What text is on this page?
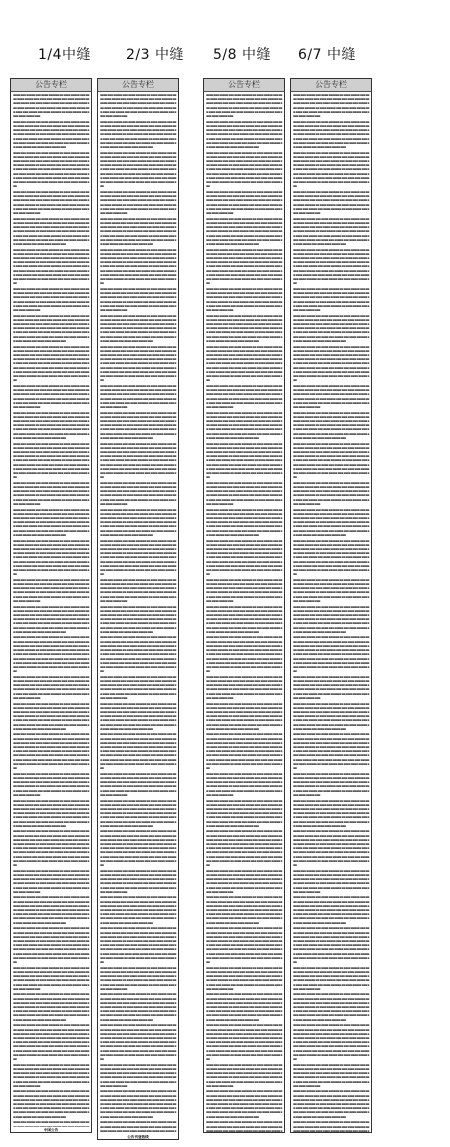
1/4中缝 2/3 中缝 5/8 中缝 6/7 中缝
公告专栏
▪▪▪▪ ▪▪▪ ▪▪▪▪▪ ▪▪▪ ▪▪▪▪ ▪▪▪▪▪▪ ▪▪ ▪▪▪▪ ▪▪▪▪▪ ▪▪▪ ▪▪▪▪ ▪▪▪▪ ▪▪▪▪▪ ▪▪▪ ▪▪▪▪ ▪▪▪ ▪▪▪▪▪ ▪▪▪ ▪▪▪▪ ▪▪▪▪▪▪ ▪▪ ▪▪▪▪ ▪▪▪▪▪ ▪▪▪ ▪▪▪▪ ▪▪▪▪ ▪▪▪▪▪ ▪▪▪ ▪▪▪▪ ▪▪▪ ▪▪▪▪▪ ▪▪▪ ▪▪▪▪ ▪▪▪▪▪▪ ▪▪ ▪▪▪▪ ▪▪▪▪▪ ▪▪▪ ▪▪▪▪ ▪▪▪▪ ▪▪▪▪▪ ▪▪▪ ▪▪▪▪ ▪▪▪ ▪▪▪▪▪ ▪▪▪ ▪▪▪▪ ▪▪▪▪▪▪ ▪▪ ▪▪▪▪ ▪▪▪▪▪ ▪▪▪ ▪▪▪▪ ▪▪▪▪ ▪▪▪▪▪ ▪▪▪
▪▪▪▪ ▪▪▪ ▪▪▪▪▪ ▪▪▪ ▪▪▪▪ ▪▪▪▪▪▪ ▪▪ ▪▪▪▪ ▪▪▪▪▪ ▪▪▪ ▪▪▪▪ ▪▪▪▪ ▪▪▪▪▪ ▪▪▪ ▪▪▪▪ ▪▪▪ ▪▪▪▪▪ ▪▪▪ ▪▪▪▪ ▪▪▪▪▪▪ ▪▪ ▪▪▪▪ ▪▪▪▪▪ ▪▪▪ ▪▪▪▪ ▪▪▪▪ ▪▪▪▪▪ ▪▪▪ ▪▪▪▪ ▪▪▪ ▪▪▪▪▪ ▪▪▪ ▪▪▪▪ ▪▪▪▪▪▪ ▪▪ ▪▪▪▪ ▪▪▪▪▪ ▪▪▪ ▪▪▪▪ ▪▪▪▪ ▪▪▪▪▪ ▪▪▪ ▪▪▪▪ ▪▪▪ ▪▪▪▪▪ ▪▪▪ ▪▪▪▪ ▪▪▪▪▪▪ ▪▪ ▪▪▪▪ ▪▪▪▪▪ ▪▪▪ ▪▪▪▪ ▪▪▪▪ ▪▪▪▪▪ ▪▪▪ ▪▪▪▪ ▪▪▪ ▪▪▪▪▪ ▪▪▪ ▪▪▪▪ ▪▪▪▪▪▪ ▪▪ ▪▪▪▪ ▪▪▪▪▪ ▪▪▪ ▪▪▪▪ ▪▪▪▪ ▪▪▪▪▪ ▪▪▪
▪▪▪▪ ▪▪▪ ▪▪▪▪▪ ▪▪▪ ▪▪▪▪ ▪▪▪▪▪▪ ▪▪ ▪▪▪▪ ▪▪▪▪▪ ▪▪▪ ▪▪▪▪ ▪▪▪▪ ▪▪▪▪▪ ▪▪▪ ▪▪▪▪ ▪▪▪ ▪▪▪▪▪ ▪▪▪ ▪▪▪▪ ▪▪▪▪▪▪ ▪▪ ▪▪▪▪ ▪▪▪▪▪ ▪▪▪ ▪▪▪▪ ▪▪▪▪ ▪▪▪▪▪ ▪▪▪ ▪▪▪▪ ▪▪▪ ▪▪▪▪▪ ▪▪▪ ▪▪▪▪ ▪▪▪▪▪▪ ▪▪ ▪▪▪▪ ▪▪▪▪▪ ▪▪▪ ▪▪▪▪ ▪▪▪▪ ▪▪▪▪▪ ▪▪▪ ▪▪▪▪ ▪▪▪ ▪▪▪▪▪ ▪▪▪ ▪▪▪▪ ▪▪▪▪▪▪ ▪▪ ▪▪▪▪ ▪▪▪▪▪ ▪▪▪ ▪▪▪▪ ▪▪▪▪ ▪▪▪▪▪ ▪▪▪ ▪▪▪▪ ▪▪▪ ▪▪▪▪▪ ▪▪▪ ▪▪▪▪ ▪▪▪▪▪▪ ▪▪ ▪▪▪▪ ▪▪▪▪▪ ▪▪▪ ▪▪▪▪ ▪▪▪▪ ▪▪▪▪▪ ▪▪▪ ▪▪▪▪ ▪▪▪ ▪▪▪▪▪ ▪▪▪ ▪▪▪▪ ▪▪▪▪▪▪ ▪▪ ▪▪▪▪ ▪▪▪▪▪ ▪▪▪ ▪▪▪▪ ▪▪▪▪ ▪▪▪▪▪ ▪▪▪
▪▪▪▪ ▪▪▪ ▪▪▪▪▪ ▪▪▪ ▪▪▪▪ ▪▪▪▪▪▪ ▪▪ ▪▪▪▪ ▪▪▪▪▪ ▪▪▪ ▪▪▪▪ ▪▪▪▪ ▪▪▪▪▪ ▪▪▪ ▪▪▪▪ ▪▪▪ ▪▪▪▪▪ ▪▪▪ ▪▪▪▪ ▪▪▪▪▪▪ ▪▪ ▪▪▪▪ ▪▪▪▪▪ ▪▪▪ ▪▪▪▪ ▪▪▪▪ ▪▪▪▪▪ ▪▪▪ ▪▪▪▪ ▪▪▪ ▪▪▪▪▪ ▪▪▪ ▪▪▪▪ ▪▪▪▪▪▪ ▪▪ ▪▪▪▪ ▪▪▪▪▪ ▪▪▪ ▪▪▪▪ ▪▪▪▪ ▪▪▪▪▪ ▪▪▪ ▪▪▪▪ ▪▪▪ ▪▪▪▪▪ ▪▪▪ ▪▪▪▪ ▪▪▪▪▪▪ ▪▪ ▪▪▪▪ ▪▪▪▪▪ ▪▪▪ ▪▪▪▪ ▪▪▪▪ ▪▪▪▪▪ ▪▪▪
▪▪▪▪ ▪▪▪ ▪▪▪▪▪ ▪▪▪ ▪▪▪▪ ▪▪▪▪▪▪ ▪▪ ▪▪▪▪ ▪▪▪▪▪ ▪▪▪ ▪▪▪▪ ▪▪▪▪ ▪▪▪▪▪ ▪▪▪ ▪▪▪▪ ▪▪▪ ▪▪▪▪▪ ▪▪▪ ▪▪▪▪ ▪▪▪▪▪▪ ▪▪ ▪▪▪▪ ▪▪▪▪▪ ▪▪▪ ▪▪▪▪ ▪▪▪▪ ▪▪▪▪▪ ▪▪▪ ▪▪▪▪ ▪▪▪ ▪▪▪▪▪ ▪▪▪ ▪▪▪▪ ▪▪▪▪▪▪ ▪▪ ▪▪▪▪ ▪▪▪▪▪ ▪▪▪ ▪▪▪▪ ▪▪▪▪ ▪▪▪▪▪ ▪▪▪ ▪▪▪▪ ▪▪▪ ▪▪▪▪▪ ▪▪▪ ▪▪▪▪ ▪▪▪▪▪▪ ▪▪ ▪▪▪▪ ▪▪▪▪▪ ▪▪▪ ▪▪▪▪ ▪▪▪▪ ▪▪▪▪▪ ▪▪▪ ▪▪▪▪ ▪▪▪ ▪▪▪▪▪ ▪▪▪ ▪▪▪▪ ▪▪▪▪▪▪ ▪▪ ▪▪▪▪ ▪▪▪▪▪ ▪▪▪ ▪▪▪▪ ▪▪▪▪ ▪▪▪▪▪ ▪▪▪
▪▪▪▪ ▪▪▪ ▪▪▪▪▪ ▪▪▪ ▪▪▪▪ ▪▪▪▪▪▪ ▪▪ ▪▪▪▪ ▪▪▪▪▪ ▪▪▪ ▪▪▪▪ ▪▪▪▪ ▪▪▪▪▪ ▪▪▪ ▪▪▪▪ ▪▪▪ ▪▪▪▪▪ ▪▪▪ ▪▪▪▪ ▪▪▪▪▪▪ ▪▪ ▪▪▪▪ ▪▪▪▪▪ ▪▪▪ ▪▪▪▪ ▪▪▪▪ ▪▪▪▪▪ ▪▪▪ ▪▪▪▪ ▪▪▪ ▪▪▪▪▪ ▪▪▪ ▪▪▪▪ ▪▪▪▪▪▪ ▪▪ ▪▪▪▪ ▪▪▪▪▪ ▪▪▪ ▪▪▪▪ ▪▪▪▪ ▪▪▪▪▪ ▪▪▪ ▪▪▪▪ ▪▪▪ ▪▪▪▪▪ ▪▪▪ ▪▪▪▪ ▪▪▪▪▪▪ ▪▪ ▪▪▪▪ ▪▪▪▪▪ ▪▪▪ ▪▪▪▪ ▪▪▪▪ ▪▪▪▪▪ ▪▪▪ ▪▪▪▪ ▪▪▪ ▪▪▪▪▪ ▪▪▪ ▪▪▪▪ ▪▪▪▪▪▪ ▪▪ ▪▪▪▪ ▪▪▪▪▪ ▪▪▪ ▪▪▪▪ ▪▪▪▪ ▪▪▪▪▪ ▪▪▪ ▪▪▪▪ ▪▪▪ ▪▪▪▪▪ ▪▪▪ ▪▪▪▪ ▪▪▪▪▪▪ ▪▪ ▪▪▪▪ ▪▪▪▪▪ ▪▪▪ ▪▪▪▪ ▪▪▪▪ ▪▪▪▪▪ ▪▪▪
▪▪▪▪ ▪▪▪ ▪▪▪▪▪ ▪▪▪ ▪▪▪▪ ▪▪▪▪▪▪ ▪▪ ▪▪▪▪ ▪▪▪▪▪ ▪▪▪ ▪▪▪▪ ▪▪▪▪ ▪▪▪▪▪ ▪▪▪ ▪▪▪▪ ▪▪▪ ▪▪▪▪▪ ▪▪▪ ▪▪▪▪ ▪▪▪▪▪▪ ▪▪ ▪▪▪▪ ▪▪▪▪▪ ▪▪▪ ▪▪▪▪ ▪▪▪▪ ▪▪▪▪▪ ▪▪▪ ▪▪▪▪ ▪▪▪ ▪▪▪▪▪ ▪▪▪ ▪▪▪▪ ▪▪▪▪▪▪ ▪▪ ▪▪▪▪ ▪▪▪▪▪ ▪▪▪ ▪▪▪▪ ▪▪▪▪ ▪▪▪▪▪ ▪▪▪ ▪▪▪▪ ▪▪▪ ▪▪▪▪▪ ▪▪▪ ▪▪▪▪ ▪▪▪▪▪▪ ▪▪ ▪▪▪▪ ▪▪▪▪▪ ▪▪▪ ▪▪▪▪ ▪▪▪▪ ▪▪▪▪▪ ▪▪▪
▪▪▪▪ ▪▪▪ ▪▪▪▪▪ ▪▪▪ ▪▪▪▪ ▪▪▪▪▪▪ ▪▪ ▪▪▪▪ ▪▪▪▪▪ ▪▪▪ ▪▪▪▪ ▪▪▪▪ ▪▪▪▪▪ ▪▪▪ ▪▪▪▪ ▪▪▪ ▪▪▪▪▪ ▪▪▪ ▪▪▪▪ ▪▪▪▪▪▪ ▪▪ ▪▪▪▪ ▪▪▪▪▪ ▪▪▪ ▪▪▪▪ ▪▪▪▪ ▪▪▪▪▪ ▪▪▪ ▪▪▪▪ ▪▪▪ ▪▪▪▪▪ ▪▪▪ ▪▪▪▪ ▪▪▪▪▪▪ ▪▪ ▪▪▪▪ ▪▪▪▪▪ ▪▪▪ ▪▪▪▪ ▪▪▪▪ ▪▪▪▪▪ ▪▪▪ ▪▪▪▪ ▪▪▪ ▪▪▪▪▪ ▪▪▪ ▪▪▪▪ ▪▪▪▪▪▪ ▪▪ ▪▪▪▪ ▪▪▪▪▪ ▪▪▪ ▪▪▪▪ ▪▪▪▪ ▪▪▪▪▪ ▪▪▪ ▪▪▪▪ ▪▪▪ ▪▪▪▪▪ ▪▪▪ ▪▪▪▪ ▪▪▪▪▪▪ ▪▪ ▪▪▪▪ ▪▪▪▪▪ ▪▪▪ ▪▪▪▪ ▪▪▪▪ ▪▪▪▪▪ ▪▪▪
▪▪▪▪ ▪▪▪ ▪▪▪▪▪ ▪▪▪ ▪▪▪▪ ▪▪▪▪▪▪ ▪▪ ▪▪▪▪ ▪▪▪▪▪ ▪▪▪ ▪▪▪▪ ▪▪▪▪ ▪▪▪▪▪ ▪▪▪ ▪▪▪▪ ▪▪▪ ▪▪▪▪▪ ▪▪▪ ▪▪▪▪ ▪▪▪▪▪▪ ▪▪ ▪▪▪▪ ▪▪▪▪▪ ▪▪▪ ▪▪▪▪ ▪▪▪▪ ▪▪▪▪▪ ▪▪▪ ▪▪▪▪ ▪▪▪ ▪▪▪▪▪ ▪▪▪ ▪▪▪▪ ▪▪▪▪▪▪ ▪▪ ▪▪▪▪ ▪▪▪▪▪ ▪▪▪ ▪▪▪▪ ▪▪▪▪ ▪▪▪▪▪ ▪▪▪ ▪▪▪▪ ▪▪▪ ▪▪▪▪▪ ▪▪▪ ▪▪▪▪ ▪▪▪▪▪▪ ▪▪ ▪▪▪▪ ▪▪▪▪▪ ▪▪▪ ▪▪▪▪ ▪▪▪▪ ▪▪▪▪▪ ▪▪▪ ▪▪▪▪ ▪▪▪ ▪▪▪▪▪ ▪▪▪ ▪▪▪▪ ▪▪▪▪▪▪ ▪▪ ▪▪▪▪ ▪▪▪▪▪ ▪▪▪ ▪▪▪▪ ▪▪▪▪ ▪▪▪▪▪ ▪▪▪ ▪▪▪▪ ▪▪▪ ▪▪▪▪▪ ▪▪▪ ▪▪▪▪ ▪▪▪▪▪▪ ▪▪ ▪▪▪▪ ▪▪▪▪▪ ▪▪▪ ▪▪▪▪ ▪▪▪▪ ▪▪▪▪▪ ▪▪▪
▪▪▪▪ ▪▪▪ ▪▪▪▪▪ ▪▪▪ ▪▪▪▪ ▪▪▪▪▪▪ ▪▪ ▪▪▪▪ ▪▪▪▪▪ ▪▪▪ ▪▪▪▪ ▪▪▪▪ ▪▪▪▪▪ ▪▪▪ ▪▪▪▪ ▪▪▪ ▪▪▪▪▪ ▪▪▪ ▪▪▪▪ ▪▪▪▪▪▪ ▪▪ ▪▪▪▪ ▪▪▪▪▪ ▪▪▪ ▪▪▪▪ ▪▪▪▪ ▪▪▪▪▪ ▪▪▪ ▪▪▪▪ ▪▪▪ ▪▪▪▪▪ ▪▪▪ ▪▪▪▪ ▪▪▪▪▪▪ ▪▪ ▪▪▪▪ ▪▪▪▪▪ ▪▪▪ ▪▪▪▪ ▪▪▪▪ ▪▪▪▪▪ ▪▪▪ ▪▪▪▪ ▪▪▪ ▪▪▪▪▪ ▪▪▪ ▪▪▪▪ ▪▪▪▪▪▪ ▪▪ ▪▪▪▪ ▪▪▪▪▪ ▪▪▪ ▪▪▪▪ ▪▪▪▪ ▪▪▪▪▪ ▪▪▪
▪▪▪▪ ▪▪▪ ▪▪▪▪▪ ▪▪▪ ▪▪▪▪ ▪▪▪▪▪▪ ▪▪ ▪▪▪▪ ▪▪▪▪▪ ▪▪▪ ▪▪▪▪ ▪▪▪▪ ▪▪▪▪▪ ▪▪▪ ▪▪▪▪ ▪▪▪ ▪▪▪▪▪ ▪▪▪ ▪▪▪▪ ▪▪▪▪▪▪ ▪▪ ▪▪▪▪ ▪▪▪▪▪ ▪▪▪ ▪▪▪▪ ▪▪▪▪ ▪▪▪▪▪ ▪▪▪ ▪▪▪▪ ▪▪▪ ▪▪▪▪▪ ▪▪▪ ▪▪▪▪ ▪▪▪▪▪▪ ▪▪ ▪▪▪▪ ▪▪▪▪▪ ▪▪▪ ▪▪▪▪ ▪▪▪▪ ▪▪▪▪▪ ▪▪▪ ▪▪▪▪ ▪▪▪ ▪▪▪▪▪ ▪▪▪ ▪▪▪▪ ▪▪▪▪▪▪ ▪▪ ▪▪▪▪ ▪▪▪▪▪ ▪▪▪ ▪▪▪▪ ▪▪▪▪ ▪▪▪▪▪ ▪▪▪ ▪▪▪▪ ▪▪▪ ▪▪▪▪▪ ▪▪▪ ▪▪▪▪ ▪▪▪▪▪▪ ▪▪ ▪▪▪▪ ▪▪▪▪▪ ▪▪▪ ▪▪▪▪ ▪▪▪▪ ▪▪▪▪▪ ▪▪▪
▪▪▪▪ ▪▪▪ ▪▪▪▪▪ ▪▪▪ ▪▪▪▪ ▪▪▪▪▪▪ ▪▪ ▪▪▪▪ ▪▪▪▪▪ ▪▪▪ ▪▪▪▪ ▪▪▪▪ ▪▪▪▪▪ ▪▪▪ ▪▪▪▪ ▪▪▪ ▪▪▪▪▪ ▪▪▪ ▪▪▪▪ ▪▪▪▪▪▪ ▪▪ ▪▪▪▪ ▪▪▪▪▪ ▪▪▪ ▪▪▪▪ ▪▪▪▪ ▪▪▪▪▪ ▪▪▪ ▪▪▪▪ ▪▪▪ ▪▪▪▪▪ ▪▪▪ ▪▪▪▪ ▪▪▪▪▪▪ ▪▪ ▪▪▪▪ ▪▪▪▪▪ ▪▪▪ ▪▪▪▪ ▪▪▪▪ ▪▪▪▪▪ ▪▪▪ ▪▪▪▪ ▪▪▪ ▪▪▪▪▪ ▪▪▪ ▪▪▪▪ ▪▪▪▪▪▪ ▪▪ ▪▪▪▪ ▪▪▪▪▪ ▪▪▪ ▪▪▪▪ ▪▪▪▪ ▪▪▪▪▪ ▪▪▪ ▪▪▪▪ ▪▪▪ ▪▪▪▪▪ ▪▪▪ ▪▪▪▪ ▪▪▪▪▪▪ ▪▪ ▪▪▪▪ ▪▪▪▪▪ ▪▪▪ ▪▪▪▪ ▪▪▪▪ ▪▪▪▪▪ ▪▪▪ ▪▪▪▪ ▪▪▪ ▪▪▪▪▪ ▪▪▪ ▪▪▪▪ ▪▪▪▪▪▪ ▪▪ ▪▪▪▪ ▪▪▪▪▪ ▪▪▪ ▪▪▪▪ ▪▪▪▪ ▪▪▪▪▪ ▪▪▪
▪▪▪▪ ▪▪▪ ▪▪▪▪▪ ▪▪▪ ▪▪▪▪ ▪▪▪▪▪▪ ▪▪ ▪▪▪▪ ▪▪▪▪▪ ▪▪▪ ▪▪▪▪ ▪▪▪▪ ▪▪▪▪▪ ▪▪▪ ▪▪▪▪ ▪▪▪ ▪▪▪▪▪ ▪▪▪ ▪▪▪▪ ▪▪▪▪▪▪ ▪▪ ▪▪▪▪ ▪▪▪▪▪ ▪▪▪ ▪▪▪▪ ▪▪▪▪ ▪▪▪▪▪ ▪▪▪ ▪▪▪▪ ▪▪▪ ▪▪▪▪▪ ▪▪▪ ▪▪▪▪ ▪▪▪▪▪▪ ▪▪ ▪▪▪▪ ▪▪▪▪▪ ▪▪▪ ▪▪▪▪ ▪▪▪▪ ▪▪▪▪▪ ▪▪▪ ▪▪▪▪ ▪▪▪ ▪▪▪▪▪ ▪▪▪ ▪▪▪▪ ▪▪▪▪▪▪ ▪▪ ▪▪▪▪ ▪▪▪▪▪ ▪▪▪ ▪▪▪▪ ▪▪▪▪ ▪▪▪▪▪ ▪▪▪
▪▪▪▪ ▪▪▪ ▪▪▪▪▪ ▪▪▪ ▪▪▪▪ ▪▪▪▪▪▪ ▪▪ ▪▪▪▪ ▪▪▪▪▪ ▪▪▪ ▪▪▪▪ ▪▪▪▪ ▪▪▪▪▪ ▪▪▪ ▪▪▪▪ ▪▪▪ ▪▪▪▪▪ ▪▪▪ ▪▪▪▪ ▪▪▪▪▪▪ ▪▪ ▪▪▪▪ ▪▪▪▪▪ ▪▪▪ ▪▪▪▪ ▪▪▪▪ ▪▪▪▪▪ ▪▪▪ ▪▪▪▪ ▪▪▪ ▪▪▪▪▪ ▪▪▪ ▪▪▪▪ ▪▪▪▪▪▪ ▪▪ ▪▪▪▪ ▪▪▪▪▪ ▪▪▪ ▪▪▪▪ ▪▪▪▪ ▪▪▪▪▪ ▪▪▪ ▪▪▪▪ ▪▪▪ ▪▪▪▪▪ ▪▪▪ ▪▪▪▪ ▪▪▪▪▪▪ ▪▪ ▪▪▪▪ ▪▪▪▪▪ ▪▪▪ ▪▪▪▪ ▪▪▪▪ ▪▪▪▪▪ ▪▪▪ ▪▪▪▪ ▪▪▪ ▪▪▪▪▪ ▪▪▪ ▪▪▪▪ ▪▪▪▪▪▪ ▪▪ ▪▪▪▪ ▪▪▪▪▪ ▪▪▪ ▪▪▪▪ ▪▪▪▪ ▪▪▪▪▪ ▪▪▪
▪▪▪▪ ▪▪▪ ▪▪▪▪▪ ▪▪▪ ▪▪▪▪ ▪▪▪▪▪▪ ▪▪ ▪▪▪▪ ▪▪▪▪▪ ▪▪▪ ▪▪▪▪ ▪▪▪▪ ▪▪▪▪▪ ▪▪▪ ▪▪▪▪ ▪▪▪ ▪▪▪▪▪ ▪▪▪ ▪▪▪▪ ▪▪▪▪▪▪ ▪▪ ▪▪▪▪ ▪▪▪▪▪ ▪▪▪ ▪▪▪▪ ▪▪▪▪ ▪▪▪▪▪ ▪▪▪ ▪▪▪▪ ▪▪▪ ▪▪▪▪▪ ▪▪▪ ▪▪▪▪ ▪▪▪▪▪▪ ▪▪ ▪▪▪▪ ▪▪▪▪▪ ▪▪▪ ▪▪▪▪ ▪▪▪▪ ▪▪▪▪▪ ▪▪▪ ▪▪▪▪ ▪▪▪ ▪▪▪▪▪ ▪▪▪ ▪▪▪▪ ▪▪▪▪▪▪ ▪▪ ▪▪▪▪ ▪▪▪▪▪ ▪▪▪ ▪▪▪▪ ▪▪▪▪ ▪▪▪▪▪ ▪▪▪ ▪▪▪▪ ▪▪▪ ▪▪▪▪▪ ▪▪▪ ▪▪▪▪ ▪▪▪▪▪▪ ▪▪ ▪▪▪▪ ▪▪▪▪▪ ▪▪▪ ▪▪▪▪ ▪▪▪▪ ▪▪▪▪▪ ▪▪▪ ▪▪▪▪ ▪▪▪ ▪▪▪▪▪ ▪▪▪ ▪▪▪▪ ▪▪▪▪▪▪ ▪▪ ▪▪▪▪ ▪▪▪▪▪ ▪▪▪ ▪▪▪▪ ▪▪▪▪ ▪▪▪▪▪ ▪▪▪
▪▪▪▪ ▪▪▪ ▪▪▪▪▪ ▪▪▪ ▪▪▪▪ ▪▪▪▪▪▪ ▪▪ ▪▪▪▪ ▪▪▪▪▪ ▪▪▪ ▪▪▪▪ ▪▪▪▪ ▪▪▪▪▪ ▪▪▪ ▪▪▪▪ ▪▪▪ ▪▪▪▪▪ ▪▪▪ ▪▪▪▪ ▪▪▪▪▪▪ ▪▪ ▪▪▪▪ ▪▪▪▪▪ ▪▪▪ ▪▪▪▪ ▪▪▪▪ ▪▪▪▪▪ ▪▪▪ ▪▪▪▪ ▪▪▪ ▪▪▪▪▪ ▪▪▪ ▪▪▪▪ ▪▪▪▪▪▪ ▪▪ ▪▪▪▪ ▪▪▪▪▪ ▪▪▪ ▪▪▪▪ ▪▪▪▪ ▪▪▪▪▪ ▪▪▪ ▪▪▪▪ ▪▪▪ ▪▪▪▪▪ ▪▪▪ ▪▪▪▪ ▪▪▪▪▪▪ ▪▪ ▪▪▪▪ ▪▪▪▪▪ ▪▪▪ ▪▪▪▪ ▪▪▪▪ ▪▪▪▪▪ ▪▪▪
▪▪▪▪ ▪▪▪ ▪▪▪▪▪ ▪▪▪ ▪▪▪▪ ▪▪▪▪▪▪ ▪▪ ▪▪▪▪ ▪▪▪▪▪ ▪▪▪ ▪▪▪▪ ▪▪▪▪ ▪▪▪▪▪ ▪▪▪ ▪▪▪▪ ▪▪▪ ▪▪▪▪▪ ▪▪▪ ▪▪▪▪ ▪▪▪▪▪▪ ▪▪ ▪▪▪▪ ▪▪▪▪▪ ▪▪▪ ▪▪▪▪ ▪▪▪▪ ▪▪▪▪▪ ▪▪▪ ▪▪▪▪ ▪▪▪ ▪▪▪▪▪ ▪▪▪ ▪▪▪▪ ▪▪▪▪▪▪ ▪▪ ▪▪▪▪ ▪▪▪▪▪ ▪▪▪ ▪▪▪▪ ▪▪▪▪ ▪▪▪▪▪ ▪▪▪ ▪▪▪▪ ▪▪▪ ▪▪▪▪▪ ▪▪▪ ▪▪▪▪ ▪▪▪▪▪▪ ▪▪ ▪▪▪▪ ▪▪▪▪▪ ▪▪▪ ▪▪▪▪ ▪▪▪▪ ▪▪▪▪▪ ▪▪▪ ▪▪▪▪ ▪▪▪ ▪▪▪▪▪ ▪▪▪ ▪▪▪▪ ▪▪▪▪▪▪ ▪▪ ▪▪▪▪ ▪▪▪▪▪ ▪▪▪ ▪▪▪▪ ▪▪▪▪ ▪▪▪▪▪ ▪▪▪
▪▪▪▪ ▪▪▪ ▪▪▪▪▪ ▪▪▪ ▪▪▪▪ ▪▪▪▪▪▪ ▪▪ ▪▪▪▪ ▪▪▪▪▪ ▪▪▪ ▪▪▪▪ ▪▪▪▪ ▪▪▪▪▪ ▪▪▪ ▪▪▪▪ ▪▪▪ ▪▪▪▪▪ ▪▪▪ ▪▪▪▪ ▪▪▪▪▪▪ ▪▪ ▪▪▪▪ ▪▪▪▪▪ ▪▪▪ ▪▪▪▪ ▪▪▪▪ ▪▪▪▪▪ ▪▪▪ ▪▪▪▪ ▪▪▪ ▪▪▪▪▪ ▪▪▪ ▪▪▪▪ ▪▪▪▪▪▪ ▪▪ ▪▪▪▪ ▪▪▪▪▪ ▪▪▪ ▪▪▪▪ ▪▪▪▪ ▪▪▪▪▪ ▪▪▪ ▪▪▪▪ ▪▪▪ ▪▪▪▪▪ ▪▪▪ ▪▪▪▪ ▪▪▪▪▪▪ ▪▪ ▪▪▪▪ ▪▪▪▪▪ ▪▪▪ ▪▪▪▪ ▪▪▪▪ ▪▪▪▪▪ ▪▪▪ ▪▪▪▪ ▪▪▪ ▪▪▪▪▪ ▪▪▪ ▪▪▪▪ ▪▪▪▪▪▪ ▪▪ ▪▪▪▪ ▪▪▪▪▪ ▪▪▪ ▪▪▪▪ ▪▪▪▪ ▪▪▪▪▪ ▪▪▪ ▪▪▪▪ ▪▪▪ ▪▪▪▪▪ ▪▪▪ ▪▪▪▪ ▪▪▪▪▪▪ ▪▪ ▪▪▪▪ ▪▪▪▪▪ ▪▪▪ ▪▪▪▪ ▪▪▪▪ ▪▪▪▪▪ ▪▪▪
▪▪▪▪ ▪▪▪ ▪▪▪▪▪ ▪▪▪ ▪▪▪▪ ▪▪▪▪▪▪ ▪▪ ▪▪▪▪ ▪▪▪▪▪ ▪▪▪ ▪▪▪▪ ▪▪▪▪ ▪▪▪▪▪ ▪▪▪ ▪▪▪▪ ▪▪▪ ▪▪▪▪▪ ▪▪▪ ▪▪▪▪ ▪▪▪▪▪▪ ▪▪ ▪▪▪▪ ▪▪▪▪▪ ▪▪▪ ▪▪▪▪ ▪▪▪▪ ▪▪▪▪▪ ▪▪▪ ▪▪▪▪ ▪▪▪ ▪▪▪▪▪ ▪▪▪ ▪▪▪▪ ▪▪▪▪▪▪ ▪▪ ▪▪▪▪ ▪▪▪▪▪ ▪▪▪ ▪▪▪▪ ▪▪▪▪ ▪▪▪▪▪ ▪▪▪ ▪▪▪▪ ▪▪▪ ▪▪▪▪▪ ▪▪▪ ▪▪▪▪ ▪▪▪▪▪▪ ▪▪ ▪▪▪▪ ▪▪▪▪▪ ▪▪▪ ▪▪▪▪ ▪▪▪▪ ▪▪▪▪▪ ▪▪▪
▪▪▪▪ ▪▪▪ ▪▪▪▪▪ ▪▪▪ ▪▪▪▪ ▪▪▪▪▪▪ ▪▪ ▪▪▪▪ ▪▪▪▪▪ ▪▪▪ ▪▪▪▪ ▪▪▪▪ ▪▪▪▪▪ ▪▪▪ ▪▪▪▪ ▪▪▪ ▪▪▪▪▪ ▪▪▪ ▪▪▪▪ ▪▪▪▪▪▪ ▪▪ ▪▪▪▪ ▪▪▪▪▪ ▪▪▪ ▪▪▪▪ ▪▪▪▪ ▪▪▪▪▪ ▪▪▪ ▪▪▪▪ ▪▪▪ ▪▪▪▪▪ ▪▪▪ ▪▪▪▪ ▪▪▪▪▪▪ ▪▪ ▪▪▪▪ ▪▪▪▪▪ ▪▪▪ ▪▪▪▪ ▪▪▪▪ ▪▪▪▪▪ ▪▪▪ ▪▪▪▪ ▪▪▪ ▪▪▪▪▪ ▪▪▪ ▪▪▪▪ ▪▪▪▪▪▪ ▪▪ ▪▪▪▪ ▪▪▪▪▪ ▪▪▪ ▪▪▪▪ ▪▪▪▪ ▪▪▪▪▪ ▪▪▪ ▪▪▪▪ ▪▪▪ ▪▪▪▪▪ ▪▪▪ ▪▪▪▪ ▪▪▪▪▪▪ ▪▪ ▪▪▪▪ ▪▪▪▪▪ ▪▪▪ ▪▪▪▪ ▪▪▪▪ ▪▪▪▪▪ ▪▪▪
▪▪▪▪ ▪▪▪ ▪▪▪▪▪ ▪▪▪ ▪▪▪▪ ▪▪▪▪▪▪ ▪▪ ▪▪▪▪ ▪▪▪▪▪ ▪▪▪ ▪▪▪▪ ▪▪▪▪ ▪▪▪▪▪ ▪▪▪ ▪▪▪▪ ▪▪▪ ▪▪▪▪▪ ▪▪▪ ▪▪▪▪ ▪▪▪▪▪▪ ▪▪ ▪▪▪▪ ▪▪▪▪▪ ▪▪▪ ▪▪▪▪ ▪▪▪▪ ▪▪▪▪▪ ▪▪▪ ▪▪▪▪ ▪▪▪ ▪▪▪▪▪ ▪▪▪ ▪▪▪▪ ▪▪▪▪▪▪ ▪▪ ▪▪▪▪ ▪▪▪▪▪ ▪▪▪ ▪▪▪▪ ▪▪▪▪ ▪▪▪▪▪ ▪▪▪ ▪▪▪▪ ▪▪▪ ▪▪▪▪▪ ▪▪▪ ▪▪▪▪ ▪▪▪▪▪▪ ▪▪ ▪▪▪▪ ▪▪▪▪▪ ▪▪▪ ▪▪▪▪ ▪▪▪▪ ▪▪▪▪▪ ▪▪▪ ▪▪▪▪ ▪▪▪ ▪▪▪▪▪ ▪▪▪ ▪▪▪▪ ▪▪▪▪▪▪ ▪▪ ▪▪▪▪ ▪▪▪▪▪ ▪▪▪ ▪▪▪▪ ▪▪▪▪ ▪▪▪▪▪ ▪▪▪ ▪▪▪▪ ▪▪▪ ▪▪▪▪▪ ▪▪▪ ▪▪▪▪ ▪▪▪▪▪▪ ▪▪ ▪▪▪▪ ▪▪▪▪▪ ▪▪▪ ▪▪▪▪ ▪▪▪▪ ▪▪▪▪▪ ▪▪▪
▪▪▪▪ ▪▪▪ ▪▪▪▪▪ ▪▪▪ ▪▪▪▪ ▪▪▪▪▪▪ ▪▪ ▪▪▪▪ ▪▪▪▪▪ ▪▪▪ ▪▪▪▪ ▪▪▪▪ ▪▪▪▪▪ ▪▪▪ ▪▪▪▪ ▪▪▪ ▪▪▪▪▪ ▪▪▪ ▪▪▪▪ ▪▪▪▪▪▪ ▪▪ ▪▪▪▪ ▪▪▪▪▪ ▪▪▪ ▪▪▪▪ ▪▪▪▪ ▪▪▪▪▪ ▪▪▪ ▪▪▪▪ ▪▪▪ ▪▪▪▪▪ ▪▪▪ ▪▪▪▪ ▪▪▪▪▪▪ ▪▪ ▪▪▪▪ ▪▪▪▪▪ ▪▪▪ ▪▪▪▪ ▪▪▪▪ ▪▪▪▪▪ ▪▪▪ ▪▪▪▪ ▪▪▪ ▪▪▪▪▪ ▪▪▪ ▪▪▪▪ ▪▪▪▪▪▪ ▪▪ ▪▪▪▪ ▪▪▪▪▪ ▪▪▪ ▪▪▪▪ ▪▪▪▪ ▪▪▪▪▪ ▪▪▪
▪▪▪▪ ▪▪▪ ▪▪▪▪▪ ▪▪▪ ▪▪▪▪ ▪▪▪▪▪▪ ▪▪ ▪▪▪▪ ▪▪▪▪▪ ▪▪▪ ▪▪▪▪ ▪▪▪▪ ▪▪▪▪▪ ▪▪▪ ▪▪▪▪ ▪▪▪ ▪▪▪▪▪ ▪▪▪ ▪▪▪▪ ▪▪▪▪▪▪ ▪▪ ▪▪▪▪ ▪▪▪▪▪ ▪▪▪ ▪▪▪▪ ▪▪▪▪ ▪▪▪▪▪ ▪▪▪ ▪▪▪▪ ▪▪▪ ▪▪▪▪▪ ▪▪▪ ▪▪▪▪ ▪▪▪▪▪▪ ▪▪ ▪▪▪▪ ▪▪▪▪▪ ▪▪▪ ▪▪▪▪ ▪▪▪▪ ▪▪▪▪▪ ▪▪▪ ▪▪▪▪ ▪▪▪ ▪▪▪▪▪ ▪▪▪ ▪▪▪▪ ▪▪▪▪▪▪ ▪▪ ▪▪▪▪ ▪▪▪▪▪ ▪▪▪ ▪▪▪▪ ▪▪▪▪ ▪▪▪▪▪ ▪▪▪ ▪▪▪▪ ▪▪▪ ▪▪▪▪▪ ▪▪▪ ▪▪▪▪ ▪▪▪▪▪▪ ▪▪ ▪▪▪▪ ▪▪▪▪▪ ▪▪▪ ▪▪▪▪ ▪▪▪▪ ▪▪▪▪▪ ▪▪▪
▪▪▪▪ ▪▪▪ ▪▪▪▪▪ ▪▪▪ ▪▪▪▪ ▪▪▪▪▪▪ ▪▪ ▪▪▪▪ ▪▪▪▪▪ ▪▪▪ ▪▪▪▪ ▪▪▪▪ ▪▪▪▪▪ ▪▪▪ ▪▪▪▪ ▪▪▪ ▪▪▪▪▪ ▪▪▪ ▪▪▪▪ ▪▪▪▪▪▪ ▪▪ ▪▪▪▪ ▪▪▪▪▪ ▪▪▪ ▪▪▪▪ ▪▪▪▪ ▪▪▪▪▪ ▪▪▪ ▪▪▪▪ ▪▪▪ ▪▪▪▪▪ ▪▪▪ ▪▪▪▪ ▪▪▪▪▪▪ ▪▪ ▪▪▪▪ ▪▪▪▪▪ ▪▪▪ ▪▪▪▪ ▪▪▪▪ ▪▪▪▪▪ ▪▪▪ ▪▪▪▪ ▪▪▪ ▪▪▪▪▪ ▪▪▪ ▪▪▪▪ ▪▪▪▪▪▪ ▪▪ ▪▪▪▪ ▪▪▪▪▪ ▪▪▪ ▪▪▪▪ ▪▪▪▪ ▪▪▪▪▪ ▪▪▪ ▪▪▪▪ ▪▪▪ ▪▪▪▪▪ ▪▪▪ ▪▪▪▪ ▪▪▪▪▪▪ ▪▪ ▪▪▪▪ ▪▪▪▪▪ ▪▪▪ ▪▪▪▪ ▪▪▪▪ ▪▪▪▪▪ ▪▪▪ ▪▪▪▪ ▪▪▪ ▪▪▪▪▪ ▪▪▪ ▪▪▪▪ ▪▪▪▪▪▪ ▪▪ ▪▪▪▪ ▪▪▪▪▪ ▪▪▪ ▪▪▪▪ ▪▪▪▪ ▪▪▪▪▪ ▪▪▪
▪▪▪▪ ▪▪▪ ▪▪▪▪▪ ▪▪▪ ▪▪▪▪ ▪▪▪▪▪▪ ▪▪ ▪▪▪▪ ▪▪▪▪▪ ▪▪▪ ▪▪▪▪ ▪▪▪▪ ▪▪▪▪▪ ▪▪▪ ▪▪▪▪ ▪▪▪ ▪▪▪▪▪ ▪▪▪ ▪▪▪▪ ▪▪▪▪▪▪ ▪▪ ▪▪▪▪ ▪▪▪▪▪ ▪▪▪ ▪▪▪▪ ▪▪▪▪ ▪▪▪▪▪ ▪▪▪ ▪▪▪▪ ▪▪▪ ▪▪▪▪▪ ▪▪▪ ▪▪▪▪ ▪▪▪▪▪▪ ▪▪ ▪▪▪▪ ▪▪▪▪▪ ▪▪▪ ▪▪▪▪ ▪▪▪▪ ▪▪▪▪▪ ▪▪▪ ▪▪▪▪ ▪▪▪ ▪▪▪▪▪ ▪▪▪ ▪▪▪▪ ▪▪▪▪▪▪ ▪▪ ▪▪▪▪ ▪▪▪▪▪ ▪▪▪ ▪▪▪▪ ▪▪▪▪ ▪▪▪▪▪ ▪▪▪
▪▪▪▪ ▪▪▪ ▪▪▪▪▪ ▪▪▪ ▪▪▪▪ ▪▪▪▪▪▪ ▪▪ ▪▪▪▪ ▪▪▪▪▪ ▪▪▪ ▪▪▪▪ ▪▪▪▪ ▪▪▪▪▪ ▪▪▪ ▪▪▪▪ ▪▪▪ ▪▪▪▪▪ ▪▪▪ ▪▪▪▪ ▪▪▪▪▪▪ ▪▪ ▪▪▪▪ ▪▪▪▪▪ ▪▪▪ ▪▪▪▪ ▪▪▪▪ ▪▪▪▪▪ ▪▪▪ ▪▪▪▪ ▪▪▪ ▪▪▪▪▪ ▪▪▪ ▪▪▪▪ ▪▪▪▪▪▪ ▪▪ ▪▪▪▪ ▪▪▪▪▪ ▪▪▪ ▪▪▪▪ ▪▪▪▪ ▪▪▪▪▪ ▪▪▪ ▪▪▪▪ ▪▪▪ ▪▪▪▪▪ ▪▪▪ ▪▪▪▪ ▪▪▪▪▪▪ ▪▪ ▪▪▪▪ ▪▪▪▪▪ ▪▪▪ ▪▪▪▪ ▪▪▪▪ ▪▪▪▪▪ ▪▪▪ ▪▪▪▪ ▪▪▪ ▪▪▪▪▪ ▪▪▪ ▪▪▪▪ ▪▪▪▪▪▪ ▪▪ ▪▪▪▪ ▪▪▪▪▪ ▪▪▪ ▪▪▪▪ ▪▪▪▪ ▪▪▪▪▪ ▪▪▪
▪▪▪▪ ▪▪▪ ▪▪▪▪▪ ▪▪▪ ▪▪▪▪ ▪▪▪▪▪▪ ▪▪ ▪▪▪▪ ▪▪▪▪▪ ▪▪▪ ▪▪▪▪ ▪▪▪▪ ▪▪▪▪▪ ▪▪▪ ▪▪▪▪ ▪▪▪ ▪▪▪▪▪ ▪▪▪ ▪▪▪▪ ▪▪▪▪▪▪ ▪▪ ▪▪▪▪ ▪▪▪▪▪ ▪▪▪ ▪▪▪▪ ▪▪▪▪ ▪▪▪▪▪ ▪▪▪ ▪▪▪▪ ▪▪▪ ▪▪▪▪▪ ▪▪▪ ▪▪▪▪ ▪▪▪▪▪▪ ▪▪ ▪▪▪▪ ▪▪▪▪▪ ▪▪▪ ▪▪▪▪ ▪▪▪▪ ▪▪▪▪▪ ▪▪▪ ▪▪▪▪ ▪▪▪ ▪▪▪▪▪ ▪▪▪ ▪▪▪▪ ▪▪▪▪▪▪ ▪▪ ▪▪▪▪ ▪▪▪▪▪ ▪▪▪ ▪▪▪▪ ▪▪▪▪ ▪▪▪▪▪ ▪▪▪ ▪▪▪▪ ▪▪▪ ▪▪▪▪▪ ▪▪▪ ▪▪▪▪ ▪▪▪▪▪▪ ▪▪ ▪▪▪▪ ▪▪▪▪▪ ▪▪▪ ▪▪▪▪ ▪▪▪▪ ▪▪▪▪▪ ▪▪▪ ▪▪▪▪ ▪▪▪ ▪▪▪▪▪ ▪▪▪ ▪▪▪▪ ▪▪▪▪▪▪ ▪▪ ▪▪▪▪ ▪▪▪▪▪ ▪▪▪ ▪▪▪▪ ▪▪▪▪ ▪▪▪▪▪ ▪▪▪
▪▪▪▪ ▪▪▪ ▪▪▪▪▪ ▪▪▪ ▪▪▪▪ ▪▪▪▪▪▪ ▪▪ ▪▪▪▪ ▪▪▪▪▪ ▪▪▪ ▪▪▪▪ ▪▪▪▪ ▪▪▪▪▪ ▪▪▪ ▪▪▪▪ ▪▪▪ ▪▪▪▪▪ ▪▪▪ ▪▪▪▪ ▪▪▪▪▪▪ ▪▪ ▪▪▪▪ ▪▪▪▪▪ ▪▪▪ ▪▪▪▪ ▪▪▪▪ ▪▪▪▪▪ ▪▪▪ ▪▪▪▪ ▪▪▪ ▪▪▪▪▪ ▪▪▪ ▪▪▪▪ ▪▪▪▪▪▪ ▪▪ ▪▪▪▪ ▪▪▪▪▪ ▪▪▪ ▪▪▪▪ ▪▪▪▪ ▪▪▪▪▪ ▪▪▪ ▪▪▪▪ ▪▪▪ ▪▪▪▪▪ ▪▪▪ ▪▪▪▪ ▪▪▪▪▪▪ ▪▪ ▪▪▪▪ ▪▪▪▪▪ ▪▪▪ ▪▪▪▪ ▪▪▪▪ ▪▪▪▪▪ ▪▪▪
▪▪▪▪ ▪▪▪ ▪▪▪▪▪ ▪▪▪ ▪▪▪▪ ▪▪▪▪▪▪ ▪▪ ▪▪▪▪ ▪▪▪▪▪ ▪▪▪ ▪▪▪▪ ▪▪▪▪ ▪▪▪▪▪ ▪▪▪ ▪▪▪▪ ▪▪▪ ▪▪▪▪▪ ▪▪▪ ▪▪▪▪ ▪▪▪▪▪▪ ▪▪ ▪▪▪▪ ▪▪▪▪▪ ▪▪▪ ▪▪▪▪ ▪▪▪▪ ▪▪▪▪▪ ▪▪▪ ▪▪▪▪ ▪▪▪ ▪▪▪▪▪ ▪▪▪ ▪▪▪▪ ▪▪▪▪▪▪ ▪▪ ▪▪▪▪ ▪▪▪▪▪ ▪▪▪ ▪▪▪▪ ▪▪▪▪ ▪▪▪▪▪ ▪▪▪ ▪▪▪▪ ▪▪▪ ▪▪▪▪▪ ▪▪▪ ▪▪▪▪ ▪▪▪▪▪▪ ▪▪ ▪▪▪▪ ▪▪▪▪▪ ▪▪▪ ▪▪▪▪ ▪▪▪▪ ▪▪▪▪▪ ▪▪▪ ▪▪▪▪ ▪▪▪ ▪▪▪▪▪ ▪▪▪ ▪▪▪▪ ▪▪▪▪▪▪ ▪▪ ▪▪▪▪ ▪▪▪▪▪ ▪▪▪ ▪▪▪▪ ▪▪▪▪ ▪▪▪▪▪ ▪▪▪
▪▪▪▪ ▪▪▪ ▪▪▪▪▪ ▪▪▪ ▪▪▪▪ ▪▪▪▪▪▪ ▪▪ ▪▪▪▪ ▪▪▪▪▪ ▪▪▪ ▪▪▪▪ ▪▪▪▪ ▪▪▪▪▪ ▪▪▪ ▪▪▪▪ ▪▪▪ ▪▪▪▪▪ ▪▪▪ ▪▪▪▪ ▪▪▪▪▪▪ ▪▪ ▪▪▪▪ ▪▪▪▪▪ ▪▪▪ ▪▪▪▪ ▪▪▪▪ ▪▪▪▪▪ ▪▪▪ ▪▪▪▪ ▪▪▪ ▪▪▪▪▪ ▪▪▪ ▪▪▪▪ ▪▪▪▪▪▪ ▪▪ ▪▪▪▪ ▪▪▪▪▪ ▪▪▪ ▪▪▪▪ ▪▪▪▪ ▪▪▪▪▪ ▪▪▪ ▪▪▪▪ ▪▪▪ ▪▪▪▪▪ ▪▪▪ ▪▪▪▪ ▪▪▪▪▪▪ ▪▪ ▪▪▪▪ ▪▪▪▪▪ ▪▪▪ ▪▪▪▪ ▪▪▪▪ ▪▪▪▪▪ ▪▪▪ ▪▪▪▪ ▪▪▪ ▪▪▪▪▪ ▪▪▪ ▪▪▪▪ ▪▪▪▪▪▪ ▪▪ ▪▪▪▪ ▪▪▪▪▪ ▪▪▪ ▪▪▪▪ ▪▪▪▪ ▪▪▪▪▪ ▪▪▪ ▪▪▪▪ ▪▪▪ ▪▪▪▪▪ ▪▪▪ ▪▪▪▪ ▪▪▪▪▪▪ ▪▪ ▪▪▪▪ ▪▪▪▪▪ ▪▪▪ ▪▪▪▪ ▪▪▪▪ ▪▪▪▪▪ ▪▪▪
▪▪▪▪ ▪▪▪ ▪▪▪▪▪ ▪▪▪ ▪▪▪▪ ▪▪▪▪▪▪ ▪▪ ▪▪▪▪ ▪▪▪▪▪ ▪▪▪ ▪▪▪▪ ▪▪▪▪ ▪▪▪▪▪ ▪▪▪ ▪▪▪▪ ▪▪▪ ▪▪▪▪▪ ▪▪▪ ▪▪▪▪ ▪▪▪▪▪▪ ▪▪ ▪▪▪▪ ▪▪▪▪▪ ▪▪▪ ▪▪▪▪ ▪▪▪▪ ▪▪▪▪▪ ▪▪▪ ▪▪▪▪ ▪▪▪ ▪▪▪▪▪ ▪▪▪ ▪▪▪▪ ▪▪▪▪▪▪ ▪▪ ▪▪▪▪ ▪▪▪▪▪ ▪▪▪ ▪▪▪▪ ▪▪▪▪ ▪▪▪▪▪ ▪▪▪ ▪▪▪▪ ▪▪▪ ▪▪▪▪▪ ▪▪▪ ▪▪▪▪ ▪▪▪▪▪▪ ▪▪ ▪▪▪▪ ▪▪▪▪▪ ▪▪▪ ▪▪▪▪ ▪▪▪▪ ▪▪▪▪▪ ▪▪▪
▪▪▪▪ ▪▪▪ ▪▪▪▪▪ ▪▪▪ ▪▪▪▪ ▪▪▪▪▪▪ ▪▪ ▪▪▪▪ ▪▪▪▪▪ ▪▪▪ ▪▪▪▪ ▪▪▪▪ ▪▪▪▪▪ ▪▪▪ ▪▪▪▪ ▪▪▪ ▪▪▪▪▪ ▪▪▪ ▪▪▪▪ ▪▪▪▪▪▪ ▪▪ ▪▪▪▪ ▪▪▪▪▪ ▪▪▪ ▪▪▪▪ ▪▪▪▪ ▪▪▪▪▪ ▪▪▪ ▪▪▪▪ ▪▪▪ ▪▪▪▪▪ ▪▪▪ ▪▪▪▪ ▪▪▪▪▪▪ ▪▪ ▪▪▪▪ ▪▪▪▪▪ ▪▪▪ ▪▪▪▪ ▪▪▪▪ ▪▪▪▪▪ ▪▪▪ ▪▪▪▪ ▪▪▪ ▪▪▪▪▪ ▪▪▪ ▪▪▪▪ ▪▪▪▪▪▪ ▪▪ ▪▪▪▪ ▪▪▪▪▪ ▪▪▪ ▪▪▪▪ ▪▪▪▪ ▪▪▪▪▪ ▪▪▪ ▪▪▪▪ ▪▪▪ ▪▪▪▪▪ ▪▪▪ ▪▪▪▪ ▪▪▪▪▪▪ ▪▪ ▪▪▪▪ ▪▪▪▪▪ ▪▪▪ ▪▪▪▪ ▪▪▪▪ ▪▪▪▪▪ ▪▪▪
▪▪▪▪ ▪▪▪ ▪▪▪▪▪ ▪▪▪ ▪▪▪▪ ▪▪▪▪▪▪ ▪▪ ▪▪▪▪ ▪▪▪▪▪ ▪▪▪ ▪▪▪▪ ▪▪▪▪ ▪▪▪▪▪ ▪▪▪ ▪▪▪▪ ▪▪▪ ▪▪▪▪▪ ▪▪▪ ▪▪▪▪ ▪▪▪▪▪▪ ▪▪
中国公告
公告专栏
▪▪▪▪ ▪▪▪ ▪▪▪▪▪ ▪▪▪ ▪▪▪▪ ▪▪▪▪▪▪ ▪▪ ▪▪▪▪ ▪▪▪▪▪ ▪▪▪ ▪▪▪▪ ▪▪▪▪ ▪▪▪▪▪ ▪▪▪ ▪▪▪▪ ▪▪▪ ▪▪▪▪▪ ▪▪▪ ▪▪▪▪ ▪▪▪▪▪▪ ▪▪ ▪▪▪▪ ▪▪▪▪▪ ▪▪▪ ▪▪▪▪ ▪▪▪▪ ▪▪▪▪▪ ▪▪▪ ▪▪▪▪ ▪▪▪ ▪▪▪▪▪ ▪▪▪ ▪▪▪▪ ▪▪▪▪▪▪ ▪▪ ▪▪▪▪ ▪▪▪▪▪ ▪▪▪ ▪▪▪▪ ▪▪▪▪ ▪▪▪▪▪ ▪▪▪ ▪▪▪▪ ▪▪▪ ▪▪▪▪▪ ▪▪▪ ▪▪▪▪ ▪▪▪▪▪▪ ▪▪ ▪▪▪▪ ▪▪▪▪▪ ▪▪▪ ▪▪▪▪ ▪▪▪▪ ▪▪▪▪▪ ▪▪▪
▪▪▪▪ ▪▪▪ ▪▪▪▪▪ ▪▪▪ ▪▪▪▪ ▪▪▪▪▪▪ ▪▪ ▪▪▪▪ ▪▪▪▪▪ ▪▪▪ ▪▪▪▪ ▪▪▪▪ ▪▪▪▪▪ ▪▪▪ ▪▪▪▪ ▪▪▪ ▪▪▪▪▪ ▪▪▪ ▪▪▪▪ ▪▪▪▪▪▪ ▪▪ ▪▪▪▪ ▪▪▪▪▪ ▪▪▪ ▪▪▪▪ ▪▪▪▪ ▪▪▪▪▪ ▪▪▪ ▪▪▪▪ ▪▪▪ ▪▪▪▪▪ ▪▪▪ ▪▪▪▪ ▪▪▪▪▪▪ ▪▪ ▪▪▪▪ ▪▪▪▪▪ ▪▪▪ ▪▪▪▪ ▪▪▪▪ ▪▪▪▪▪ ▪▪▪ ▪▪▪▪ ▪▪▪ ▪▪▪▪▪ ▪▪▪ ▪▪▪▪ ▪▪▪▪▪▪ ▪▪ ▪▪▪▪ ▪▪▪▪▪ ▪▪▪ ▪▪▪▪ ▪▪▪▪ ▪▪▪▪▪ ▪▪▪ ▪▪▪▪ ▪▪▪ ▪▪▪▪▪ ▪▪▪ ▪▪▪▪ ▪▪▪▪▪▪ ▪▪ ▪▪▪▪ ▪▪▪▪▪ ▪▪▪ ▪▪▪▪ ▪▪▪▪ ▪▪▪▪▪ ▪▪▪
▪▪▪▪ ▪▪▪ ▪▪▪▪▪ ▪▪▪ ▪▪▪▪ ▪▪▪▪▪▪ ▪▪ ▪▪▪▪ ▪▪▪▪▪ ▪▪▪ ▪▪▪▪ ▪▪▪▪ ▪▪▪▪▪ ▪▪▪ ▪▪▪▪ ▪▪▪ ▪▪▪▪▪ ▪▪▪ ▪▪▪▪ ▪▪▪▪▪▪ ▪▪ ▪▪▪▪ ▪▪▪▪▪ ▪▪▪ ▪▪▪▪ ▪▪▪▪ ▪▪▪▪▪ ▪▪▪ ▪▪▪▪ ▪▪▪ ▪▪▪▪▪ ▪▪▪ ▪▪▪▪ ▪▪▪▪▪▪ ▪▪ ▪▪▪▪ ▪▪▪▪▪ ▪▪▪ ▪▪▪▪ ▪▪▪▪ ▪▪▪▪▪ ▪▪▪ ▪▪▪▪ ▪▪▪ ▪▪▪▪▪ ▪▪▪ ▪▪▪▪ ▪▪▪▪▪▪ ▪▪ ▪▪▪▪ ▪▪▪▪▪ ▪▪▪ ▪▪▪▪ ▪▪▪▪ ▪▪▪▪▪ ▪▪▪ ▪▪▪▪ ▪▪▪ ▪▪▪▪▪ ▪▪▪ ▪▪▪▪ ▪▪▪▪▪▪ ▪▪ ▪▪▪▪ ▪▪▪▪▪ ▪▪▪ ▪▪▪▪ ▪▪▪▪ ▪▪▪▪▪ ▪▪▪ ▪▪▪▪ ▪▪▪ ▪▪▪▪▪ ▪▪▪ ▪▪▪▪ ▪▪▪▪▪▪ ▪▪ ▪▪▪▪ ▪▪▪▪▪ ▪▪▪ ▪▪▪▪ ▪▪▪▪ ▪▪▪▪▪ ▪▪▪
▪▪▪▪ ▪▪▪ ▪▪▪▪▪ ▪▪▪ ▪▪▪▪ ▪▪▪▪▪▪ ▪▪ ▪▪▪▪ ▪▪▪▪▪ ▪▪▪ ▪▪▪▪ ▪▪▪▪ ▪▪▪▪▪ ▪▪▪ ▪▪▪▪ ▪▪▪ ▪▪▪▪▪ ▪▪▪ ▪▪▪▪ ▪▪▪▪▪▪ ▪▪ ▪▪▪▪ ▪▪▪▪▪ ▪▪▪ ▪▪▪▪ ▪▪▪▪ ▪▪▪▪▪ ▪▪▪ ▪▪▪▪ ▪▪▪ ▪▪▪▪▪ ▪▪▪ ▪▪▪▪ ▪▪▪▪▪▪ ▪▪ ▪▪▪▪ ▪▪▪▪▪ ▪▪▪ ▪▪▪▪ ▪▪▪▪ ▪▪▪▪▪ ▪▪▪ ▪▪▪▪ ▪▪▪ ▪▪▪▪▪ ▪▪▪ ▪▪▪▪ ▪▪▪▪▪▪ ▪▪ ▪▪▪▪ ▪▪▪▪▪ ▪▪▪ ▪▪▪▪ ▪▪▪▪ ▪▪▪▪▪ ▪▪▪
▪▪▪▪ ▪▪▪ ▪▪▪▪▪ ▪▪▪ ▪▪▪▪ ▪▪▪▪▪▪ ▪▪ ▪▪▪▪ ▪▪▪▪▪ ▪▪▪ ▪▪▪▪ ▪▪▪▪ ▪▪▪▪▪ ▪▪▪ ▪▪▪▪ ▪▪▪ ▪▪▪▪▪ ▪▪▪ ▪▪▪▪ ▪▪▪▪▪▪ ▪▪ ▪▪▪▪ ▪▪▪▪▪ ▪▪▪ ▪▪▪▪ ▪▪▪▪ ▪▪▪▪▪ ▪▪▪ ▪▪▪▪ ▪▪▪ ▪▪▪▪▪ ▪▪▪ ▪▪▪▪ ▪▪▪▪▪▪ ▪▪ ▪▪▪▪ ▪▪▪▪▪ ▪▪▪ ▪▪▪▪ ▪▪▪▪ ▪▪▪▪▪ ▪▪▪ ▪▪▪▪ ▪▪▪ ▪▪▪▪▪ ▪▪▪ ▪▪▪▪ ▪▪▪▪▪▪ ▪▪ ▪▪▪▪ ▪▪▪▪▪ ▪▪▪ ▪▪▪▪ ▪▪▪▪ ▪▪▪▪▪ ▪▪▪ ▪▪▪▪ ▪▪▪ ▪▪▪▪▪ ▪▪▪ ▪▪▪▪ ▪▪▪▪▪▪ ▪▪ ▪▪▪▪ ▪▪▪▪▪ ▪▪▪ ▪▪▪▪ ▪▪▪▪ ▪▪▪▪▪ ▪▪▪
▪▪▪▪ ▪▪▪ ▪▪▪▪▪ ▪▪▪ ▪▪▪▪ ▪▪▪▪▪▪ ▪▪ ▪▪▪▪ ▪▪▪▪▪ ▪▪▪ ▪▪▪▪ ▪▪▪▪ ▪▪▪▪▪ ▪▪▪ ▪▪▪▪ ▪▪▪ ▪▪▪▪▪ ▪▪▪ ▪▪▪▪ ▪▪▪▪▪▪ ▪▪ ▪▪▪▪ ▪▪▪▪▪ ▪▪▪ ▪▪▪▪ ▪▪▪▪ ▪▪▪▪▪ ▪▪▪ ▪▪▪▪ ▪▪▪ ▪▪▪▪▪ ▪▪▪ ▪▪▪▪ ▪▪▪▪▪▪ ▪▪ ▪▪▪▪ ▪▪▪▪▪ ▪▪▪ ▪▪▪▪ ▪▪▪▪ ▪▪▪▪▪ ▪▪▪ ▪▪▪▪ ▪▪▪ ▪▪▪▪▪ ▪▪▪ ▪▪▪▪ ▪▪▪▪▪▪ ▪▪ ▪▪▪▪ ▪▪▪▪▪ ▪▪▪ ▪▪▪▪ ▪▪▪▪ ▪▪▪▪▪ ▪▪▪ ▪▪▪▪ ▪▪▪ ▪▪▪▪▪ ▪▪▪ ▪▪▪▪ ▪▪▪▪▪▪ ▪▪ ▪▪▪▪ ▪▪▪▪▪ ▪▪▪ ▪▪▪▪ ▪▪▪▪ ▪▪▪▪▪ ▪▪▪ ▪▪▪▪ ▪▪▪ ▪▪▪▪▪ ▪▪▪ ▪▪▪▪ ▪▪▪▪▪▪ ▪▪ ▪▪▪▪ ▪▪▪▪▪ ▪▪▪ ▪▪▪▪ ▪▪▪▪ ▪▪▪▪▪ ▪▪▪
▪▪▪▪ ▪▪▪ ▪▪▪▪▪ ▪▪▪ ▪▪▪▪ ▪▪▪▪▪▪ ▪▪ ▪▪▪▪ ▪▪▪▪▪ ▪▪▪ ▪▪▪▪ ▪▪▪▪ ▪▪▪▪▪ ▪▪▪ ▪▪▪▪ ▪▪▪ ▪▪▪▪▪ ▪▪▪ ▪▪▪▪ ▪▪▪▪▪▪ ▪▪ ▪▪▪▪ ▪▪▪▪▪ ▪▪▪ ▪▪▪▪ ▪▪▪▪ ▪▪▪▪▪ ▪▪▪ ▪▪▪▪ ▪▪▪ ▪▪▪▪▪ ▪▪▪ ▪▪▪▪ ▪▪▪▪▪▪ ▪▪ ▪▪▪▪ ▪▪▪▪▪ ▪▪▪ ▪▪▪▪ ▪▪▪▪ ▪▪▪▪▪ ▪▪▪ ▪▪▪▪ ▪▪▪ ▪▪▪▪▪ ▪▪▪ ▪▪▪▪ ▪▪▪▪▪▪ ▪▪ ▪▪▪▪ ▪▪▪▪▪ ▪▪▪ ▪▪▪▪ ▪▪▪▪ ▪▪▪▪▪ ▪▪▪
▪▪▪▪ ▪▪▪ ▪▪▪▪▪ ▪▪▪ ▪▪▪▪ ▪▪▪▪▪▪ ▪▪ ▪▪▪▪ ▪▪▪▪▪ ▪▪▪ ▪▪▪▪ ▪▪▪▪ ▪▪▪▪▪ ▪▪▪ ▪▪▪▪ ▪▪▪ ▪▪▪▪▪ ▪▪▪ ▪▪▪▪ ▪▪▪▪▪▪ ▪▪ ▪▪▪▪ ▪▪▪▪▪ ▪▪▪ ▪▪▪▪ ▪▪▪▪ ▪▪▪▪▪ ▪▪▪ ▪▪▪▪ ▪▪▪ ▪▪▪▪▪ ▪▪▪ ▪▪▪▪ ▪▪▪▪▪▪ ▪▪ ▪▪▪▪ ▪▪▪▪▪ ▪▪▪ ▪▪▪▪ ▪▪▪▪ ▪▪▪▪▪ ▪▪▪ ▪▪▪▪ ▪▪▪ ▪▪▪▪▪ ▪▪▪ ▪▪▪▪ ▪▪▪▪▪▪ ▪▪ ▪▪▪▪ ▪▪▪▪▪ ▪▪▪ ▪▪▪▪ ▪▪▪▪ ▪▪▪▪▪ ▪▪▪ ▪▪▪▪ ▪▪▪ ▪▪▪▪▪ ▪▪▪ ▪▪▪▪ ▪▪▪▪▪▪ ▪▪ ▪▪▪▪ ▪▪▪▪▪ ▪▪▪ ▪▪▪▪ ▪▪▪▪ ▪▪▪▪▪ ▪▪▪
▪▪▪▪ ▪▪▪ ▪▪▪▪▪ ▪▪▪ ▪▪▪▪ ▪▪▪▪▪▪ ▪▪ ▪▪▪▪ ▪▪▪▪▪ ▪▪▪ ▪▪▪▪ ▪▪▪▪ ▪▪▪▪▪ ▪▪▪ ▪▪▪▪ ▪▪▪ ▪▪▪▪▪ ▪▪▪ ▪▪▪▪ ▪▪▪▪▪▪ ▪▪ ▪▪▪▪ ▪▪▪▪▪ ▪▪▪ ▪▪▪▪ ▪▪▪▪ ▪▪▪▪▪ ▪▪▪ ▪▪▪▪ ▪▪▪ ▪▪▪▪▪ ▪▪▪ ▪▪▪▪ ▪▪▪▪▪▪ ▪▪ ▪▪▪▪ ▪▪▪▪▪ ▪▪▪ ▪▪▪▪ ▪▪▪▪ ▪▪▪▪▪ ▪▪▪ ▪▪▪▪ ▪▪▪ ▪▪▪▪▪ ▪▪▪ ▪▪▪▪ ▪▪▪▪▪▪ ▪▪ ▪▪▪▪ ▪▪▪▪▪ ▪▪▪ ▪▪▪▪ ▪▪▪▪ ▪▪▪▪▪ ▪▪▪ ▪▪▪▪ ▪▪▪ ▪▪▪▪▪ ▪▪▪ ▪▪▪▪ ▪▪▪▪▪▪ ▪▪ ▪▪▪▪ ▪▪▪▪▪ ▪▪▪ ▪▪▪▪ ▪▪▪▪ ▪▪▪▪▪ ▪▪▪ ▪▪▪▪ ▪▪▪ ▪▪▪▪▪ ▪▪▪ ▪▪▪▪ ▪▪▪▪▪▪ ▪▪ ▪▪▪▪ ▪▪▪▪▪ ▪▪▪ ▪▪▪▪ ▪▪▪▪ ▪▪▪▪▪ ▪▪▪
▪▪▪▪ ▪▪▪ ▪▪▪▪▪ ▪▪▪ ▪▪▪▪ ▪▪▪▪▪▪ ▪▪ ▪▪▪▪ ▪▪▪▪▪ ▪▪▪ ▪▪▪▪ ▪▪▪▪ ▪▪▪▪▪ ▪▪▪ ▪▪▪▪ ▪▪▪ ▪▪▪▪▪ ▪▪▪ ▪▪▪▪ ▪▪▪▪▪▪ ▪▪ ▪▪▪▪ ▪▪▪▪▪ ▪▪▪ ▪▪▪▪ ▪▪▪▪ ▪▪▪▪▪ ▪▪▪ ▪▪▪▪ ▪▪▪ ▪▪▪▪▪ ▪▪▪ ▪▪▪▪ ▪▪▪▪▪▪ ▪▪ ▪▪▪▪ ▪▪▪▪▪ ▪▪▪ ▪▪▪▪ ▪▪▪▪ ▪▪▪▪▪ ▪▪▪ ▪▪▪▪ ▪▪▪ ▪▪▪▪▪ ▪▪▪ ▪▪▪▪ ▪▪▪▪▪▪ ▪▪ ▪▪▪▪ ▪▪▪▪▪ ▪▪▪ ▪▪▪▪ ▪▪▪▪ ▪▪▪▪▪ ▪▪▪
▪▪▪▪ ▪▪▪ ▪▪▪▪▪ ▪▪▪ ▪▪▪▪ ▪▪▪▪▪▪ ▪▪ ▪▪▪▪ ▪▪▪▪▪ ▪▪▪ ▪▪▪▪ ▪▪▪▪ ▪▪▪▪▪ ▪▪▪ ▪▪▪▪ ▪▪▪ ▪▪▪▪▪ ▪▪▪ ▪▪▪▪ ▪▪▪▪▪▪ ▪▪ ▪▪▪▪ ▪▪▪▪▪ ▪▪▪ ▪▪▪▪ ▪▪▪▪ ▪▪▪▪▪ ▪▪▪ ▪▪▪▪ ▪▪▪ ▪▪▪▪▪ ▪▪▪ ▪▪▪▪ ▪▪▪▪▪▪ ▪▪ ▪▪▪▪ ▪▪▪▪▪ ▪▪▪ ▪▪▪▪ ▪▪▪▪ ▪▪▪▪▪ ▪▪▪ ▪▪▪▪ ▪▪▪ ▪▪▪▪▪ ▪▪▪ ▪▪▪▪ ▪▪▪▪▪▪ ▪▪ ▪▪▪▪ ▪▪▪▪▪ ▪▪▪ ▪▪▪▪ ▪▪▪▪ ▪▪▪▪▪ ▪▪▪ ▪▪▪▪ ▪▪▪ ▪▪▪▪▪ ▪▪▪ ▪▪▪▪ ▪▪▪▪▪▪ ▪▪ ▪▪▪▪ ▪▪▪▪▪ ▪▪▪ ▪▪▪▪ ▪▪▪▪ ▪▪▪▪▪ ▪▪▪
▪▪▪▪ ▪▪▪ ▪▪▪▪▪ ▪▪▪ ▪▪▪▪ ▪▪▪▪▪▪ ▪▪ ▪▪▪▪ ▪▪▪▪▪ ▪▪▪ ▪▪▪▪ ▪▪▪▪ ▪▪▪▪▪ ▪▪▪ ▪▪▪▪ ▪▪▪ ▪▪▪▪▪ ▪▪▪ ▪▪▪▪ ▪▪▪▪▪▪ ▪▪ ▪▪▪▪ ▪▪▪▪▪ ▪▪▪ ▪▪▪▪ ▪▪▪▪ ▪▪▪▪▪ ▪▪▪ ▪▪▪▪ ▪▪▪ ▪▪▪▪▪ ▪▪▪ ▪▪▪▪ ▪▪▪▪▪▪ ▪▪ ▪▪▪▪ ▪▪▪▪▪ ▪▪▪ ▪▪▪▪ ▪▪▪▪ ▪▪▪▪▪ ▪▪▪ ▪▪▪▪ ▪▪▪ ▪▪▪▪▪ ▪▪▪ ▪▪▪▪ ▪▪▪▪▪▪ ▪▪ ▪▪▪▪ ▪▪▪▪▪ ▪▪▪ ▪▪▪▪ ▪▪▪▪ ▪▪▪▪▪ ▪▪▪ ▪▪▪▪ ▪▪▪ ▪▪▪▪▪ ▪▪▪ ▪▪▪▪ ▪▪▪▪▪▪ ▪▪ ▪▪▪▪ ▪▪▪▪▪ ▪▪▪ ▪▪▪▪ ▪▪▪▪ ▪▪▪▪▪ ▪▪▪ ▪▪▪▪ ▪▪▪ ▪▪▪▪▪ ▪▪▪ ▪▪▪▪ ▪▪▪▪▪▪ ▪▪ ▪▪▪▪ ▪▪▪▪▪ ▪▪▪ ▪▪▪▪ ▪▪▪▪ ▪▪▪▪▪ ▪▪▪
▪▪▪▪ ▪▪▪ ▪▪▪▪▪ ▪▪▪ ▪▪▪▪ ▪▪▪▪▪▪ ▪▪ ▪▪▪▪ ▪▪▪▪▪ ▪▪▪ ▪▪▪▪ ▪▪▪▪ ▪▪▪▪▪ ▪▪▪ ▪▪▪▪ ▪▪▪ ▪▪▪▪▪ ▪▪▪ ▪▪▪▪ ▪▪▪▪▪▪ ▪▪ ▪▪▪▪ ▪▪▪▪▪ ▪▪▪ ▪▪▪▪ ▪▪▪▪ ▪▪▪▪▪ ▪▪▪ ▪▪▪▪ ▪▪▪ ▪▪▪▪▪ ▪▪▪ ▪▪▪▪ ▪▪▪▪▪▪ ▪▪ ▪▪▪▪ ▪▪▪▪▪ ▪▪▪ ▪▪▪▪ ▪▪▪▪ ▪▪▪▪▪ ▪▪▪ ▪▪▪▪ ▪▪▪ ▪▪▪▪▪ ▪▪▪ ▪▪▪▪ ▪▪▪▪▪▪ ▪▪ ▪▪▪▪ ▪▪▪▪▪ ▪▪▪ ▪▪▪▪ ▪▪▪▪ ▪▪▪▪▪ ▪▪▪
▪▪▪▪ ▪▪▪ ▪▪▪▪▪ ▪▪▪ ▪▪▪▪ ▪▪▪▪▪▪ ▪▪ ▪▪▪▪ ▪▪▪▪▪ ▪▪▪ ▪▪▪▪ ▪▪▪▪ ▪▪▪▪▪ ▪▪▪ ▪▪▪▪ ▪▪▪ ▪▪▪▪▪ ▪▪▪ ▪▪▪▪ ▪▪▪▪▪▪ ▪▪ ▪▪▪▪ ▪▪▪▪▪ ▪▪▪ ▪▪▪▪ ▪▪▪▪ ▪▪▪▪▪ ▪▪▪ ▪▪▪▪ ▪▪▪ ▪▪▪▪▪ ▪▪▪ ▪▪▪▪ ▪▪▪▪▪▪ ▪▪ ▪▪▪▪ ▪▪▪▪▪ ▪▪▪ ▪▪▪▪ ▪▪▪▪ ▪▪▪▪▪ ▪▪▪ ▪▪▪▪ ▪▪▪ ▪▪▪▪▪ ▪▪▪ ▪▪▪▪ ▪▪▪▪▪▪ ▪▪ ▪▪▪▪ ▪▪▪▪▪ ▪▪▪ ▪▪▪▪ ▪▪▪▪ ▪▪▪▪▪ ▪▪▪ ▪▪▪▪ ▪▪▪ ▪▪▪▪▪ ▪▪▪ ▪▪▪▪ ▪▪▪▪▪▪ ▪▪ ▪▪▪▪ ▪▪▪▪▪ ▪▪▪ ▪▪▪▪ ▪▪▪▪ ▪▪▪▪▪ ▪▪▪
▪▪▪▪ ▪▪▪ ▪▪▪▪▪ ▪▪▪ ▪▪▪▪ ▪▪▪▪▪▪ ▪▪ ▪▪▪▪ ▪▪▪▪▪ ▪▪▪ ▪▪▪▪ ▪▪▪▪ ▪▪▪▪▪ ▪▪▪ ▪▪▪▪ ▪▪▪ ▪▪▪▪▪ ▪▪▪ ▪▪▪▪ ▪▪▪▪▪▪ ▪▪ ▪▪▪▪ ▪▪▪▪▪ ▪▪▪ ▪▪▪▪ ▪▪▪▪ ▪▪▪▪▪ ▪▪▪ ▪▪▪▪ ▪▪▪ ▪▪▪▪▪ ▪▪▪ ▪▪▪▪ ▪▪▪▪▪▪ ▪▪ ▪▪▪▪ ▪▪▪▪▪ ▪▪▪ ▪▪▪▪ ▪▪▪▪ ▪▪▪▪▪ ▪▪▪ ▪▪▪▪ ▪▪▪ ▪▪▪▪▪ ▪▪▪ ▪▪▪▪ ▪▪▪▪▪▪ ▪▪ ▪▪▪▪ ▪▪▪▪▪ ▪▪▪ ▪▪▪▪ ▪▪▪▪ ▪▪▪▪▪ ▪▪▪ ▪▪▪▪ ▪▪▪ ▪▪▪▪▪ ▪▪▪ ▪▪▪▪ ▪▪▪▪▪▪ ▪▪ ▪▪▪▪ ▪▪▪▪▪ ▪▪▪ ▪▪▪▪ ▪▪▪▪ ▪▪▪▪▪ ▪▪▪ ▪▪▪▪ ▪▪▪ ▪▪▪▪▪ ▪▪▪ ▪▪▪▪ ▪▪▪▪▪▪ ▪▪ ▪▪▪▪ ▪▪▪▪▪ ▪▪▪ ▪▪▪▪ ▪▪▪▪ ▪▪▪▪▪ ▪▪▪
▪▪▪▪ ▪▪▪ ▪▪▪▪▪ ▪▪▪ ▪▪▪▪ ▪▪▪▪▪▪ ▪▪ ▪▪▪▪ ▪▪▪▪▪ ▪▪▪ ▪▪▪▪ ▪▪▪▪ ▪▪▪▪▪ ▪▪▪ ▪▪▪▪ ▪▪▪ ▪▪▪▪▪ ▪▪▪ ▪▪▪▪ ▪▪▪▪▪▪ ▪▪ ▪▪▪▪ ▪▪▪▪▪ ▪▪▪ ▪▪▪▪ ▪▪▪▪ ▪▪▪▪▪ ▪▪▪ ▪▪▪▪ ▪▪▪ ▪▪▪▪▪ ▪▪▪ ▪▪▪▪ ▪▪▪▪▪▪ ▪▪ ▪▪▪▪ ▪▪▪▪▪ ▪▪▪ ▪▪▪▪ ▪▪▪▪ ▪▪▪▪▪ ▪▪▪ ▪▪▪▪ ▪▪▪ ▪▪▪▪▪ ▪▪▪ ▪▪▪▪ ▪▪▪▪▪▪ ▪▪ ▪▪▪▪ ▪▪▪▪▪ ▪▪▪ ▪▪▪▪ ▪▪▪▪ ▪▪▪▪▪ ▪▪▪
▪▪▪▪ ▪▪▪ ▪▪▪▪▪ ▪▪▪ ▪▪▪▪ ▪▪▪▪▪▪ ▪▪ ▪▪▪▪ ▪▪▪▪▪ ▪▪▪ ▪▪▪▪ ▪▪▪▪ ▪▪▪▪▪ ▪▪▪ ▪▪▪▪ ▪▪▪ ▪▪▪▪▪ ▪▪▪ ▪▪▪▪ ▪▪▪▪▪▪ ▪▪ ▪▪▪▪ ▪▪▪▪▪ ▪▪▪ ▪▪▪▪ ▪▪▪▪ ▪▪▪▪▪ ▪▪▪ ▪▪▪▪ ▪▪▪ ▪▪▪▪▪ ▪▪▪ ▪▪▪▪ ▪▪▪▪▪▪ ▪▪ ▪▪▪▪ ▪▪▪▪▪ ▪▪▪ ▪▪▪▪ ▪▪▪▪ ▪▪▪▪▪ ▪▪▪ ▪▪▪▪ ▪▪▪ ▪▪▪▪▪ ▪▪▪ ▪▪▪▪ ▪▪▪▪▪▪ ▪▪ ▪▪▪▪ ▪▪▪▪▪ ▪▪▪ ▪▪▪▪ ▪▪▪▪ ▪▪▪▪▪ ▪▪▪ ▪▪▪▪ ▪▪▪ ▪▪▪▪▪ ▪▪▪ ▪▪▪▪ ▪▪▪▪▪▪ ▪▪ ▪▪▪▪ ▪▪▪▪▪ ▪▪▪ ▪▪▪▪ ▪▪▪▪ ▪▪▪▪▪ ▪▪▪
▪▪▪▪ ▪▪▪ ▪▪▪▪▪ ▪▪▪ ▪▪▪▪ ▪▪▪▪▪▪ ▪▪ ▪▪▪▪ ▪▪▪▪▪ ▪▪▪ ▪▪▪▪ ▪▪▪▪ ▪▪▪▪▪ ▪▪▪ ▪▪▪▪ ▪▪▪ ▪▪▪▪▪ ▪▪▪ ▪▪▪▪ ▪▪▪▪▪▪ ▪▪ ▪▪▪▪ ▪▪▪▪▪ ▪▪▪ ▪▪▪▪ ▪▪▪▪ ▪▪▪▪▪ ▪▪▪ ▪▪▪▪ ▪▪▪ ▪▪▪▪▪ ▪▪▪ ▪▪▪▪ ▪▪▪▪▪▪ ▪▪ ▪▪▪▪ ▪▪▪▪▪ ▪▪▪ ▪▪▪▪ ▪▪▪▪ ▪▪▪▪▪ ▪▪▪ ▪▪▪▪ ▪▪▪ ▪▪▪▪▪ ▪▪▪ ▪▪▪▪ ▪▪▪▪▪▪ ▪▪ ▪▪▪▪ ▪▪▪▪▪ ▪▪▪ ▪▪▪▪ ▪▪▪▪ ▪▪▪▪▪ ▪▪▪ ▪▪▪▪ ▪▪▪ ▪▪▪▪▪ ▪▪▪ ▪▪▪▪ ▪▪▪▪▪▪ ▪▪ ▪▪▪▪ ▪▪▪▪▪ ▪▪▪ ▪▪▪▪ ▪▪▪▪ ▪▪▪▪▪ ▪▪▪ ▪▪▪▪ ▪▪▪ ▪▪▪▪▪ ▪▪▪ ▪▪▪▪ ▪▪▪▪▪▪ ▪▪ ▪▪▪▪ ▪▪▪▪▪ ▪▪▪ ▪▪▪▪ ▪▪▪▪ ▪▪▪▪▪ ▪▪▪
▪▪▪▪ ▪▪▪ ▪▪▪▪▪ ▪▪▪ ▪▪▪▪ ▪▪▪▪▪▪ ▪▪ ▪▪▪▪ ▪▪▪▪▪ ▪▪▪ ▪▪▪▪ ▪▪▪▪ ▪▪▪▪▪ ▪▪▪ ▪▪▪▪ ▪▪▪ ▪▪▪▪▪ ▪▪▪ ▪▪▪▪ ▪▪▪▪▪▪ ▪▪ ▪▪▪▪ ▪▪▪▪▪ ▪▪▪ ▪▪▪▪ ▪▪▪▪ ▪▪▪▪▪ ▪▪▪ ▪▪▪▪ ▪▪▪ ▪▪▪▪▪ ▪▪▪ ▪▪▪▪ ▪▪▪▪▪▪ ▪▪ ▪▪▪▪ ▪▪▪▪▪ ▪▪▪ ▪▪▪▪ ▪▪▪▪ ▪▪▪▪▪ ▪▪▪ ▪▪▪▪ ▪▪▪ ▪▪▪▪▪ ▪▪▪ ▪▪▪▪ ▪▪▪▪▪▪ ▪▪ ▪▪▪▪ ▪▪▪▪▪ ▪▪▪ ▪▪▪▪ ▪▪▪▪ ▪▪▪▪▪ ▪▪▪
▪▪▪▪ ▪▪▪ ▪▪▪▪▪ ▪▪▪ ▪▪▪▪ ▪▪▪▪▪▪ ▪▪ ▪▪▪▪ ▪▪▪▪▪ ▪▪▪ ▪▪▪▪ ▪▪▪▪ ▪▪▪▪▪ ▪▪▪ ▪▪▪▪ ▪▪▪ ▪▪▪▪▪ ▪▪▪ ▪▪▪▪ ▪▪▪▪▪▪ ▪▪ ▪▪▪▪ ▪▪▪▪▪ ▪▪▪ ▪▪▪▪ ▪▪▪▪ ▪▪▪▪▪ ▪▪▪ ▪▪▪▪ ▪▪▪ ▪▪▪▪▪ ▪▪▪ ▪▪▪▪ ▪▪▪▪▪▪ ▪▪ ▪▪▪▪ ▪▪▪▪▪ ▪▪▪ ▪▪▪▪ ▪▪▪▪ ▪▪▪▪▪ ▪▪▪ ▪▪▪▪ ▪▪▪ ▪▪▪▪▪ ▪▪▪ ▪▪▪▪ ▪▪▪▪▪▪ ▪▪ ▪▪▪▪ ▪▪▪▪▪ ▪▪▪ ▪▪▪▪ ▪▪▪▪ ▪▪▪▪▪ ▪▪▪ ▪▪▪▪ ▪▪▪ ▪▪▪▪▪ ▪▪▪ ▪▪▪▪ ▪▪▪▪▪▪ ▪▪ ▪▪▪▪ ▪▪▪▪▪ ▪▪▪ ▪▪▪▪ ▪▪▪▪ ▪▪▪▪▪ ▪▪▪
▪▪▪▪ ▪▪▪ ▪▪▪▪▪ ▪▪▪ ▪▪▪▪ ▪▪▪▪▪▪ ▪▪ ▪▪▪▪ ▪▪▪▪▪ ▪▪▪ ▪▪▪▪ ▪▪▪▪ ▪▪▪▪▪ ▪▪▪ ▪▪▪▪ ▪▪▪ ▪▪▪▪▪ ▪▪▪ ▪▪▪▪ ▪▪▪▪▪▪ ▪▪ ▪▪▪▪ ▪▪▪▪▪ ▪▪▪ ▪▪▪▪ ▪▪▪▪ ▪▪▪▪▪ ▪▪▪ ▪▪▪▪ ▪▪▪ ▪▪▪▪▪ ▪▪▪ ▪▪▪▪ ▪▪▪▪▪▪ ▪▪ ▪▪▪▪ ▪▪▪▪▪ ▪▪▪ ▪▪▪▪ ▪▪▪▪ ▪▪▪▪▪ ▪▪▪ ▪▪▪▪ ▪▪▪ ▪▪▪▪▪ ▪▪▪ ▪▪▪▪ ▪▪▪▪▪▪ ▪▪ ▪▪▪▪ ▪▪▪▪▪ ▪▪▪ ▪▪▪▪ ▪▪▪▪ ▪▪▪▪▪ ▪▪▪ ▪▪▪▪ ▪▪▪ ▪▪▪▪▪ ▪▪▪ ▪▪▪▪ ▪▪▪▪▪▪ ▪▪ ▪▪▪▪ ▪▪▪▪▪ ▪▪▪ ▪▪▪▪ ▪▪▪▪ ▪▪▪▪▪ ▪▪▪ ▪▪▪▪ ▪▪▪ ▪▪▪▪▪ ▪▪▪ ▪▪▪▪ ▪▪▪▪▪▪ ▪▪ ▪▪▪▪ ▪▪▪▪▪ ▪▪▪ ▪▪▪▪ ▪▪▪▪ ▪▪▪▪▪ ▪▪▪
▪▪▪▪ ▪▪▪ ▪▪▪▪▪ ▪▪▪ ▪▪▪▪ ▪▪▪▪▪▪ ▪▪ ▪▪▪▪ ▪▪▪▪▪ ▪▪▪ ▪▪▪▪ ▪▪▪▪ ▪▪▪▪▪ ▪▪▪ ▪▪▪▪ ▪▪▪ ▪▪▪▪▪ ▪▪▪ ▪▪▪▪ ▪▪▪▪▪▪ ▪▪ ▪▪▪▪ ▪▪▪▪▪ ▪▪▪ ▪▪▪▪ ▪▪▪▪ ▪▪▪▪▪ ▪▪▪ ▪▪▪▪ ▪▪▪ ▪▪▪▪▪ ▪▪▪ ▪▪▪▪ ▪▪▪▪▪▪ ▪▪ ▪▪▪▪ ▪▪▪▪▪ ▪▪▪ ▪▪▪▪ ▪▪▪▪ ▪▪▪▪▪ ▪▪▪ ▪▪▪▪ ▪▪▪ ▪▪▪▪▪ ▪▪▪ ▪▪▪▪ ▪▪▪▪▪▪ ▪▪ ▪▪▪▪ ▪▪▪▪▪ ▪▪▪ ▪▪▪▪ ▪▪▪▪ ▪▪▪▪▪ ▪▪▪
▪▪▪▪ ▪▪▪ ▪▪▪▪▪ ▪▪▪ ▪▪▪▪ ▪▪▪▪▪▪ ▪▪ ▪▪▪▪ ▪▪▪▪▪ ▪▪▪ ▪▪▪▪ ▪▪▪▪ ▪▪▪▪▪ ▪▪▪ ▪▪▪▪ ▪▪▪ ▪▪▪▪▪ ▪▪▪ ▪▪▪▪ ▪▪▪▪▪▪ ▪▪ ▪▪▪▪ ▪▪▪▪▪ ▪▪▪ ▪▪▪▪ ▪▪▪▪ ▪▪▪▪▪ ▪▪▪ ▪▪▪▪ ▪▪▪ ▪▪▪▪▪ ▪▪▪ ▪▪▪▪ ▪▪▪▪▪▪ ▪▪ ▪▪▪▪ ▪▪▪▪▪ ▪▪▪ ▪▪▪▪ ▪▪▪▪ ▪▪▪▪▪ ▪▪▪ ▪▪▪▪ ▪▪▪ ▪▪▪▪▪ ▪▪▪ ▪▪▪▪ ▪▪▪▪▪▪ ▪▪ ▪▪▪▪ ▪▪▪▪▪ ▪▪▪ ▪▪▪▪ ▪▪▪▪ ▪▪▪▪▪ ▪▪▪ ▪▪▪▪ ▪▪▪ ▪▪▪▪▪ ▪▪▪ ▪▪▪▪ ▪▪▪▪▪▪ ▪▪ ▪▪▪▪ ▪▪▪▪▪ ▪▪▪ ▪▪▪▪ ▪▪▪▪ ▪▪▪▪▪ ▪▪▪
▪▪▪▪ ▪▪▪ ▪▪▪▪▪ ▪▪▪ ▪▪▪▪ ▪▪▪▪▪▪ ▪▪ ▪▪▪▪ ▪▪▪▪▪ ▪▪▪ ▪▪▪▪ ▪▪▪▪ ▪▪▪▪▪ ▪▪▪ ▪▪▪▪ ▪▪▪ ▪▪▪▪▪ ▪▪▪ ▪▪▪▪ ▪▪▪▪▪▪ ▪▪ ▪▪▪▪ ▪▪▪▪▪ ▪▪▪ ▪▪▪▪ ▪▪▪▪ ▪▪▪▪▪ ▪▪▪ ▪▪▪▪ ▪▪▪ ▪▪▪▪▪ ▪▪▪ ▪▪▪▪ ▪▪▪▪▪▪ ▪▪ ▪▪▪▪ ▪▪▪▪▪ ▪▪▪ ▪▪▪▪ ▪▪▪▪ ▪▪▪▪▪ ▪▪▪ ▪▪▪▪ ▪▪▪ ▪▪▪▪▪ ▪▪▪ ▪▪▪▪ ▪▪▪▪▪▪ ▪▪ ▪▪▪▪ ▪▪▪▪▪ ▪▪▪ ▪▪▪▪ ▪▪▪▪ ▪▪▪▪▪ ▪▪▪ ▪▪▪▪ ▪▪▪ ▪▪▪▪▪ ▪▪▪ ▪▪▪▪ ▪▪▪▪▪▪ ▪▪ ▪▪▪▪ ▪▪▪▪▪ ▪▪▪ ▪▪▪▪ ▪▪▪▪ ▪▪▪▪▪ ▪▪▪ ▪▪▪▪ ▪▪▪ ▪▪▪▪▪ ▪▪▪ ▪▪▪▪ ▪▪▪▪▪▪ ▪▪ ▪▪▪▪ ▪▪▪▪▪ ▪▪▪ ▪▪▪▪ ▪▪▪▪ ▪▪▪▪▪ ▪▪▪
▪▪▪▪ ▪▪▪ ▪▪▪▪▪ ▪▪▪ ▪▪▪▪ ▪▪▪▪▪▪ ▪▪ ▪▪▪▪ ▪▪▪▪▪ ▪▪▪ ▪▪▪▪ ▪▪▪▪ ▪▪▪▪▪ ▪▪▪ ▪▪▪▪ ▪▪▪ ▪▪▪▪▪ ▪▪▪ ▪▪▪▪ ▪▪▪▪▪▪ ▪▪ ▪▪▪▪ ▪▪▪▪▪ ▪▪▪ ▪▪▪▪ ▪▪▪▪ ▪▪▪▪▪ ▪▪▪ ▪▪▪▪ ▪▪▪ ▪▪▪▪▪ ▪▪▪ ▪▪▪▪ ▪▪▪▪▪▪ ▪▪ ▪▪▪▪ ▪▪▪▪▪ ▪▪▪ ▪▪▪▪ ▪▪▪▪ ▪▪▪▪▪ ▪▪▪ ▪▪▪▪ ▪▪▪ ▪▪▪▪▪ ▪▪▪ ▪▪▪▪ ▪▪▪▪▪▪ ▪▪ ▪▪▪▪ ▪▪▪▪▪ ▪▪▪ ▪▪▪▪ ▪▪▪▪ ▪▪▪▪▪ ▪▪▪
▪▪▪▪ ▪▪▪ ▪▪▪▪▪ ▪▪▪ ▪▪▪▪ ▪▪▪▪▪▪ ▪▪ ▪▪▪▪ ▪▪▪▪▪ ▪▪▪ ▪▪▪▪ ▪▪▪▪ ▪▪▪▪▪ ▪▪▪ ▪▪▪▪ ▪▪▪ ▪▪▪▪▪ ▪▪▪ ▪▪▪▪ ▪▪▪▪▪▪ ▪▪ ▪▪▪▪ ▪▪▪▪▪ ▪▪▪ ▪▪▪▪ ▪▪▪▪ ▪▪▪▪▪ ▪▪▪ ▪▪▪▪ ▪▪▪ ▪▪▪▪▪ ▪▪▪ ▪▪▪▪ ▪▪▪▪▪▪ ▪▪ ▪▪▪▪ ▪▪▪▪▪ ▪▪▪ ▪▪▪▪ ▪▪▪▪ ▪▪▪▪▪ ▪▪▪ ▪▪▪▪ ▪▪▪ ▪▪▪▪▪ ▪▪▪ ▪▪▪▪ ▪▪▪▪▪▪ ▪▪ ▪▪▪▪ ▪▪▪▪▪ ▪▪▪ ▪▪▪▪ ▪▪▪▪ ▪▪▪▪▪ ▪▪▪ ▪▪▪▪ ▪▪▪ ▪▪▪▪▪ ▪▪▪ ▪▪▪▪ ▪▪▪▪▪▪ ▪▪ ▪▪▪▪ ▪▪▪▪▪ ▪▪▪ ▪▪▪▪ ▪▪▪▪ ▪▪▪▪▪ ▪▪▪
▪▪▪▪ ▪▪▪ ▪▪▪▪▪ ▪▪▪ ▪▪▪▪ ▪▪▪▪▪▪ ▪▪ ▪▪▪▪ ▪▪▪▪▪ ▪▪▪ ▪▪▪▪ ▪▪▪▪ ▪▪▪▪▪ ▪▪▪ ▪▪▪▪ ▪▪▪ ▪▪▪▪▪ ▪▪▪ ▪▪▪▪ ▪▪▪▪▪▪ ▪▪ ▪▪▪▪ ▪▪▪▪▪ ▪▪▪ ▪▪▪▪ ▪▪▪▪ ▪▪▪▪▪ ▪▪▪ ▪▪▪▪ ▪▪▪ ▪▪▪▪▪ ▪▪▪ ▪▪▪▪ ▪▪▪▪▪▪ ▪▪ ▪▪▪▪ ▪▪▪▪▪ ▪▪▪ ▪▪▪▪ ▪▪▪▪ ▪▪▪▪▪ ▪▪▪ ▪▪▪▪ ▪▪▪ ▪▪▪▪▪ ▪▪▪ ▪▪▪▪ ▪▪▪▪▪▪ ▪▪ ▪▪▪▪ ▪▪▪▪▪ ▪▪▪ ▪▪▪▪ ▪▪▪▪ ▪▪▪▪▪ ▪▪▪ ▪▪▪▪ ▪▪▪ ▪▪▪▪▪ ▪▪▪ ▪▪▪▪ ▪▪▪▪▪▪ ▪▪ ▪▪▪▪ ▪▪▪▪▪ ▪▪▪ ▪▪▪▪ ▪▪▪▪ ▪▪▪▪▪ ▪▪▪ ▪▪▪▪ ▪▪▪ ▪▪▪▪▪ ▪▪▪ ▪▪▪▪ ▪▪▪▪▪▪ ▪▪ ▪▪▪▪ ▪▪▪▪▪ ▪▪▪ ▪▪▪▪ ▪▪▪▪ ▪▪▪▪▪ ▪▪▪
▪▪▪▪ ▪▪▪ ▪▪▪▪▪ ▪▪▪ ▪▪▪▪ ▪▪▪▪▪▪ ▪▪ ▪▪▪▪ ▪▪▪▪▪ ▪▪▪ ▪▪▪▪ ▪▪▪▪ ▪▪▪▪▪ ▪▪▪ ▪▪▪▪ ▪▪▪ ▪▪▪▪▪ ▪▪▪ ▪▪▪▪ ▪▪▪▪▪▪ ▪▪ ▪▪▪▪ ▪▪▪▪▪ ▪▪▪ ▪▪▪▪ ▪▪▪▪ ▪▪▪▪▪ ▪▪▪ ▪▪▪▪ ▪▪▪ ▪▪▪▪▪ ▪▪▪ ▪▪▪▪ ▪▪▪▪▪▪ ▪▪ ▪▪▪▪ ▪▪▪▪▪ ▪▪▪ ▪▪▪▪ ▪▪▪▪ ▪▪▪▪▪ ▪▪▪ ▪▪▪▪ ▪▪▪ ▪▪▪▪▪ ▪▪▪ ▪▪▪▪ ▪▪▪▪▪▪ ▪▪ ▪▪▪▪ ▪▪▪▪▪ ▪▪▪ ▪▪▪▪ ▪▪▪▪ ▪▪▪▪▪ ▪▪▪
▪▪▪▪ ▪▪▪ ▪▪▪▪▪ ▪▪▪ ▪▪▪▪ ▪▪▪▪▪▪ ▪▪ ▪▪▪▪ ▪▪▪▪▪ ▪▪▪ ▪▪▪▪ ▪▪▪▪ ▪▪▪▪▪ ▪▪▪ ▪▪▪▪ ▪▪▪ ▪▪▪▪▪ ▪▪▪ ▪▪▪▪ ▪▪▪▪▪▪ ▪▪ ▪▪▪▪ ▪▪▪▪▪ ▪▪▪ ▪▪▪▪ ▪▪▪▪ ▪▪▪▪▪ ▪▪▪ ▪▪▪▪ ▪▪▪ ▪▪▪▪▪ ▪▪▪ ▪▪▪▪ ▪▪▪▪▪▪ ▪▪ ▪▪▪▪ ▪▪▪▪▪ ▪▪▪ ▪▪▪▪ ▪▪▪▪ ▪▪▪▪▪ ▪▪▪ ▪▪▪▪ ▪▪▪ ▪▪▪▪▪ ▪▪▪ ▪▪▪▪ ▪▪▪▪▪▪ ▪▪ ▪▪▪▪ ▪▪▪▪▪ ▪▪▪ ▪▪▪▪ ▪▪▪▪ ▪▪▪▪▪ ▪▪▪ ▪▪▪▪ ▪▪▪ ▪▪▪▪▪ ▪▪▪ ▪▪▪▪ ▪▪▪▪▪▪ ▪▪ ▪▪▪▪ ▪▪▪▪▪ ▪▪▪ ▪▪▪▪ ▪▪▪▪ ▪▪▪▪▪ ▪▪▪
▪▪▪▪ ▪▪▪ ▪▪▪▪▪ ▪▪▪ ▪▪▪▪ ▪▪▪▪▪▪ ▪▪ ▪▪▪▪ ▪▪▪▪▪ ▪▪▪ ▪▪▪▪ ▪▪▪▪ ▪▪▪▪▪ ▪▪▪ ▪▪▪▪ ▪▪▪ ▪▪▪▪▪ ▪▪▪ ▪▪▪▪ ▪▪▪▪▪▪ ▪▪ ▪▪▪▪ ▪▪▪▪▪ ▪▪▪ ▪▪▪▪ ▪▪▪▪ ▪▪▪▪▪ ▪▪▪ ▪▪▪▪ ▪▪▪ ▪▪▪▪▪ ▪▪▪ ▪▪▪▪ ▪▪▪▪▪▪ ▪▪ ▪▪▪▪ ▪▪▪▪▪ ▪▪▪ ▪▪▪▪ ▪▪▪▪ ▪▪▪▪▪ ▪▪▪ ▪▪▪▪ ▪▪▪ ▪▪▪▪▪ ▪▪▪ ▪▪▪▪ ▪▪▪▪▪▪ ▪▪ ▪▪▪▪ ▪▪▪▪▪ ▪▪▪ ▪▪▪▪ ▪▪▪▪ ▪▪▪▪▪ ▪▪▪ ▪▪▪▪ ▪▪▪ ▪▪▪▪▪ ▪▪▪ ▪▪▪▪ ▪▪▪▪▪▪ ▪▪ ▪▪▪▪ ▪▪▪▪▪ ▪▪▪ ▪▪▪▪ ▪▪▪▪ ▪▪▪▪▪ ▪▪▪ ▪▪▪▪ ▪▪▪ ▪▪▪▪▪ ▪▪▪ ▪▪▪▪ ▪▪▪▪▪▪ ▪▪ ▪▪▪▪ ▪▪▪▪▪ ▪▪▪ ▪▪▪▪ ▪▪▪▪ ▪▪▪▪▪ ▪▪▪
▪▪▪▪ ▪▪▪ ▪▪▪▪▪ ▪▪▪ ▪▪▪▪ ▪▪▪▪▪▪ ▪▪ ▪▪▪▪ ▪▪▪▪▪ ▪▪▪ ▪▪▪▪ ▪▪▪▪ ▪▪▪▪▪ ▪▪▪ ▪▪▪▪ ▪▪▪ ▪▪▪▪▪ ▪▪▪ ▪▪▪▪ ▪▪▪▪▪▪ ▪▪ ▪▪▪▪ ▪▪▪▪▪ ▪▪▪ ▪▪▪▪ ▪▪▪▪ ▪▪▪▪▪ ▪▪▪ ▪▪▪▪ ▪▪▪ ▪▪▪▪▪ ▪▪▪ ▪▪▪▪ ▪▪▪▪▪▪ ▪▪ ▪▪▪▪ ▪▪▪▪▪ ▪▪▪ ▪▪▪▪ ▪▪▪▪ ▪▪▪▪▪ ▪▪▪ ▪▪▪▪ ▪▪▪ ▪▪▪▪▪ ▪▪▪ ▪▪▪▪ ▪▪▪▪▪▪ ▪▪ ▪▪▪▪ ▪▪▪▪▪ ▪▪▪ ▪▪▪▪ ▪▪▪▪ ▪▪▪▪▪ ▪▪▪
▪▪▪▪ ▪▪▪ ▪▪▪▪▪ ▪▪▪ ▪▪▪▪ ▪▪▪▪▪▪ ▪▪ ▪▪▪▪ ▪▪▪▪▪ ▪▪▪ ▪▪▪▪ ▪▪▪▪ ▪▪▪▪▪ ▪▪▪ ▪▪▪▪ ▪▪▪ ▪▪▪▪▪ ▪▪▪ ▪▪▪▪ ▪▪▪▪▪▪ ▪▪ ▪▪▪▪ ▪▪▪▪▪ ▪▪▪ ▪▪▪▪ ▪▪▪▪ ▪▪▪▪▪ ▪▪▪ ▪▪▪▪ ▪▪▪ ▪▪▪▪▪ ▪▪▪ ▪▪▪▪ ▪▪▪▪▪▪ ▪▪ ▪▪▪▪ ▪▪▪▪▪ ▪▪▪ ▪▪▪▪ ▪▪▪▪ ▪▪▪▪▪ ▪▪▪ ▪▪▪▪ ▪▪▪ ▪▪▪▪▪ ▪▪▪ ▪▪▪▪ ▪▪▪▪▪▪ ▪▪ ▪▪▪▪ ▪▪▪▪▪ ▪▪▪ ▪▪▪▪ ▪▪▪▪ ▪▪▪▪▪ ▪▪▪ ▪▪▪▪ ▪▪▪ ▪▪▪▪▪ ▪▪▪ ▪▪▪▪ ▪▪▪▪▪▪ ▪▪ ▪▪▪▪ ▪▪▪▪▪ ▪▪▪ ▪▪▪▪ ▪▪▪▪ ▪▪▪▪▪ ▪▪▪
▪▪▪▪ ▪▪▪ ▪▪▪▪▪ ▪▪▪ ▪▪▪▪ ▪▪▪▪▪▪ ▪▪ ▪▪▪▪ ▪▪▪▪▪ ▪▪▪ ▪▪▪▪ ▪▪▪▪ ▪▪▪▪▪ ▪▪▪ ▪▪▪▪ ▪▪▪ ▪▪▪▪▪ ▪▪▪ ▪▪▪▪ ▪▪▪▪▪▪ ▪▪ ▪▪▪▪ ▪▪▪▪▪ ▪▪▪ ▪▪▪▪ ▪▪▪▪ ▪▪▪▪▪ ▪▪▪ ▪▪▪▪ ▪▪▪ ▪▪▪▪▪ ▪
公告刊登热线
公告专栏
▪▪▪▪ ▪▪▪ ▪▪▪▪▪ ▪▪▪ ▪▪▪▪ ▪▪▪▪▪▪ ▪▪ ▪▪▪▪ ▪▪▪▪▪ ▪▪▪ ▪▪▪▪ ▪▪▪▪ ▪▪▪▪▪ ▪▪▪ ▪▪▪▪ ▪▪▪ ▪▪▪▪▪ ▪▪▪ ▪▪▪▪ ▪▪▪▪▪▪ ▪▪ ▪▪▪▪ ▪▪▪▪▪ ▪▪▪ ▪▪▪▪ ▪▪▪▪ ▪▪▪▪▪ ▪▪▪ ▪▪▪▪ ▪▪▪ ▪▪▪▪▪ ▪▪▪ ▪▪▪▪ ▪▪▪▪▪▪ ▪▪ ▪▪▪▪ ▪▪▪▪▪ ▪▪▪ ▪▪▪▪ ▪▪▪▪ ▪▪▪▪▪ ▪▪▪ ▪▪▪▪ ▪▪▪ ▪▪▪▪▪ ▪▪▪ ▪▪▪▪ ▪▪▪▪▪▪ ▪▪ ▪▪▪▪ ▪▪▪▪▪ ▪▪▪ ▪▪▪▪ ▪▪▪▪ ▪▪▪▪▪ ▪▪▪
▪▪▪▪ ▪▪▪ ▪▪▪▪▪ ▪▪▪ ▪▪▪▪ ▪▪▪▪▪▪ ▪▪ ▪▪▪▪ ▪▪▪▪▪ ▪▪▪ ▪▪▪▪ ▪▪▪▪ ▪▪▪▪▪ ▪▪▪ ▪▪▪▪ ▪▪▪ ▪▪▪▪▪ ▪▪▪ ▪▪▪▪ ▪▪▪▪▪▪ ▪▪ ▪▪▪▪ ▪▪▪▪▪ ▪▪▪ ▪▪▪▪ ▪▪▪▪ ▪▪▪▪▪ ▪▪▪ ▪▪▪▪ ▪▪▪ ▪▪▪▪▪ ▪▪▪ ▪▪▪▪ ▪▪▪▪▪▪ ▪▪ ▪▪▪▪ ▪▪▪▪▪ ▪▪▪ ▪▪▪▪ ▪▪▪▪ ▪▪▪▪▪ ▪▪▪ ▪▪▪▪ ▪▪▪ ▪▪▪▪▪ ▪▪▪ ▪▪▪▪ ▪▪▪▪▪▪ ▪▪ ▪▪▪▪ ▪▪▪▪▪ ▪▪▪ ▪▪▪▪ ▪▪▪▪ ▪▪▪▪▪ ▪▪▪ ▪▪▪▪ ▪▪▪ ▪▪▪▪▪ ▪▪▪ ▪▪▪▪ ▪▪▪▪▪▪ ▪▪ ▪▪▪▪ ▪▪▪▪▪ ▪▪▪ ▪▪▪▪ ▪▪▪▪ ▪▪▪▪▪ ▪▪▪
▪▪▪▪ ▪▪▪ ▪▪▪▪▪ ▪▪▪ ▪▪▪▪ ▪▪▪▪▪▪ ▪▪ ▪▪▪▪ ▪▪▪▪▪ ▪▪▪ ▪▪▪▪ ▪▪▪▪ ▪▪▪▪▪ ▪▪▪ ▪▪▪▪ ▪▪▪ ▪▪▪▪▪ ▪▪▪ ▪▪▪▪ ▪▪▪▪▪▪ ▪▪ ▪▪▪▪ ▪▪▪▪▪ ▪▪▪ ▪▪▪▪ ▪▪▪▪ ▪▪▪▪▪ ▪▪▪ ▪▪▪▪ ▪▪▪ ▪▪▪▪▪ ▪▪▪ ▪▪▪▪ ▪▪▪▪▪▪ ▪▪ ▪▪▪▪ ▪▪▪▪▪ ▪▪▪ ▪▪▪▪ ▪▪▪▪ ▪▪▪▪▪ ▪▪▪ ▪▪▪▪ ▪▪▪ ▪▪▪▪▪ ▪▪▪ ▪▪▪▪ ▪▪▪▪▪▪ ▪▪ ▪▪▪▪ ▪▪▪▪▪ ▪▪▪ ▪▪▪▪ ▪▪▪▪ ▪▪▪▪▪ ▪▪▪ ▪▪▪▪ ▪▪▪ ▪▪▪▪▪ ▪▪▪ ▪▪▪▪ ▪▪▪▪▪▪ ▪▪ ▪▪▪▪ ▪▪▪▪▪ ▪▪▪ ▪▪▪▪ ▪▪▪▪ ▪▪▪▪▪ ▪▪▪ ▪▪▪▪ ▪▪▪ ▪▪▪▪▪ ▪▪▪ ▪▪▪▪ ▪▪▪▪▪▪ ▪▪ ▪▪▪▪ ▪▪▪▪▪ ▪▪▪ ▪▪▪▪ ▪▪▪▪ ▪▪▪▪▪ ▪▪▪
▪▪▪▪ ▪▪▪ ▪▪▪▪▪ ▪▪▪ ▪▪▪▪ ▪▪▪▪▪▪ ▪▪ ▪▪▪▪ ▪▪▪▪▪ ▪▪▪ ▪▪▪▪ ▪▪▪▪ ▪▪▪▪▪ ▪▪▪ ▪▪▪▪ ▪▪▪ ▪▪▪▪▪ ▪▪▪ ▪▪▪▪ ▪▪▪▪▪▪ ▪▪ ▪▪▪▪ ▪▪▪▪▪ ▪▪▪ ▪▪▪▪ ▪▪▪▪ ▪▪▪▪▪ ▪▪▪ ▪▪▪▪ ▪▪▪ ▪▪▪▪▪ ▪▪▪ ▪▪▪▪ ▪▪▪▪▪▪ ▪▪ ▪▪▪▪ ▪▪▪▪▪ ▪▪▪ ▪▪▪▪ ▪▪▪▪ ▪▪▪▪▪ ▪▪▪ ▪▪▪▪ ▪▪▪ ▪▪▪▪▪ ▪▪▪ ▪▪▪▪ ▪▪▪▪▪▪ ▪▪ ▪▪▪▪ ▪▪▪▪▪ ▪▪▪ ▪▪▪▪ ▪▪▪▪ ▪▪▪▪▪ ▪▪▪
▪▪▪▪ ▪▪▪ ▪▪▪▪▪ ▪▪▪ ▪▪▪▪ ▪▪▪▪▪▪ ▪▪ ▪▪▪▪ ▪▪▪▪▪ ▪▪▪ ▪▪▪▪ ▪▪▪▪ ▪▪▪▪▪ ▪▪▪ ▪▪▪▪ ▪▪▪ ▪▪▪▪▪ ▪▪▪ ▪▪▪▪ ▪▪▪▪▪▪ ▪▪ ▪▪▪▪ ▪▪▪▪▪ ▪▪▪ ▪▪▪▪ ▪▪▪▪ ▪▪▪▪▪ ▪▪▪ ▪▪▪▪ ▪▪▪ ▪▪▪▪▪ ▪▪▪ ▪▪▪▪ ▪▪▪▪▪▪ ▪▪ ▪▪▪▪ ▪▪▪▪▪ ▪▪▪ ▪▪▪▪ ▪▪▪▪ ▪▪▪▪▪ ▪▪▪ ▪▪▪▪ ▪▪▪ ▪▪▪▪▪ ▪▪▪ ▪▪▪▪ ▪▪▪▪▪▪ ▪▪ ▪▪▪▪ ▪▪▪▪▪ ▪▪▪ ▪▪▪▪ ▪▪▪▪ ▪▪▪▪▪ ▪▪▪ ▪▪▪▪ ▪▪▪ ▪▪▪▪▪ ▪▪▪ ▪▪▪▪ ▪▪▪▪▪▪ ▪▪ ▪▪▪▪ ▪▪▪▪▪ ▪▪▪ ▪▪▪▪ ▪▪▪▪ ▪▪▪▪▪ ▪▪▪
▪▪▪▪ ▪▪▪ ▪▪▪▪▪ ▪▪▪ ▪▪▪▪ ▪▪▪▪▪▪ ▪▪ ▪▪▪▪ ▪▪▪▪▪ ▪▪▪ ▪▪▪▪ ▪▪▪▪ ▪▪▪▪▪ ▪▪▪ ▪▪▪▪ ▪▪▪ ▪▪▪▪▪ ▪▪▪ ▪▪▪▪ ▪▪▪▪▪▪ ▪▪ ▪▪▪▪ ▪▪▪▪▪ ▪▪▪ ▪▪▪▪ ▪▪▪▪ ▪▪▪▪▪ ▪▪▪ ▪▪▪▪ ▪▪▪ ▪▪▪▪▪ ▪▪▪ ▪▪▪▪ ▪▪▪▪▪▪ ▪▪ ▪▪▪▪ ▪▪▪▪▪ ▪▪▪ ▪▪▪▪ ▪▪▪▪ ▪▪▪▪▪ ▪▪▪ ▪▪▪▪ ▪▪▪ ▪▪▪▪▪ ▪▪▪ ▪▪▪▪ ▪▪▪▪▪▪ ▪▪ ▪▪▪▪ ▪▪▪▪▪ ▪▪▪ ▪▪▪▪ ▪▪▪▪ ▪▪▪▪▪ ▪▪▪ ▪▪▪▪ ▪▪▪ ▪▪▪▪▪ ▪▪▪ ▪▪▪▪ ▪▪▪▪▪▪ ▪▪ ▪▪▪▪ ▪▪▪▪▪ ▪▪▪ ▪▪▪▪ ▪▪▪▪ ▪▪▪▪▪ ▪▪▪ ▪▪▪▪ ▪▪▪ ▪▪▪▪▪ ▪▪▪ ▪▪▪▪ ▪▪▪▪▪▪ ▪▪ ▪▪▪▪ ▪▪▪▪▪ ▪▪▪ ▪▪▪▪ ▪▪▪▪ ▪▪▪▪▪ ▪▪▪
▪▪▪▪ ▪▪▪ ▪▪▪▪▪ ▪▪▪ ▪▪▪▪ ▪▪▪▪▪▪ ▪▪ ▪▪▪▪ ▪▪▪▪▪ ▪▪▪ ▪▪▪▪ ▪▪▪▪ ▪▪▪▪▪ ▪▪▪ ▪▪▪▪ ▪▪▪ ▪▪▪▪▪ ▪▪▪ ▪▪▪▪ ▪▪▪▪▪▪ ▪▪ ▪▪▪▪ ▪▪▪▪▪ ▪▪▪ ▪▪▪▪ ▪▪▪▪ ▪▪▪▪▪ ▪▪▪ ▪▪▪▪ ▪▪▪ ▪▪▪▪▪ ▪▪▪ ▪▪▪▪ ▪▪▪▪▪▪ ▪▪ ▪▪▪▪ ▪▪▪▪▪ ▪▪▪ ▪▪▪▪ ▪▪▪▪ ▪▪▪▪▪ ▪▪▪ ▪▪▪▪ ▪▪▪ ▪▪▪▪▪ ▪▪▪ ▪▪▪▪ ▪▪▪▪▪▪ ▪▪ ▪▪▪▪ ▪▪▪▪▪ ▪▪▪ ▪▪▪▪ ▪▪▪▪ ▪▪▪▪▪ ▪▪▪
▪▪▪▪ ▪▪▪ ▪▪▪▪▪ ▪▪▪ ▪▪▪▪ ▪▪▪▪▪▪ ▪▪ ▪▪▪▪ ▪▪▪▪▪ ▪▪▪ ▪▪▪▪ ▪▪▪▪ ▪▪▪▪▪ ▪▪▪ ▪▪▪▪ ▪▪▪ ▪▪▪▪▪ ▪▪▪ ▪▪▪▪ ▪▪▪▪▪▪ ▪▪ ▪▪▪▪ ▪▪▪▪▪ ▪▪▪ ▪▪▪▪ ▪▪▪▪ ▪▪▪▪▪ ▪▪▪ ▪▪▪▪ ▪▪▪ ▪▪▪▪▪ ▪▪▪ ▪▪▪▪ ▪▪▪▪▪▪ ▪▪ ▪▪▪▪ ▪▪▪▪▪ ▪▪▪ ▪▪▪▪ ▪▪▪▪ ▪▪▪▪▪ ▪▪▪ ▪▪▪▪ ▪▪▪ ▪▪▪▪▪ ▪▪▪ ▪▪▪▪ ▪▪▪▪▪▪ ▪▪ ▪▪▪▪ ▪▪▪▪▪ ▪▪▪ ▪▪▪▪ ▪▪▪▪ ▪▪▪▪▪ ▪▪▪ ▪▪▪▪ ▪▪▪ ▪▪▪▪▪ ▪▪▪ ▪▪▪▪ ▪▪▪▪▪▪ ▪▪ ▪▪▪▪ ▪▪▪▪▪ ▪▪▪ ▪▪▪▪ ▪▪▪▪ ▪▪▪▪▪ ▪▪▪
▪▪▪▪ ▪▪▪ ▪▪▪▪▪ ▪▪▪ ▪▪▪▪ ▪▪▪▪▪▪ ▪▪ ▪▪▪▪ ▪▪▪▪▪ ▪▪▪ ▪▪▪▪ ▪▪▪▪ ▪▪▪▪▪ ▪▪▪ ▪▪▪▪ ▪▪▪ ▪▪▪▪▪ ▪▪▪ ▪▪▪▪ ▪▪▪▪▪▪ ▪▪ ▪▪▪▪ ▪▪▪▪▪ ▪▪▪ ▪▪▪▪ ▪▪▪▪ ▪▪▪▪▪ ▪▪▪ ▪▪▪▪ ▪▪▪ ▪▪▪▪▪ ▪▪▪ ▪▪▪▪ ▪▪▪▪▪▪ ▪▪ ▪▪▪▪ ▪▪▪▪▪ ▪▪▪ ▪▪▪▪ ▪▪▪▪ ▪▪▪▪▪ ▪▪▪ ▪▪▪▪ ▪▪▪ ▪▪▪▪▪ ▪▪▪ ▪▪▪▪ ▪▪▪▪▪▪ ▪▪ ▪▪▪▪ ▪▪▪▪▪ ▪▪▪ ▪▪▪▪ ▪▪▪▪ ▪▪▪▪▪ ▪▪▪ ▪▪▪▪ ▪▪▪ ▪▪▪▪▪ ▪▪▪ ▪▪▪▪ ▪▪▪▪▪▪ ▪▪ ▪▪▪▪ ▪▪▪▪▪ ▪▪▪ ▪▪▪▪ ▪▪▪▪ ▪▪▪▪▪ ▪▪▪ ▪▪▪▪ ▪▪▪ ▪▪▪▪▪ ▪▪▪ ▪▪▪▪ ▪▪▪▪▪▪ ▪▪ ▪▪▪▪ ▪▪▪▪▪ ▪▪▪ ▪▪▪▪ ▪▪▪▪ ▪▪▪▪▪ ▪▪▪
▪▪▪▪ ▪▪▪ ▪▪▪▪▪ ▪▪▪ ▪▪▪▪ ▪▪▪▪▪▪ ▪▪ ▪▪▪▪ ▪▪▪▪▪ ▪▪▪ ▪▪▪▪ ▪▪▪▪ ▪▪▪▪▪ ▪▪▪ ▪▪▪▪ ▪▪▪ ▪▪▪▪▪ ▪▪▪ ▪▪▪▪ ▪▪▪▪▪▪ ▪▪ ▪▪▪▪ ▪▪▪▪▪ ▪▪▪ ▪▪▪▪ ▪▪▪▪ ▪▪▪▪▪ ▪▪▪ ▪▪▪▪ ▪▪▪ ▪▪▪▪▪ ▪▪▪ ▪▪▪▪ ▪▪▪▪▪▪ ▪▪ ▪▪▪▪ ▪▪▪▪▪ ▪▪▪ ▪▪▪▪ ▪▪▪▪ ▪▪▪▪▪ ▪▪▪ ▪▪▪▪ ▪▪▪ ▪▪▪▪▪ ▪▪▪ ▪▪▪▪ ▪▪▪▪▪▪ ▪▪ ▪▪▪▪ ▪▪▪▪▪ ▪▪▪ ▪▪▪▪ ▪▪▪▪ ▪▪▪▪▪ ▪▪▪
▪▪▪▪ ▪▪▪ ▪▪▪▪▪ ▪▪▪ ▪▪▪▪ ▪▪▪▪▪▪ ▪▪ ▪▪▪▪ ▪▪▪▪▪ ▪▪▪ ▪▪▪▪ ▪▪▪▪ ▪▪▪▪▪ ▪▪▪ ▪▪▪▪ ▪▪▪ ▪▪▪▪▪ ▪▪▪ ▪▪▪▪ ▪▪▪▪▪▪ ▪▪ ▪▪▪▪ ▪▪▪▪▪ ▪▪▪ ▪▪▪▪ ▪▪▪▪ ▪▪▪▪▪ ▪▪▪ ▪▪▪▪ ▪▪▪ ▪▪▪▪▪ ▪▪▪ ▪▪▪▪ ▪▪▪▪▪▪ ▪▪ ▪▪▪▪ ▪▪▪▪▪ ▪▪▪ ▪▪▪▪ ▪▪▪▪ ▪▪▪▪▪ ▪▪▪ ▪▪▪▪ ▪▪▪ ▪▪▪▪▪ ▪▪▪ ▪▪▪▪ ▪▪▪▪▪▪ ▪▪ ▪▪▪▪ ▪▪▪▪▪ ▪▪▪ ▪▪▪▪ ▪▪▪▪ ▪▪▪▪▪ ▪▪▪ ▪▪▪▪ ▪▪▪ ▪▪▪▪▪ ▪▪▪ ▪▪▪▪ ▪▪▪▪▪▪ ▪▪ ▪▪▪▪ ▪▪▪▪▪ ▪▪▪ ▪▪▪▪ ▪▪▪▪ ▪▪▪▪▪ ▪▪▪
▪▪▪▪ ▪▪▪ ▪▪▪▪▪ ▪▪▪ ▪▪▪▪ ▪▪▪▪▪▪ ▪▪ ▪▪▪▪ ▪▪▪▪▪ ▪▪▪ ▪▪▪▪ ▪▪▪▪ ▪▪▪▪▪ ▪▪▪ ▪▪▪▪ ▪▪▪ ▪▪▪▪▪ ▪▪▪ ▪▪▪▪ ▪▪▪▪▪▪ ▪▪ ▪▪▪▪ ▪▪▪▪▪ ▪▪▪ ▪▪▪▪ ▪▪▪▪ ▪▪▪▪▪ ▪▪▪ ▪▪▪▪ ▪▪▪ ▪▪▪▪▪ ▪▪▪ ▪▪▪▪ ▪▪▪▪▪▪ ▪▪ ▪▪▪▪ ▪▪▪▪▪ ▪▪▪ ▪▪▪▪ ▪▪▪▪ ▪▪▪▪▪ ▪▪▪ ▪▪▪▪ ▪▪▪ ▪▪▪▪▪ ▪▪▪ ▪▪▪▪ ▪▪▪▪▪▪ ▪▪ ▪▪▪▪ ▪▪▪▪▪ ▪▪▪ ▪▪▪▪ ▪▪▪▪ ▪▪▪▪▪ ▪▪▪ ▪▪▪▪ ▪▪▪ ▪▪▪▪▪ ▪▪▪ ▪▪▪▪ ▪▪▪▪▪▪ ▪▪ ▪▪▪▪ ▪▪▪▪▪ ▪▪▪ ▪▪▪▪ ▪▪▪▪ ▪▪▪▪▪ ▪▪▪ ▪▪▪▪ ▪▪▪ ▪▪▪▪▪ ▪▪▪ ▪▪▪▪ ▪▪▪▪▪▪ ▪▪ ▪▪▪▪ ▪▪▪▪▪ ▪▪▪ ▪▪▪▪ ▪▪▪▪ ▪▪▪▪▪ ▪▪▪
▪▪▪▪ ▪▪▪ ▪▪▪▪▪ ▪▪▪ ▪▪▪▪ ▪▪▪▪▪▪ ▪▪ ▪▪▪▪ ▪▪▪▪▪ ▪▪▪ ▪▪▪▪ ▪▪▪▪ ▪▪▪▪▪ ▪▪▪ ▪▪▪▪ ▪▪▪ ▪▪▪▪▪ ▪▪▪ ▪▪▪▪ ▪▪▪▪▪▪ ▪▪ ▪▪▪▪ ▪▪▪▪▪ ▪▪▪ ▪▪▪▪ ▪▪▪▪ ▪▪▪▪▪ ▪▪▪ ▪▪▪▪ ▪▪▪ ▪▪▪▪▪ ▪▪▪ ▪▪▪▪ ▪▪▪▪▪▪ ▪▪ ▪▪▪▪ ▪▪▪▪▪ ▪▪▪ ▪▪▪▪ ▪▪▪▪ ▪▪▪▪▪ ▪▪▪ ▪▪▪▪ ▪▪▪ ▪▪▪▪▪ ▪▪▪ ▪▪▪▪ ▪▪▪▪▪▪ ▪▪ ▪▪▪▪ ▪▪▪▪▪ ▪▪▪ ▪▪▪▪ ▪▪▪▪ ▪▪▪▪▪ ▪▪▪
▪▪▪▪ ▪▪▪ ▪▪▪▪▪ ▪▪▪ ▪▪▪▪ ▪▪▪▪▪▪ ▪▪ ▪▪▪▪ ▪▪▪▪▪ ▪▪▪ ▪▪▪▪ ▪▪▪▪ ▪▪▪▪▪ ▪▪▪ ▪▪▪▪ ▪▪▪ ▪▪▪▪▪ ▪▪▪ ▪▪▪▪ ▪▪▪▪▪▪ ▪▪ ▪▪▪▪ ▪▪▪▪▪ ▪▪▪ ▪▪▪▪ ▪▪▪▪ ▪▪▪▪▪ ▪▪▪ ▪▪▪▪ ▪▪▪ ▪▪▪▪▪ ▪▪▪ ▪▪▪▪ ▪▪▪▪▪▪ ▪▪ ▪▪▪▪ ▪▪▪▪▪ ▪▪▪ ▪▪▪▪ ▪▪▪▪ ▪▪▪▪▪ ▪▪▪ ▪▪▪▪ ▪▪▪ ▪▪▪▪▪ ▪▪▪ ▪▪▪▪ ▪▪▪▪▪▪ ▪▪ ▪▪▪▪ ▪▪▪▪▪ ▪▪▪ ▪▪▪▪ ▪▪▪▪ ▪▪▪▪▪ ▪▪▪ ▪▪▪▪ ▪▪▪ ▪▪▪▪▪ ▪▪▪ ▪▪▪▪ ▪▪▪▪▪▪ ▪▪ ▪▪▪▪ ▪▪▪▪▪ ▪▪▪ ▪▪▪▪ ▪▪▪▪ ▪▪▪▪▪ ▪▪▪
▪▪▪▪ ▪▪▪ ▪▪▪▪▪ ▪▪▪ ▪▪▪▪ ▪▪▪▪▪▪ ▪▪ ▪▪▪▪ ▪▪▪▪▪ ▪▪▪ ▪▪▪▪ ▪▪▪▪ ▪▪▪▪▪ ▪▪▪ ▪▪▪▪ ▪▪▪ ▪▪▪▪▪ ▪▪▪ ▪▪▪▪ ▪▪▪▪▪▪ ▪▪ ▪▪▪▪ ▪▪▪▪▪ ▪▪▪ ▪▪▪▪ ▪▪▪▪ ▪▪▪▪▪ ▪▪▪ ▪▪▪▪ ▪▪▪ ▪▪▪▪▪ ▪▪▪ ▪▪▪▪ ▪▪▪▪▪▪ ▪▪ ▪▪▪▪ ▪▪▪▪▪ ▪▪▪ ▪▪▪▪ ▪▪▪▪ ▪▪▪▪▪ ▪▪▪ ▪▪▪▪ ▪▪▪ ▪▪▪▪▪ ▪▪▪ ▪▪▪▪ ▪▪▪▪▪▪ ▪▪ ▪▪▪▪ ▪▪▪▪▪ ▪▪▪ ▪▪▪▪ ▪▪▪▪ ▪▪▪▪▪ ▪▪▪ ▪▪▪▪ ▪▪▪ ▪▪▪▪▪ ▪▪▪ ▪▪▪▪ ▪▪▪▪▪▪ ▪▪ ▪▪▪▪ ▪▪▪▪▪ ▪▪▪ ▪▪▪▪ ▪▪▪▪ ▪▪▪▪▪ ▪▪▪ ▪▪▪▪ ▪▪▪ ▪▪▪▪▪ ▪▪▪ ▪▪▪▪ ▪▪▪▪▪▪ ▪▪ ▪▪▪▪ ▪▪▪▪▪ ▪▪▪ ▪▪▪▪ ▪▪▪▪ ▪▪▪▪▪ ▪▪▪
▪▪▪▪ ▪▪▪ ▪▪▪▪▪ ▪▪▪ ▪▪▪▪ ▪▪▪▪▪▪ ▪▪ ▪▪▪▪ ▪▪▪▪▪ ▪▪▪ ▪▪▪▪ ▪▪▪▪ ▪▪▪▪▪ ▪▪▪ ▪▪▪▪ ▪▪▪ ▪▪▪▪▪ ▪▪▪ ▪▪▪▪ ▪▪▪▪▪▪ ▪▪ ▪▪▪▪ ▪▪▪▪▪ ▪▪▪ ▪▪▪▪ ▪▪▪▪ ▪▪▪▪▪ ▪▪▪ ▪▪▪▪ ▪▪▪ ▪▪▪▪▪ ▪▪▪ ▪▪▪▪ ▪▪▪▪▪▪ ▪▪ ▪▪▪▪ ▪▪▪▪▪ ▪▪▪ ▪▪▪▪ ▪▪▪▪ ▪▪▪▪▪ ▪▪▪ ▪▪▪▪ ▪▪▪ ▪▪▪▪▪ ▪▪▪ ▪▪▪▪ ▪▪▪▪▪▪ ▪▪ ▪▪▪▪ ▪▪▪▪▪ ▪▪▪ ▪▪▪▪ ▪▪▪▪ ▪▪▪▪▪ ▪▪▪
▪▪▪▪ ▪▪▪ ▪▪▪▪▪ ▪▪▪ ▪▪▪▪ ▪▪▪▪▪▪ ▪▪ ▪▪▪▪ ▪▪▪▪▪ ▪▪▪ ▪▪▪▪ ▪▪▪▪ ▪▪▪▪▪ ▪▪▪ ▪▪▪▪ ▪▪▪ ▪▪▪▪▪ ▪▪▪ ▪▪▪▪ ▪▪▪▪▪▪ ▪▪ ▪▪▪▪ ▪▪▪▪▪ ▪▪▪ ▪▪▪▪ ▪▪▪▪ ▪▪▪▪▪ ▪▪▪ ▪▪▪▪ ▪▪▪ ▪▪▪▪▪ ▪▪▪ ▪▪▪▪ ▪▪▪▪▪▪ ▪▪ ▪▪▪▪ ▪▪▪▪▪ ▪▪▪ ▪▪▪▪ ▪▪▪▪ ▪▪▪▪▪ ▪▪▪ ▪▪▪▪ ▪▪▪ ▪▪▪▪▪ ▪▪▪ ▪▪▪▪ ▪▪▪▪▪▪ ▪▪ ▪▪▪▪ ▪▪▪▪▪ ▪▪▪ ▪▪▪▪ ▪▪▪▪ ▪▪▪▪▪ ▪▪▪ ▪▪▪▪ ▪▪▪ ▪▪▪▪▪ ▪▪▪ ▪▪▪▪ ▪▪▪▪▪▪ ▪▪ ▪▪▪▪ ▪▪▪▪▪ ▪▪▪ ▪▪▪▪ ▪▪▪▪ ▪▪▪▪▪ ▪▪▪
▪▪▪▪ ▪▪▪ ▪▪▪▪▪ ▪▪▪ ▪▪▪▪ ▪▪▪▪▪▪ ▪▪ ▪▪▪▪ ▪▪▪▪▪ ▪▪▪ ▪▪▪▪ ▪▪▪▪ ▪▪▪▪▪ ▪▪▪ ▪▪▪▪ ▪▪▪ ▪▪▪▪▪ ▪▪▪ ▪▪▪▪ ▪▪▪▪▪▪ ▪▪ ▪▪▪▪ ▪▪▪▪▪ ▪▪▪ ▪▪▪▪ ▪▪▪▪ ▪▪▪▪▪ ▪▪▪ ▪▪▪▪ ▪▪▪ ▪▪▪▪▪ ▪▪▪ ▪▪▪▪ ▪▪▪▪▪▪ ▪▪ ▪▪▪▪ ▪▪▪▪▪ ▪▪▪ ▪▪▪▪ ▪▪▪▪ ▪▪▪▪▪ ▪▪▪ ▪▪▪▪ ▪▪▪ ▪▪▪▪▪ ▪▪▪ ▪▪▪▪ ▪▪▪▪▪▪ ▪▪ ▪▪▪▪ ▪▪▪▪▪ ▪▪▪ ▪▪▪▪ ▪▪▪▪ ▪▪▪▪▪ ▪▪▪ ▪▪▪▪ ▪▪▪ ▪▪▪▪▪ ▪▪▪ ▪▪▪▪ ▪▪▪▪▪▪ ▪▪ ▪▪▪▪ ▪▪▪▪▪ ▪▪▪ ▪▪▪▪ ▪▪▪▪ ▪▪▪▪▪ ▪▪▪ ▪▪▪▪ ▪▪▪ ▪▪▪▪▪ ▪▪▪ ▪▪▪▪ ▪▪▪▪▪▪ ▪▪ ▪▪▪▪ ▪▪▪▪▪ ▪▪▪ ▪▪▪▪ ▪▪▪▪ ▪▪▪▪▪ ▪▪▪
▪▪▪▪ ▪▪▪ ▪▪▪▪▪ ▪▪▪ ▪▪▪▪ ▪▪▪▪▪▪ ▪▪ ▪▪▪▪ ▪▪▪▪▪ ▪▪▪ ▪▪▪▪ ▪▪▪▪ ▪▪▪▪▪ ▪▪▪ ▪▪▪▪ ▪▪▪ ▪▪▪▪▪ ▪▪▪ ▪▪▪▪ ▪▪▪▪▪▪ ▪▪ ▪▪▪▪ ▪▪▪▪▪ ▪▪▪ ▪▪▪▪ ▪▪▪▪ ▪▪▪▪▪ ▪▪▪ ▪▪▪▪ ▪▪▪ ▪▪▪▪▪ ▪▪▪ ▪▪▪▪ ▪▪▪▪▪▪ ▪▪ ▪▪▪▪ ▪▪▪▪▪ ▪▪▪ ▪▪▪▪ ▪▪▪▪ ▪▪▪▪▪ ▪▪▪ ▪▪▪▪ ▪▪▪ ▪▪▪▪▪ ▪▪▪ ▪▪▪▪ ▪▪▪▪▪▪ ▪▪ ▪▪▪▪ ▪▪▪▪▪ ▪▪▪ ▪▪▪▪ ▪▪▪▪ ▪▪▪▪▪ ▪▪▪
▪▪▪▪ ▪▪▪ ▪▪▪▪▪ ▪▪▪ ▪▪▪▪ ▪▪▪▪▪▪ ▪▪ ▪▪▪▪ ▪▪▪▪▪ ▪▪▪ ▪▪▪▪ ▪▪▪▪ ▪▪▪▪▪ ▪▪▪ ▪▪▪▪ ▪▪▪ ▪▪▪▪▪ ▪▪▪ ▪▪▪▪ ▪▪▪▪▪▪ ▪▪ ▪▪▪▪ ▪▪▪▪▪ ▪▪▪ ▪▪▪▪ ▪▪▪▪ ▪▪▪▪▪ ▪▪▪ ▪▪▪▪ ▪▪▪ ▪▪▪▪▪ ▪▪▪ ▪▪▪▪ ▪▪▪▪▪▪ ▪▪ ▪▪▪▪ ▪▪▪▪▪ ▪▪▪ ▪▪▪▪ ▪▪▪▪ ▪▪▪▪▪ ▪▪▪ ▪▪▪▪ ▪▪▪ ▪▪▪▪▪ ▪▪▪ ▪▪▪▪ ▪▪▪▪▪▪ ▪▪ ▪▪▪▪ ▪▪▪▪▪ ▪▪▪ ▪▪▪▪ ▪▪▪▪ ▪▪▪▪▪ ▪▪▪ ▪▪▪▪ ▪▪▪ ▪▪▪▪▪ ▪▪▪ ▪▪▪▪ ▪▪▪▪▪▪ ▪▪ ▪▪▪▪ ▪▪▪▪▪ ▪▪▪ ▪▪▪▪ ▪▪▪▪ ▪▪▪▪▪ ▪▪▪
▪▪▪▪ ▪▪▪ ▪▪▪▪▪ ▪▪▪ ▪▪▪▪ ▪▪▪▪▪▪ ▪▪ ▪▪▪▪ ▪▪▪▪▪ ▪▪▪ ▪▪▪▪ ▪▪▪▪ ▪▪▪▪▪ ▪▪▪ ▪▪▪▪ ▪▪▪ ▪▪▪▪▪ ▪▪▪ ▪▪▪▪ ▪▪▪▪▪▪ ▪▪ ▪▪▪▪ ▪▪▪▪▪ ▪▪▪ ▪▪▪▪ ▪▪▪▪ ▪▪▪▪▪ ▪▪▪ ▪▪▪▪ ▪▪▪ ▪▪▪▪▪ ▪▪▪ ▪▪▪▪ ▪▪▪▪▪▪ ▪▪ ▪▪▪▪ ▪▪▪▪▪ ▪▪▪ ▪▪▪▪ ▪▪▪▪ ▪▪▪▪▪ ▪▪▪ ▪▪▪▪ ▪▪▪ ▪▪▪▪▪ ▪▪▪ ▪▪▪▪ ▪▪▪▪▪▪ ▪▪ ▪▪▪▪ ▪▪▪▪▪ ▪▪▪ ▪▪▪▪ ▪▪▪▪ ▪▪▪▪▪ ▪▪▪ ▪▪▪▪ ▪▪▪ ▪▪▪▪▪ ▪▪▪ ▪▪▪▪ ▪▪▪▪▪▪ ▪▪ ▪▪▪▪ ▪▪▪▪▪ ▪▪▪ ▪▪▪▪ ▪▪▪▪ ▪▪▪▪▪ ▪▪▪ ▪▪▪▪ ▪▪▪ ▪▪▪▪▪ ▪▪▪ ▪▪▪▪ ▪▪▪▪▪▪ ▪▪ ▪▪▪▪ ▪▪▪▪▪ ▪▪▪ ▪▪▪▪ ▪▪▪▪ ▪▪▪▪▪ ▪▪▪
▪▪▪▪ ▪▪▪ ▪▪▪▪▪ ▪▪▪ ▪▪▪▪ ▪▪▪▪▪▪ ▪▪ ▪▪▪▪ ▪▪▪▪▪ ▪▪▪ ▪▪▪▪ ▪▪▪▪ ▪▪▪▪▪ ▪▪▪ ▪▪▪▪ ▪▪▪ ▪▪▪▪▪ ▪▪▪ ▪▪▪▪ ▪▪▪▪▪▪ ▪▪ ▪▪▪▪ ▪▪▪▪▪ ▪▪▪ ▪▪▪▪ ▪▪▪▪ ▪▪▪▪▪ ▪▪▪ ▪▪▪▪ ▪▪▪ ▪▪▪▪▪ ▪▪▪ ▪▪▪▪ ▪▪▪▪▪▪ ▪▪ ▪▪▪▪ ▪▪▪▪▪ ▪▪▪ ▪▪▪▪ ▪▪▪▪ ▪▪▪▪▪ ▪▪▪ ▪▪▪▪ ▪▪▪ ▪▪▪▪▪ ▪▪▪ ▪▪▪▪ ▪▪▪▪▪▪ ▪▪ ▪▪▪▪ ▪▪▪▪▪ ▪▪▪ ▪▪▪▪ ▪▪▪▪ ▪▪▪▪▪ ▪▪▪
▪▪▪▪ ▪▪▪ ▪▪▪▪▪ ▪▪▪ ▪▪▪▪ ▪▪▪▪▪▪ ▪▪ ▪▪▪▪ ▪▪▪▪▪ ▪▪▪ ▪▪▪▪ ▪▪▪▪ ▪▪▪▪▪ ▪▪▪ ▪▪▪▪ ▪▪▪ ▪▪▪▪▪ ▪▪▪ ▪▪▪▪ ▪▪▪▪▪▪ ▪▪ ▪▪▪▪ ▪▪▪▪▪ ▪▪▪ ▪▪▪▪ ▪▪▪▪ ▪▪▪▪▪ ▪▪▪ ▪▪▪▪ ▪▪▪ ▪▪▪▪▪ ▪▪▪ ▪▪▪▪ ▪▪▪▪▪▪ ▪▪ ▪▪▪▪ ▪▪▪▪▪ ▪▪▪ ▪▪▪▪ ▪▪▪▪ ▪▪▪▪▪ ▪▪▪ ▪▪▪▪ ▪▪▪ ▪▪▪▪▪ ▪▪▪ ▪▪▪▪ ▪▪▪▪▪▪ ▪▪ ▪▪▪▪ ▪▪▪▪▪ ▪▪▪ ▪▪▪▪ ▪▪▪▪ ▪▪▪▪▪ ▪▪▪ ▪▪▪▪ ▪▪▪ ▪▪▪▪▪ ▪▪▪ ▪▪▪▪ ▪▪▪▪▪▪ ▪▪ ▪▪▪▪ ▪▪▪▪▪ ▪▪▪ ▪▪▪▪ ▪▪▪▪ ▪▪▪▪▪ ▪▪▪
▪▪▪▪ ▪▪▪ ▪▪▪▪▪ ▪▪▪ ▪▪▪▪ ▪▪▪▪▪▪ ▪▪ ▪▪▪▪ ▪▪▪▪▪ ▪▪▪ ▪▪▪▪ ▪▪▪▪ ▪▪▪▪▪ ▪▪▪ ▪▪▪▪ ▪▪▪ ▪▪▪▪▪ ▪▪▪ ▪▪▪▪ ▪▪▪▪▪▪ ▪▪ ▪▪▪▪ ▪▪▪▪▪ ▪▪▪ ▪▪▪▪ ▪▪▪▪ ▪▪▪▪▪ ▪▪▪ ▪▪▪▪ ▪▪▪ ▪▪▪▪▪ ▪▪▪ ▪▪▪▪ ▪▪▪▪▪▪ ▪▪ ▪▪▪▪ ▪▪▪▪▪ ▪▪▪ ▪▪▪▪ ▪▪▪▪ ▪▪▪▪▪ ▪▪▪ ▪▪▪▪ ▪▪▪ ▪▪▪▪▪ ▪▪▪ ▪▪▪▪ ▪▪▪▪▪▪ ▪▪ ▪▪▪▪ ▪▪▪▪▪ ▪▪▪ ▪▪▪▪ ▪▪▪▪ ▪▪▪▪▪ ▪▪▪ ▪▪▪▪ ▪▪▪ ▪▪▪▪▪ ▪▪▪ ▪▪▪▪ ▪▪▪▪▪▪ ▪▪ ▪▪▪▪ ▪▪▪▪▪ ▪▪▪ ▪▪▪▪ ▪▪▪▪ ▪▪▪▪▪ ▪▪▪ ▪▪▪▪ ▪▪▪ ▪▪▪▪▪ ▪▪▪ ▪▪▪▪ ▪▪▪▪▪▪ ▪▪ ▪▪▪▪ ▪▪▪▪▪ ▪▪▪ ▪▪▪▪ ▪▪▪▪ ▪▪▪▪▪ ▪▪▪
▪▪▪▪ ▪▪▪ ▪▪▪▪▪ ▪▪▪ ▪▪▪▪ ▪▪▪▪▪▪ ▪▪ ▪▪▪▪ ▪▪▪▪▪ ▪▪▪ ▪▪▪▪ ▪▪▪▪ ▪▪▪▪▪ ▪▪▪ ▪▪▪▪ ▪▪▪ ▪▪▪▪▪ ▪▪▪ ▪▪▪▪ ▪▪▪▪▪▪ ▪▪ ▪▪▪▪ ▪▪▪▪▪ ▪▪▪ ▪▪▪▪ ▪▪▪▪ ▪▪▪▪▪ ▪▪▪ ▪▪▪▪ ▪▪▪ ▪▪▪▪▪ ▪▪▪ ▪▪▪▪ ▪▪▪▪▪▪ ▪▪ ▪▪▪▪ ▪▪▪▪▪ ▪▪▪ ▪▪▪▪ ▪▪▪▪ ▪▪▪▪▪ ▪▪▪ ▪▪▪▪ ▪▪▪ ▪▪▪▪▪ ▪▪▪ ▪▪▪▪ ▪▪▪▪▪▪ ▪▪ ▪▪▪▪ ▪▪▪▪▪ ▪▪▪ ▪▪▪▪ ▪▪▪▪ ▪▪▪▪▪ ▪▪▪
▪▪▪▪ ▪▪▪ ▪▪▪▪▪ ▪▪▪ ▪▪▪▪ ▪▪▪▪▪▪ ▪▪ ▪▪▪▪ ▪▪▪▪▪ ▪▪▪ ▪▪▪▪ ▪▪▪▪ ▪▪▪▪▪ ▪▪▪ ▪▪▪▪ ▪▪▪ ▪▪▪▪▪ ▪▪▪ ▪▪▪▪ ▪▪▪▪▪▪ ▪▪ ▪▪▪▪ ▪▪▪▪▪ ▪▪▪ ▪▪▪▪ ▪▪▪▪ ▪▪▪▪▪ ▪▪▪ ▪▪▪▪ ▪▪▪ ▪▪▪▪▪ ▪▪▪ ▪▪▪▪ ▪▪▪▪▪▪ ▪▪ ▪▪▪▪ ▪▪▪▪▪ ▪▪▪ ▪▪▪▪ ▪▪▪▪ ▪▪▪▪▪ ▪▪▪ ▪▪▪▪ ▪▪▪ ▪▪▪▪▪ ▪▪▪ ▪▪▪▪ ▪▪▪▪▪▪ ▪▪ ▪▪▪▪ ▪▪▪▪▪ ▪▪▪ ▪▪▪▪ ▪▪▪▪ ▪▪▪▪▪ ▪▪▪ ▪▪▪▪ ▪▪▪ ▪▪▪▪▪ ▪▪▪ ▪▪▪▪ ▪▪▪▪▪▪ ▪▪ ▪▪▪▪ ▪▪▪▪▪ ▪▪▪ ▪▪▪▪ ▪▪▪▪ ▪▪▪▪▪ ▪▪▪
▪▪▪▪ ▪▪▪ ▪▪▪▪▪ ▪▪▪ ▪▪▪▪ ▪▪▪▪▪▪ ▪▪ ▪▪▪▪ ▪▪▪▪▪ ▪▪▪ ▪▪▪▪ ▪▪▪▪ ▪▪▪▪▪ ▪▪▪ ▪▪▪▪ ▪▪▪ ▪▪▪▪▪ ▪▪▪ ▪▪▪▪ ▪▪▪▪▪▪ ▪▪ ▪▪▪▪ ▪▪▪▪▪ ▪▪▪ ▪▪▪▪ ▪▪▪▪ ▪▪▪▪▪ ▪▪▪ ▪▪▪▪ ▪▪▪ ▪▪▪▪▪ ▪▪▪ ▪▪▪▪ ▪▪▪▪▪▪ ▪▪ ▪▪▪▪ ▪▪▪▪▪ ▪▪▪ ▪▪▪▪ ▪▪▪▪ ▪▪▪▪▪ ▪▪▪ ▪▪▪▪ ▪▪▪ ▪▪▪▪▪ ▪▪▪ ▪▪▪▪ ▪▪▪▪▪▪ ▪▪ ▪▪▪▪ ▪▪▪▪▪ ▪▪▪ ▪▪▪▪ ▪▪▪▪ ▪▪▪▪▪ ▪▪▪ ▪▪▪▪ ▪▪▪ ▪▪▪▪▪ ▪▪▪ ▪▪▪▪ ▪▪▪▪▪▪ ▪▪ ▪▪▪▪ ▪▪▪▪▪ ▪▪▪ ▪▪▪▪ ▪▪▪▪ ▪▪▪▪▪ ▪▪▪ ▪▪▪▪ ▪▪▪ ▪▪▪▪▪ ▪▪▪ ▪▪▪▪ ▪▪▪▪▪▪ ▪▪ ▪▪▪▪ ▪▪▪▪▪ ▪▪▪ ▪▪▪▪ ▪▪▪▪ ▪▪▪▪▪ ▪▪▪
▪▪▪▪ ▪▪▪ ▪▪▪▪▪ ▪▪▪ ▪▪▪▪ ▪▪▪▪▪▪ ▪▪ ▪▪▪▪ ▪▪▪▪▪ ▪▪▪ ▪▪▪▪ ▪▪▪▪ ▪▪▪▪▪ ▪▪▪ ▪▪▪▪ ▪▪▪ ▪▪▪▪▪ ▪▪▪ ▪▪▪▪ ▪▪▪▪▪▪ ▪▪ ▪▪▪▪ ▪▪▪▪▪ ▪▪▪ ▪▪▪▪ ▪▪▪▪ ▪▪▪▪▪ ▪▪▪ ▪▪▪▪ ▪▪▪ ▪▪▪▪▪ ▪▪▪ ▪▪▪▪ ▪▪▪▪▪▪ ▪▪ ▪▪▪▪ ▪▪▪▪▪ ▪▪▪ ▪▪▪▪ ▪▪▪▪ ▪▪▪▪▪ ▪▪▪ ▪▪▪▪ ▪▪▪ ▪▪▪▪▪ ▪▪▪ ▪▪▪▪ ▪▪▪▪▪▪ ▪▪ ▪▪▪▪ ▪▪▪▪▪ ▪▪▪ ▪▪▪▪ ▪▪▪▪ ▪▪▪▪▪ ▪▪▪
▪▪▪▪ ▪▪▪ ▪▪▪▪▪ ▪▪▪ ▪▪▪▪ ▪▪▪▪▪▪ ▪▪ ▪▪▪▪ ▪▪▪▪▪ ▪▪▪ ▪▪▪▪ ▪▪▪▪ ▪▪▪▪▪ ▪▪▪ ▪▪▪▪ ▪▪▪ ▪▪▪▪▪ ▪▪▪ ▪▪▪▪ ▪▪▪▪▪▪ ▪▪ ▪▪▪▪ ▪▪▪▪▪ ▪▪▪ ▪▪▪▪ ▪▪▪▪ ▪▪▪▪▪ ▪▪▪ ▪▪▪▪ ▪▪▪ ▪▪▪▪▪ ▪▪▪ ▪▪▪▪ ▪▪▪▪▪▪ ▪▪ ▪▪▪▪ ▪▪▪▪▪ ▪▪▪ ▪▪▪▪ ▪▪▪▪ ▪▪▪▪▪ ▪▪▪ ▪▪▪▪ ▪▪▪ ▪▪▪▪▪ ▪▪▪ ▪▪▪▪ ▪▪▪▪▪▪ ▪▪ ▪▪▪▪ ▪▪▪▪▪ ▪▪▪ ▪▪▪▪ ▪▪▪▪ ▪▪▪▪▪ ▪▪▪ ▪▪▪▪ ▪▪▪ ▪▪▪▪▪ ▪▪▪ ▪▪▪▪ ▪▪▪▪▪▪ ▪▪ ▪▪▪▪ ▪▪▪▪▪ ▪▪▪ ▪▪▪▪ ▪▪▪▪ ▪▪▪▪▪ ▪▪▪
▪▪▪▪ ▪▪▪ ▪▪▪▪▪ ▪▪▪ ▪▪▪▪ ▪▪▪▪▪▪ ▪▪ ▪▪▪▪ ▪▪▪▪▪ ▪▪▪ ▪▪▪▪ ▪▪▪▪ ▪▪▪▪▪ ▪▪▪ ▪▪▪▪ ▪▪▪ ▪▪▪▪▪ ▪▪▪ ▪▪▪▪ ▪▪▪▪▪▪ ▪▪ ▪▪▪▪ ▪▪▪▪▪ ▪▪▪ ▪▪▪▪ ▪▪▪▪ ▪▪▪▪▪ ▪▪▪ ▪▪▪▪ ▪▪▪ ▪▪▪▪▪ ▪▪▪ ▪▪▪▪ ▪▪▪▪▪▪ ▪▪ ▪▪▪▪ ▪▪▪▪▪ ▪▪▪ ▪▪▪▪ ▪▪▪▪ ▪▪▪▪▪ ▪▪▪ ▪▪▪▪ ▪▪▪ ▪▪▪▪▪ ▪▪▪ ▪▪▪▪ ▪▪▪▪▪▪ ▪▪ ▪▪▪▪ ▪▪▪▪▪ ▪▪▪ ▪▪▪▪ ▪▪▪▪ ▪▪▪▪▪ ▪▪▪ ▪▪▪▪ ▪▪▪ ▪▪▪▪▪ ▪▪▪ ▪▪▪▪ ▪▪▪▪▪▪ ▪▪ ▪▪▪▪ ▪▪▪▪▪ ▪▪▪ ▪▪▪▪ ▪▪▪▪ ▪▪▪▪▪ ▪▪▪ ▪▪▪▪ ▪▪▪ ▪▪▪▪▪ ▪▪▪ ▪▪▪▪ ▪▪▪▪▪▪ ▪▪ ▪▪▪▪ ▪▪▪▪▪ ▪▪▪ ▪▪▪▪ ▪▪▪▪ ▪▪▪▪▪ ▪▪▪
▪▪▪▪ ▪▪▪ ▪▪▪▪▪ ▪▪▪ ▪▪▪▪ ▪▪▪▪▪▪ ▪▪ ▪▪▪▪ ▪▪▪▪▪ ▪▪▪ ▪▪▪▪ ▪▪▪▪ ▪▪▪▪▪ ▪▪▪ ▪▪▪▪ ▪▪▪ ▪▪▪▪▪ ▪▪▪ ▪▪▪▪ ▪▪▪▪▪▪ ▪▪ ▪▪▪▪ ▪▪▪▪▪ ▪▪▪ ▪▪▪▪ ▪▪▪▪ ▪▪▪▪▪ ▪▪▪ ▪▪▪▪ ▪▪▪ ▪▪▪▪▪ ▪▪▪ ▪▪▪▪ ▪▪▪▪▪▪ ▪▪ ▪▪▪▪ ▪▪▪▪▪ ▪▪▪ ▪▪▪▪ ▪▪▪▪ ▪▪▪▪▪ ▪▪▪ ▪▪▪▪ ▪▪▪ ▪▪▪▪▪ ▪▪▪ ▪▪▪▪ ▪▪▪▪▪▪ ▪▪ ▪▪▪▪ ▪▪▪▪▪ ▪▪▪ ▪▪▪▪ ▪▪▪▪ ▪▪▪▪▪ ▪▪▪
▪▪▪▪ ▪▪▪ ▪▪▪▪▪ ▪▪▪ ▪▪▪▪ ▪▪▪▪▪▪ ▪▪ ▪▪▪▪ ▪▪▪▪▪ ▪▪▪ ▪▪▪▪ ▪▪▪▪ ▪▪▪▪▪ ▪▪▪ ▪▪▪▪ ▪▪▪ ▪▪▪▪▪ ▪▪▪ ▪▪▪▪ ▪▪▪▪▪▪ ▪▪ ▪▪▪▪ ▪▪▪▪▪ ▪▪▪ ▪▪▪▪ ▪▪▪▪ ▪▪▪▪▪ ▪▪▪ ▪▪▪▪ ▪▪▪ ▪▪▪▪▪ ▪▪▪ ▪▪▪▪ ▪▪▪▪▪▪ ▪▪ ▪▪▪▪ ▪▪▪▪▪ ▪▪▪ ▪▪▪▪ ▪▪▪▪ ▪▪▪▪▪ ▪▪▪ ▪▪▪▪ ▪▪▪ ▪▪▪▪▪ ▪▪▪ ▪▪▪▪ ▪▪▪▪▪▪ ▪▪ ▪▪▪▪ ▪▪▪▪▪ ▪▪▪ ▪▪▪▪ ▪▪▪▪ ▪▪▪▪▪ ▪▪▪ ▪▪▪▪ ▪▪▪ ▪▪▪▪▪ ▪▪▪ ▪▪▪▪ ▪▪▪▪▪▪ ▪▪ ▪▪▪▪ ▪▪▪▪▪ ▪▪▪ ▪▪▪▪ ▪▪▪▪ ▪▪▪▪▪ ▪▪▪
▪▪▪▪ ▪▪▪ ▪▪▪▪▪ ▪▪▪ ▪▪▪▪ ▪▪▪▪▪▪ ▪▪ ▪▪▪▪ ▪▪▪▪▪ ▪▪▪ ▪▪▪▪ ▪▪▪▪ ▪▪▪▪▪ ▪▪▪ ▪▪▪▪ ▪▪▪ ▪▪▪▪▪ ▪▪▪ ▪▪▪▪ ▪▪▪▪▪▪ ▪▪ ▪▪▪▪ ▪▪▪▪▪ ▪▪▪ ▪▪▪▪ ▪▪▪▪ ▪▪▪▪▪ ▪▪▪ ▪▪▪▪ ▪▪▪ ▪▪▪▪▪ ▪
公告专栏
▪▪▪▪ ▪▪▪ ▪▪▪▪▪ ▪▪▪ ▪▪▪▪ ▪▪▪▪▪▪ ▪▪ ▪▪▪▪ ▪▪▪▪▪ ▪▪▪ ▪▪▪▪ ▪▪▪▪ ▪▪▪▪▪ ▪▪▪ ▪▪▪▪ ▪▪▪ ▪▪▪▪▪ ▪▪▪ ▪▪▪▪ ▪▪▪▪▪▪ ▪▪ ▪▪▪▪ ▪▪▪▪▪ ▪▪▪ ▪▪▪▪ ▪▪▪▪ ▪▪▪▪▪ ▪▪▪ ▪▪▪▪ ▪▪▪ ▪▪▪▪▪ ▪▪▪ ▪▪▪▪ ▪▪▪▪▪▪ ▪▪ ▪▪▪▪ ▪▪▪▪▪ ▪▪▪ ▪▪▪▪ ▪▪▪▪ ▪▪▪▪▪ ▪▪▪ ▪▪▪▪ ▪▪▪ ▪▪▪▪▪ ▪▪▪ ▪▪▪▪ ▪▪▪▪▪▪ ▪▪ ▪▪▪▪ ▪▪▪▪▪ ▪▪▪ ▪▪▪▪ ▪▪▪▪ ▪▪▪▪▪ ▪▪▪
▪▪▪▪ ▪▪▪ ▪▪▪▪▪ ▪▪▪ ▪▪▪▪ ▪▪▪▪▪▪ ▪▪ ▪▪▪▪ ▪▪▪▪▪ ▪▪▪ ▪▪▪▪ ▪▪▪▪ ▪▪▪▪▪ ▪▪▪ ▪▪▪▪ ▪▪▪ ▪▪▪▪▪ ▪▪▪ ▪▪▪▪ ▪▪▪▪▪▪ ▪▪ ▪▪▪▪ ▪▪▪▪▪ ▪▪▪ ▪▪▪▪ ▪▪▪▪ ▪▪▪▪▪ ▪▪▪ ▪▪▪▪ ▪▪▪ ▪▪▪▪▪ ▪▪▪ ▪▪▪▪ ▪▪▪▪▪▪ ▪▪ ▪▪▪▪ ▪▪▪▪▪ ▪▪▪ ▪▪▪▪ ▪▪▪▪ ▪▪▪▪▪ ▪▪▪ ▪▪▪▪ ▪▪▪ ▪▪▪▪▪ ▪▪▪ ▪▪▪▪ ▪▪▪▪▪▪ ▪▪ ▪▪▪▪ ▪▪▪▪▪ ▪▪▪ ▪▪▪▪ ▪▪▪▪ ▪▪▪▪▪ ▪▪▪ ▪▪▪▪ ▪▪▪ ▪▪▪▪▪ ▪▪▪ ▪▪▪▪ ▪▪▪▪▪▪ ▪▪ ▪▪▪▪ ▪▪▪▪▪ ▪▪▪ ▪▪▪▪ ▪▪▪▪ ▪▪▪▪▪ ▪▪▪
▪▪▪▪ ▪▪▪ ▪▪▪▪▪ ▪▪▪ ▪▪▪▪ ▪▪▪▪▪▪ ▪▪ ▪▪▪▪ ▪▪▪▪▪ ▪▪▪ ▪▪▪▪ ▪▪▪▪ ▪▪▪▪▪ ▪▪▪ ▪▪▪▪ ▪▪▪ ▪▪▪▪▪ ▪▪▪ ▪▪▪▪ ▪▪▪▪▪▪ ▪▪ ▪▪▪▪ ▪▪▪▪▪ ▪▪▪ ▪▪▪▪ ▪▪▪▪ ▪▪▪▪▪ ▪▪▪ ▪▪▪▪ ▪▪▪ ▪▪▪▪▪ ▪▪▪ ▪▪▪▪ ▪▪▪▪▪▪ ▪▪ ▪▪▪▪ ▪▪▪▪▪ ▪▪▪ ▪▪▪▪ ▪▪▪▪ ▪▪▪▪▪ ▪▪▪ ▪▪▪▪ ▪▪▪ ▪▪▪▪▪ ▪▪▪ ▪▪▪▪ ▪▪▪▪▪▪ ▪▪ ▪▪▪▪ ▪▪▪▪▪ ▪▪▪ ▪▪▪▪ ▪▪▪▪ ▪▪▪▪▪ ▪▪▪ ▪▪▪▪ ▪▪▪ ▪▪▪▪▪ ▪▪▪ ▪▪▪▪ ▪▪▪▪▪▪ ▪▪ ▪▪▪▪ ▪▪▪▪▪ ▪▪▪ ▪▪▪▪ ▪▪▪▪ ▪▪▪▪▪ ▪▪▪ ▪▪▪▪ ▪▪▪ ▪▪▪▪▪ ▪▪▪ ▪▪▪▪ ▪▪▪▪▪▪ ▪▪ ▪▪▪▪ ▪▪▪▪▪ ▪▪▪ ▪▪▪▪ ▪▪▪▪ ▪▪▪▪▪ ▪▪▪
▪▪▪▪ ▪▪▪ ▪▪▪▪▪ ▪▪▪ ▪▪▪▪ ▪▪▪▪▪▪ ▪▪ ▪▪▪▪ ▪▪▪▪▪ ▪▪▪ ▪▪▪▪ ▪▪▪▪ ▪▪▪▪▪ ▪▪▪ ▪▪▪▪ ▪▪▪ ▪▪▪▪▪ ▪▪▪ ▪▪▪▪ ▪▪▪▪▪▪ ▪▪ ▪▪▪▪ ▪▪▪▪▪ ▪▪▪ ▪▪▪▪ ▪▪▪▪ ▪▪▪▪▪ ▪▪▪ ▪▪▪▪ ▪▪▪ ▪▪▪▪▪ ▪▪▪ ▪▪▪▪ ▪▪▪▪▪▪ ▪▪ ▪▪▪▪ ▪▪▪▪▪ ▪▪▪ ▪▪▪▪ ▪▪▪▪ ▪▪▪▪▪ ▪▪▪ ▪▪▪▪ ▪▪▪ ▪▪▪▪▪ ▪▪▪ ▪▪▪▪ ▪▪▪▪▪▪ ▪▪ ▪▪▪▪ ▪▪▪▪▪ ▪▪▪ ▪▪▪▪ ▪▪▪▪ ▪▪▪▪▪ ▪▪▪
▪▪▪▪ ▪▪▪ ▪▪▪▪▪ ▪▪▪ ▪▪▪▪ ▪▪▪▪▪▪ ▪▪ ▪▪▪▪ ▪▪▪▪▪ ▪▪▪ ▪▪▪▪ ▪▪▪▪ ▪▪▪▪▪ ▪▪▪ ▪▪▪▪ ▪▪▪ ▪▪▪▪▪ ▪▪▪ ▪▪▪▪ ▪▪▪▪▪▪ ▪▪ ▪▪▪▪ ▪▪▪▪▪ ▪▪▪ ▪▪▪▪ ▪▪▪▪ ▪▪▪▪▪ ▪▪▪ ▪▪▪▪ ▪▪▪ ▪▪▪▪▪ ▪▪▪ ▪▪▪▪ ▪▪▪▪▪▪ ▪▪ ▪▪▪▪ ▪▪▪▪▪ ▪▪▪ ▪▪▪▪ ▪▪▪▪ ▪▪▪▪▪ ▪▪▪ ▪▪▪▪ ▪▪▪ ▪▪▪▪▪ ▪▪▪ ▪▪▪▪ ▪▪▪▪▪▪ ▪▪ ▪▪▪▪ ▪▪▪▪▪ ▪▪▪ ▪▪▪▪ ▪▪▪▪ ▪▪▪▪▪ ▪▪▪ ▪▪▪▪ ▪▪▪ ▪▪▪▪▪ ▪▪▪ ▪▪▪▪ ▪▪▪▪▪▪ ▪▪ ▪▪▪▪ ▪▪▪▪▪ ▪▪▪ ▪▪▪▪ ▪▪▪▪ ▪▪▪▪▪ ▪▪▪
▪▪▪▪ ▪▪▪ ▪▪▪▪▪ ▪▪▪ ▪▪▪▪ ▪▪▪▪▪▪ ▪▪ ▪▪▪▪ ▪▪▪▪▪ ▪▪▪ ▪▪▪▪ ▪▪▪▪ ▪▪▪▪▪ ▪▪▪ ▪▪▪▪ ▪▪▪ ▪▪▪▪▪ ▪▪▪ ▪▪▪▪ ▪▪▪▪▪▪ ▪▪ ▪▪▪▪ ▪▪▪▪▪ ▪▪▪ ▪▪▪▪ ▪▪▪▪ ▪▪▪▪▪ ▪▪▪ ▪▪▪▪ ▪▪▪ ▪▪▪▪▪ ▪▪▪ ▪▪▪▪ ▪▪▪▪▪▪ ▪▪ ▪▪▪▪ ▪▪▪▪▪ ▪▪▪ ▪▪▪▪ ▪▪▪▪ ▪▪▪▪▪ ▪▪▪ ▪▪▪▪ ▪▪▪ ▪▪▪▪▪ ▪▪▪ ▪▪▪▪ ▪▪▪▪▪▪ ▪▪ ▪▪▪▪ ▪▪▪▪▪ ▪▪▪ ▪▪▪▪ ▪▪▪▪ ▪▪▪▪▪ ▪▪▪ ▪▪▪▪ ▪▪▪ ▪▪▪▪▪ ▪▪▪ ▪▪▪▪ ▪▪▪▪▪▪ ▪▪ ▪▪▪▪ ▪▪▪▪▪ ▪▪▪ ▪▪▪▪ ▪▪▪▪ ▪▪▪▪▪ ▪▪▪ ▪▪▪▪ ▪▪▪ ▪▪▪▪▪ ▪▪▪ ▪▪▪▪ ▪▪▪▪▪▪ ▪▪ ▪▪▪▪ ▪▪▪▪▪ ▪▪▪ ▪▪▪▪ ▪▪▪▪ ▪▪▪▪▪ ▪▪▪
▪▪▪▪ ▪▪▪ ▪▪▪▪▪ ▪▪▪ ▪▪▪▪ ▪▪▪▪▪▪ ▪▪ ▪▪▪▪ ▪▪▪▪▪ ▪▪▪ ▪▪▪▪ ▪▪▪▪ ▪▪▪▪▪ ▪▪▪ ▪▪▪▪ ▪▪▪ ▪▪▪▪▪ ▪▪▪ ▪▪▪▪ ▪▪▪▪▪▪ ▪▪ ▪▪▪▪ ▪▪▪▪▪ ▪▪▪ ▪▪▪▪ ▪▪▪▪ ▪▪▪▪▪ ▪▪▪ ▪▪▪▪ ▪▪▪ ▪▪▪▪▪ ▪▪▪ ▪▪▪▪ ▪▪▪▪▪▪ ▪▪ ▪▪▪▪ ▪▪▪▪▪ ▪▪▪ ▪▪▪▪ ▪▪▪▪ ▪▪▪▪▪ ▪▪▪ ▪▪▪▪ ▪▪▪ ▪▪▪▪▪ ▪▪▪ ▪▪▪▪ ▪▪▪▪▪▪ ▪▪ ▪▪▪▪ ▪▪▪▪▪ ▪▪▪ ▪▪▪▪ ▪▪▪▪ ▪▪▪▪▪ ▪▪▪
▪▪▪▪ ▪▪▪ ▪▪▪▪▪ ▪▪▪ ▪▪▪▪ ▪▪▪▪▪▪ ▪▪ ▪▪▪▪ ▪▪▪▪▪ ▪▪▪ ▪▪▪▪ ▪▪▪▪ ▪▪▪▪▪ ▪▪▪ ▪▪▪▪ ▪▪▪ ▪▪▪▪▪ ▪▪▪ ▪▪▪▪ ▪▪▪▪▪▪ ▪▪ ▪▪▪▪ ▪▪▪▪▪ ▪▪▪ ▪▪▪▪ ▪▪▪▪ ▪▪▪▪▪ ▪▪▪ ▪▪▪▪ ▪▪▪ ▪▪▪▪▪ ▪▪▪ ▪▪▪▪ ▪▪▪▪▪▪ ▪▪ ▪▪▪▪ ▪▪▪▪▪ ▪▪▪ ▪▪▪▪ ▪▪▪▪ ▪▪▪▪▪ ▪▪▪ ▪▪▪▪ ▪▪▪ ▪▪▪▪▪ ▪▪▪ ▪▪▪▪ ▪▪▪▪▪▪ ▪▪ ▪▪▪▪ ▪▪▪▪▪ ▪▪▪ ▪▪▪▪ ▪▪▪▪ ▪▪▪▪▪ ▪▪▪ ▪▪▪▪ ▪▪▪ ▪▪▪▪▪ ▪▪▪ ▪▪▪▪ ▪▪▪▪▪▪ ▪▪ ▪▪▪▪ ▪▪▪▪▪ ▪▪▪ ▪▪▪▪ ▪▪▪▪ ▪▪▪▪▪ ▪▪▪
▪▪▪▪ ▪▪▪ ▪▪▪▪▪ ▪▪▪ ▪▪▪▪ ▪▪▪▪▪▪ ▪▪ ▪▪▪▪ ▪▪▪▪▪ ▪▪▪ ▪▪▪▪ ▪▪▪▪ ▪▪▪▪▪ ▪▪▪ ▪▪▪▪ ▪▪▪ ▪▪▪▪▪ ▪▪▪ ▪▪▪▪ ▪▪▪▪▪▪ ▪▪ ▪▪▪▪ ▪▪▪▪▪ ▪▪▪ ▪▪▪▪ ▪▪▪▪ ▪▪▪▪▪ ▪▪▪ ▪▪▪▪ ▪▪▪ ▪▪▪▪▪ ▪▪▪ ▪▪▪▪ ▪▪▪▪▪▪ ▪▪ ▪▪▪▪ ▪▪▪▪▪ ▪▪▪ ▪▪▪▪ ▪▪▪▪ ▪▪▪▪▪ ▪▪▪ ▪▪▪▪ ▪▪▪ ▪▪▪▪▪ ▪▪▪ ▪▪▪▪ ▪▪▪▪▪▪ ▪▪ ▪▪▪▪ ▪▪▪▪▪ ▪▪▪ ▪▪▪▪ ▪▪▪▪ ▪▪▪▪▪ ▪▪▪ ▪▪▪▪ ▪▪▪ ▪▪▪▪▪ ▪▪▪ ▪▪▪▪ ▪▪▪▪▪▪ ▪▪ ▪▪▪▪ ▪▪▪▪▪ ▪▪▪ ▪▪▪▪ ▪▪▪▪ ▪▪▪▪▪ ▪▪▪ ▪▪▪▪ ▪▪▪ ▪▪▪▪▪ ▪▪▪ ▪▪▪▪ ▪▪▪▪▪▪ ▪▪ ▪▪▪▪ ▪▪▪▪▪ ▪▪▪ ▪▪▪▪ ▪▪▪▪ ▪▪▪▪▪ ▪▪▪
▪▪▪▪ ▪▪▪ ▪▪▪▪▪ ▪▪▪ ▪▪▪▪ ▪▪▪▪▪▪ ▪▪ ▪▪▪▪ ▪▪▪▪▪ ▪▪▪ ▪▪▪▪ ▪▪▪▪ ▪▪▪▪▪ ▪▪▪ ▪▪▪▪ ▪▪▪ ▪▪▪▪▪ ▪▪▪ ▪▪▪▪ ▪▪▪▪▪▪ ▪▪ ▪▪▪▪ ▪▪▪▪▪ ▪▪▪ ▪▪▪▪ ▪▪▪▪ ▪▪▪▪▪ ▪▪▪ ▪▪▪▪ ▪▪▪ ▪▪▪▪▪ ▪▪▪ ▪▪▪▪ ▪▪▪▪▪▪ ▪▪ ▪▪▪▪ ▪▪▪▪▪ ▪▪▪ ▪▪▪▪ ▪▪▪▪ ▪▪▪▪▪ ▪▪▪ ▪▪▪▪ ▪▪▪ ▪▪▪▪▪ ▪▪▪ ▪▪▪▪ ▪▪▪▪▪▪ ▪▪ ▪▪▪▪ ▪▪▪▪▪ ▪▪▪ ▪▪▪▪ ▪▪▪▪ ▪▪▪▪▪ ▪▪▪
▪▪▪▪ ▪▪▪ ▪▪▪▪▪ ▪▪▪ ▪▪▪▪ ▪▪▪▪▪▪ ▪▪ ▪▪▪▪ ▪▪▪▪▪ ▪▪▪ ▪▪▪▪ ▪▪▪▪ ▪▪▪▪▪ ▪▪▪ ▪▪▪▪ ▪▪▪ ▪▪▪▪▪ ▪▪▪ ▪▪▪▪ ▪▪▪▪▪▪ ▪▪ ▪▪▪▪ ▪▪▪▪▪ ▪▪▪ ▪▪▪▪ ▪▪▪▪ ▪▪▪▪▪ ▪▪▪ ▪▪▪▪ ▪▪▪ ▪▪▪▪▪ ▪▪▪ ▪▪▪▪ ▪▪▪▪▪▪ ▪▪ ▪▪▪▪ ▪▪▪▪▪ ▪▪▪ ▪▪▪▪ ▪▪▪▪ ▪▪▪▪▪ ▪▪▪ ▪▪▪▪ ▪▪▪ ▪▪▪▪▪ ▪▪▪ ▪▪▪▪ ▪▪▪▪▪▪ ▪▪ ▪▪▪▪ ▪▪▪▪▪ ▪▪▪ ▪▪▪▪ ▪▪▪▪ ▪▪▪▪▪ ▪▪▪ ▪▪▪▪ ▪▪▪ ▪▪▪▪▪ ▪▪▪ ▪▪▪▪ ▪▪▪▪▪▪ ▪▪ ▪▪▪▪ ▪▪▪▪▪ ▪▪▪ ▪▪▪▪ ▪▪▪▪ ▪▪▪▪▪ ▪▪▪
▪▪▪▪ ▪▪▪ ▪▪▪▪▪ ▪▪▪ ▪▪▪▪ ▪▪▪▪▪▪ ▪▪ ▪▪▪▪ ▪▪▪▪▪ ▪▪▪ ▪▪▪▪ ▪▪▪▪ ▪▪▪▪▪ ▪▪▪ ▪▪▪▪ ▪▪▪ ▪▪▪▪▪ ▪▪▪ ▪▪▪▪ ▪▪▪▪▪▪ ▪▪ ▪▪▪▪ ▪▪▪▪▪ ▪▪▪ ▪▪▪▪ ▪▪▪▪ ▪▪▪▪▪ ▪▪▪ ▪▪▪▪ ▪▪▪ ▪▪▪▪▪ ▪▪▪ ▪▪▪▪ ▪▪▪▪▪▪ ▪▪ ▪▪▪▪ ▪▪▪▪▪ ▪▪▪ ▪▪▪▪ ▪▪▪▪ ▪▪▪▪▪ ▪▪▪ ▪▪▪▪ ▪▪▪ ▪▪▪▪▪ ▪▪▪ ▪▪▪▪ ▪▪▪▪▪▪ ▪▪ ▪▪▪▪ ▪▪▪▪▪ ▪▪▪ ▪▪▪▪ ▪▪▪▪ ▪▪▪▪▪ ▪▪▪ ▪▪▪▪ ▪▪▪ ▪▪▪▪▪ ▪▪▪ ▪▪▪▪ ▪▪▪▪▪▪ ▪▪ ▪▪▪▪ ▪▪▪▪▪ ▪▪▪ ▪▪▪▪ ▪▪▪▪ ▪▪▪▪▪ ▪▪▪ ▪▪▪▪ ▪▪▪ ▪▪▪▪▪ ▪▪▪ ▪▪▪▪ ▪▪▪▪▪▪ ▪▪ ▪▪▪▪ ▪▪▪▪▪ ▪▪▪ ▪▪▪▪ ▪▪▪▪ ▪▪▪▪▪ ▪▪▪
▪▪▪▪ ▪▪▪ ▪▪▪▪▪ ▪▪▪ ▪▪▪▪ ▪▪▪▪▪▪ ▪▪ ▪▪▪▪ ▪▪▪▪▪ ▪▪▪ ▪▪▪▪ ▪▪▪▪ ▪▪▪▪▪ ▪▪▪ ▪▪▪▪ ▪▪▪ ▪▪▪▪▪ ▪▪▪ ▪▪▪▪ ▪▪▪▪▪▪ ▪▪ ▪▪▪▪ ▪▪▪▪▪ ▪▪▪ ▪▪▪▪ ▪▪▪▪ ▪▪▪▪▪ ▪▪▪ ▪▪▪▪ ▪▪▪ ▪▪▪▪▪ ▪▪▪ ▪▪▪▪ ▪▪▪▪▪▪ ▪▪ ▪▪▪▪ ▪▪▪▪▪ ▪▪▪ ▪▪▪▪ ▪▪▪▪ ▪▪▪▪▪ ▪▪▪ ▪▪▪▪ ▪▪▪ ▪▪▪▪▪ ▪▪▪ ▪▪▪▪ ▪▪▪▪▪▪ ▪▪ ▪▪▪▪ ▪▪▪▪▪ ▪▪▪ ▪▪▪▪ ▪▪▪▪ ▪▪▪▪▪ ▪▪▪
▪▪▪▪ ▪▪▪ ▪▪▪▪▪ ▪▪▪ ▪▪▪▪ ▪▪▪▪▪▪ ▪▪ ▪▪▪▪ ▪▪▪▪▪ ▪▪▪ ▪▪▪▪ ▪▪▪▪ ▪▪▪▪▪ ▪▪▪ ▪▪▪▪ ▪▪▪ ▪▪▪▪▪ ▪▪▪ ▪▪▪▪ ▪▪▪▪▪▪ ▪▪ ▪▪▪▪ ▪▪▪▪▪ ▪▪▪ ▪▪▪▪ ▪▪▪▪ ▪▪▪▪▪ ▪▪▪ ▪▪▪▪ ▪▪▪ ▪▪▪▪▪ ▪▪▪ ▪▪▪▪ ▪▪▪▪▪▪ ▪▪ ▪▪▪▪ ▪▪▪▪▪ ▪▪▪ ▪▪▪▪ ▪▪▪▪ ▪▪▪▪▪ ▪▪▪ ▪▪▪▪ ▪▪▪ ▪▪▪▪▪ ▪▪▪ ▪▪▪▪ ▪▪▪▪▪▪ ▪▪ ▪▪▪▪ ▪▪▪▪▪ ▪▪▪ ▪▪▪▪ ▪▪▪▪ ▪▪▪▪▪ ▪▪▪ ▪▪▪▪ ▪▪▪ ▪▪▪▪▪ ▪▪▪ ▪▪▪▪ ▪▪▪▪▪▪ ▪▪ ▪▪▪▪ ▪▪▪▪▪ ▪▪▪ ▪▪▪▪ ▪▪▪▪ ▪▪▪▪▪ ▪▪▪
▪▪▪▪ ▪▪▪ ▪▪▪▪▪ ▪▪▪ ▪▪▪▪ ▪▪▪▪▪▪ ▪▪ ▪▪▪▪ ▪▪▪▪▪ ▪▪▪ ▪▪▪▪ ▪▪▪▪ ▪▪▪▪▪ ▪▪▪ ▪▪▪▪ ▪▪▪ ▪▪▪▪▪ ▪▪▪ ▪▪▪▪ ▪▪▪▪▪▪ ▪▪ ▪▪▪▪ ▪▪▪▪▪ ▪▪▪ ▪▪▪▪ ▪▪▪▪ ▪▪▪▪▪ ▪▪▪ ▪▪▪▪ ▪▪▪ ▪▪▪▪▪ ▪▪▪ ▪▪▪▪ ▪▪▪▪▪▪ ▪▪ ▪▪▪▪ ▪▪▪▪▪ ▪▪▪ ▪▪▪▪ ▪▪▪▪ ▪▪▪▪▪ ▪▪▪ ▪▪▪▪ ▪▪▪ ▪▪▪▪▪ ▪▪▪ ▪▪▪▪ ▪▪▪▪▪▪ ▪▪ ▪▪▪▪ ▪▪▪▪▪ ▪▪▪ ▪▪▪▪ ▪▪▪▪ ▪▪▪▪▪ ▪▪▪ ▪▪▪▪ ▪▪▪ ▪▪▪▪▪ ▪▪▪ ▪▪▪▪ ▪▪▪▪▪▪ ▪▪ ▪▪▪▪ ▪▪▪▪▪ ▪▪▪ ▪▪▪▪ ▪▪▪▪ ▪▪▪▪▪ ▪▪▪ ▪▪▪▪ ▪▪▪ ▪▪▪▪▪ ▪▪▪ ▪▪▪▪ ▪▪▪▪▪▪ ▪▪ ▪▪▪▪ ▪▪▪▪▪ ▪▪▪ ▪▪▪▪ ▪▪▪▪ ▪▪▪▪▪ ▪▪▪
▪▪▪▪ ▪▪▪ ▪▪▪▪▪ ▪▪▪ ▪▪▪▪ ▪▪▪▪▪▪ ▪▪ ▪▪▪▪ ▪▪▪▪▪ ▪▪▪ ▪▪▪▪ ▪▪▪▪ ▪▪▪▪▪ ▪▪▪ ▪▪▪▪ ▪▪▪ ▪▪▪▪▪ ▪▪▪ ▪▪▪▪ ▪▪▪▪▪▪ ▪▪ ▪▪▪▪ ▪▪▪▪▪ ▪▪▪ ▪▪▪▪ ▪▪▪▪ ▪▪▪▪▪ ▪▪▪ ▪▪▪▪ ▪▪▪ ▪▪▪▪▪ ▪▪▪ ▪▪▪▪ ▪▪▪▪▪▪ ▪▪ ▪▪▪▪ ▪▪▪▪▪ ▪▪▪ ▪▪▪▪ ▪▪▪▪ ▪▪▪▪▪ ▪▪▪ ▪▪▪▪ ▪▪▪ ▪▪▪▪▪ ▪▪▪ ▪▪▪▪ ▪▪▪▪▪▪ ▪▪ ▪▪▪▪ ▪▪▪▪▪ ▪▪▪ ▪▪▪▪ ▪▪▪▪ ▪▪▪▪▪ ▪▪▪
▪▪▪▪ ▪▪▪ ▪▪▪▪▪ ▪▪▪ ▪▪▪▪ ▪▪▪▪▪▪ ▪▪ ▪▪▪▪ ▪▪▪▪▪ ▪▪▪ ▪▪▪▪ ▪▪▪▪ ▪▪▪▪▪ ▪▪▪ ▪▪▪▪ ▪▪▪ ▪▪▪▪▪ ▪▪▪ ▪▪▪▪ ▪▪▪▪▪▪ ▪▪ ▪▪▪▪ ▪▪▪▪▪ ▪▪▪ ▪▪▪▪ ▪▪▪▪ ▪▪▪▪▪ ▪▪▪ ▪▪▪▪ ▪▪▪ ▪▪▪▪▪ ▪▪▪ ▪▪▪▪ ▪▪▪▪▪▪ ▪▪ ▪▪▪▪ ▪▪▪▪▪ ▪▪▪ ▪▪▪▪ ▪▪▪▪ ▪▪▪▪▪ ▪▪▪ ▪▪▪▪ ▪▪▪ ▪▪▪▪▪ ▪▪▪ ▪▪▪▪ ▪▪▪▪▪▪ ▪▪ ▪▪▪▪ ▪▪▪▪▪ ▪▪▪ ▪▪▪▪ ▪▪▪▪ ▪▪▪▪▪ ▪▪▪ ▪▪▪▪ ▪▪▪ ▪▪▪▪▪ ▪▪▪ ▪▪▪▪ ▪▪▪▪▪▪ ▪▪ ▪▪▪▪ ▪▪▪▪▪ ▪▪▪ ▪▪▪▪ ▪▪▪▪ ▪▪▪▪▪ ▪▪▪
▪▪▪▪ ▪▪▪ ▪▪▪▪▪ ▪▪▪ ▪▪▪▪ ▪▪▪▪▪▪ ▪▪ ▪▪▪▪ ▪▪▪▪▪ ▪▪▪ ▪▪▪▪ ▪▪▪▪ ▪▪▪▪▪ ▪▪▪ ▪▪▪▪ ▪▪▪ ▪▪▪▪▪ ▪▪▪ ▪▪▪▪ ▪▪▪▪▪▪ ▪▪ ▪▪▪▪ ▪▪▪▪▪ ▪▪▪ ▪▪▪▪ ▪▪▪▪ ▪▪▪▪▪ ▪▪▪ ▪▪▪▪ ▪▪▪ ▪▪▪▪▪ ▪▪▪ ▪▪▪▪ ▪▪▪▪▪▪ ▪▪ ▪▪▪▪ ▪▪▪▪▪ ▪▪▪ ▪▪▪▪ ▪▪▪▪ ▪▪▪▪▪ ▪▪▪ ▪▪▪▪ ▪▪▪ ▪▪▪▪▪ ▪▪▪ ▪▪▪▪ ▪▪▪▪▪▪ ▪▪ ▪▪▪▪ ▪▪▪▪▪ ▪▪▪ ▪▪▪▪ ▪▪▪▪ ▪▪▪▪▪ ▪▪▪ ▪▪▪▪ ▪▪▪ ▪▪▪▪▪ ▪▪▪ ▪▪▪▪ ▪▪▪▪▪▪ ▪▪ ▪▪▪▪ ▪▪▪▪▪ ▪▪▪ ▪▪▪▪ ▪▪▪▪ ▪▪▪▪▪ ▪▪▪ ▪▪▪▪ ▪▪▪ ▪▪▪▪▪ ▪▪▪ ▪▪▪▪ ▪▪▪▪▪▪ ▪▪ ▪▪▪▪ ▪▪▪▪▪ ▪▪▪ ▪▪▪▪ ▪▪▪▪ ▪▪▪▪▪ ▪▪▪
▪▪▪▪ ▪▪▪ ▪▪▪▪▪ ▪▪▪ ▪▪▪▪ ▪▪▪▪▪▪ ▪▪ ▪▪▪▪ ▪▪▪▪▪ ▪▪▪ ▪▪▪▪ ▪▪▪▪ ▪▪▪▪▪ ▪▪▪ ▪▪▪▪ ▪▪▪ ▪▪▪▪▪ ▪▪▪ ▪▪▪▪ ▪▪▪▪▪▪ ▪▪ ▪▪▪▪ ▪▪▪▪▪ ▪▪▪ ▪▪▪▪ ▪▪▪▪ ▪▪▪▪▪ ▪▪▪ ▪▪▪▪ ▪▪▪ ▪▪▪▪▪ ▪▪▪ ▪▪▪▪ ▪▪▪▪▪▪ ▪▪ ▪▪▪▪ ▪▪▪▪▪ ▪▪▪ ▪▪▪▪ ▪▪▪▪ ▪▪▪▪▪ ▪▪▪ ▪▪▪▪ ▪▪▪ ▪▪▪▪▪ ▪▪▪ ▪▪▪▪ ▪▪▪▪▪▪ ▪▪ ▪▪▪▪ ▪▪▪▪▪ ▪▪▪ ▪▪▪▪ ▪▪▪▪ ▪▪▪▪▪ ▪▪▪
▪▪▪▪ ▪▪▪ ▪▪▪▪▪ ▪▪▪ ▪▪▪▪ ▪▪▪▪▪▪ ▪▪ ▪▪▪▪ ▪▪▪▪▪ ▪▪▪ ▪▪▪▪ ▪▪▪▪ ▪▪▪▪▪ ▪▪▪ ▪▪▪▪ ▪▪▪ ▪▪▪▪▪ ▪▪▪ ▪▪▪▪ ▪▪▪▪▪▪ ▪▪ ▪▪▪▪ ▪▪▪▪▪ ▪▪▪ ▪▪▪▪ ▪▪▪▪ ▪▪▪▪▪ ▪▪▪ ▪▪▪▪ ▪▪▪ ▪▪▪▪▪ ▪▪▪ ▪▪▪▪ ▪▪▪▪▪▪ ▪▪ ▪▪▪▪ ▪▪▪▪▪ ▪▪▪ ▪▪▪▪ ▪▪▪▪ ▪▪▪▪▪ ▪▪▪ ▪▪▪▪ ▪▪▪ ▪▪▪▪▪ ▪▪▪ ▪▪▪▪ ▪▪▪▪▪▪ ▪▪ ▪▪▪▪ ▪▪▪▪▪ ▪▪▪ ▪▪▪▪ ▪▪▪▪ ▪▪▪▪▪ ▪▪▪ ▪▪▪▪ ▪▪▪ ▪▪▪▪▪ ▪▪▪ ▪▪▪▪ ▪▪▪▪▪▪ ▪▪ ▪▪▪▪ ▪▪▪▪▪ ▪▪▪ ▪▪▪▪ ▪▪▪▪ ▪▪▪▪▪ ▪▪▪
▪▪▪▪ ▪▪▪ ▪▪▪▪▪ ▪▪▪ ▪▪▪▪ ▪▪▪▪▪▪ ▪▪ ▪▪▪▪ ▪▪▪▪▪ ▪▪▪ ▪▪▪▪ ▪▪▪▪ ▪▪▪▪▪ ▪▪▪ ▪▪▪▪ ▪▪▪ ▪▪▪▪▪ ▪▪▪ ▪▪▪▪ ▪▪▪▪▪▪ ▪▪ ▪▪▪▪ ▪▪▪▪▪ ▪▪▪ ▪▪▪▪ ▪▪▪▪ ▪▪▪▪▪ ▪▪▪ ▪▪▪▪ ▪▪▪ ▪▪▪▪▪ ▪▪▪ ▪▪▪▪ ▪▪▪▪▪▪ ▪▪ ▪▪▪▪ ▪▪▪▪▪ ▪▪▪ ▪▪▪▪ ▪▪▪▪ ▪▪▪▪▪ ▪▪▪ ▪▪▪▪ ▪▪▪ ▪▪▪▪▪ ▪▪▪ ▪▪▪▪ ▪▪▪▪▪▪ ▪▪ ▪▪▪▪ ▪▪▪▪▪ ▪▪▪ ▪▪▪▪ ▪▪▪▪ ▪▪▪▪▪ ▪▪▪ ▪▪▪▪ ▪▪▪ ▪▪▪▪▪ ▪▪▪ ▪▪▪▪ ▪▪▪▪▪▪ ▪▪ ▪▪▪▪ ▪▪▪▪▪ ▪▪▪ ▪▪▪▪ ▪▪▪▪ ▪▪▪▪▪ ▪▪▪ ▪▪▪▪ ▪▪▪ ▪▪▪▪▪ ▪▪▪ ▪▪▪▪ ▪▪▪▪▪▪ ▪▪ ▪▪▪▪ ▪▪▪▪▪ ▪▪▪ ▪▪▪▪ ▪▪▪▪ ▪▪▪▪▪ ▪▪▪
▪▪▪▪ ▪▪▪ ▪▪▪▪▪ ▪▪▪ ▪▪▪▪ ▪▪▪▪▪▪ ▪▪ ▪▪▪▪ ▪▪▪▪▪ ▪▪▪ ▪▪▪▪ ▪▪▪▪ ▪▪▪▪▪ ▪▪▪ ▪▪▪▪ ▪▪▪ ▪▪▪▪▪ ▪▪▪ ▪▪▪▪ ▪▪▪▪▪▪ ▪▪ ▪▪▪▪ ▪▪▪▪▪ ▪▪▪ ▪▪▪▪ ▪▪▪▪ ▪▪▪▪▪ ▪▪▪ ▪▪▪▪ ▪▪▪ ▪▪▪▪▪ ▪▪▪ ▪▪▪▪ ▪▪▪▪▪▪ ▪▪ ▪▪▪▪ ▪▪▪▪▪ ▪▪▪ ▪▪▪▪ ▪▪▪▪ ▪▪▪▪▪ ▪▪▪ ▪▪▪▪ ▪▪▪ ▪▪▪▪▪ ▪▪▪ ▪▪▪▪ ▪▪▪▪▪▪ ▪▪ ▪▪▪▪ ▪▪▪▪▪ ▪▪▪ ▪▪▪▪ ▪▪▪▪ ▪▪▪▪▪ ▪▪▪
▪▪▪▪ ▪▪▪ ▪▪▪▪▪ ▪▪▪ ▪▪▪▪ ▪▪▪▪▪▪ ▪▪ ▪▪▪▪ ▪▪▪▪▪ ▪▪▪ ▪▪▪▪ ▪▪▪▪ ▪▪▪▪▪ ▪▪▪ ▪▪▪▪ ▪▪▪ ▪▪▪▪▪ ▪▪▪ ▪▪▪▪ ▪▪▪▪▪▪ ▪▪ ▪▪▪▪ ▪▪▪▪▪ ▪▪▪ ▪▪▪▪ ▪▪▪▪ ▪▪▪▪▪ ▪▪▪ ▪▪▪▪ ▪▪▪ ▪▪▪▪▪ ▪▪▪ ▪▪▪▪ ▪▪▪▪▪▪ ▪▪ ▪▪▪▪ ▪▪▪▪▪ ▪▪▪ ▪▪▪▪ ▪▪▪▪ ▪▪▪▪▪ ▪▪▪ ▪▪▪▪ ▪▪▪ ▪▪▪▪▪ ▪▪▪ ▪▪▪▪ ▪▪▪▪▪▪ ▪▪ ▪▪▪▪ ▪▪▪▪▪ ▪▪▪ ▪▪▪▪ ▪▪▪▪ ▪▪▪▪▪ ▪▪▪ ▪▪▪▪ ▪▪▪ ▪▪▪▪▪ ▪▪▪ ▪▪▪▪ ▪▪▪▪▪▪ ▪▪ ▪▪▪▪ ▪▪▪▪▪ ▪▪▪ ▪▪▪▪ ▪▪▪▪ ▪▪▪▪▪ ▪▪▪
▪▪▪▪ ▪▪▪ ▪▪▪▪▪ ▪▪▪ ▪▪▪▪ ▪▪▪▪▪▪ ▪▪ ▪▪▪▪ ▪▪▪▪▪ ▪▪▪ ▪▪▪▪ ▪▪▪▪ ▪▪▪▪▪ ▪▪▪ ▪▪▪▪ ▪▪▪ ▪▪▪▪▪ ▪▪▪ ▪▪▪▪ ▪▪▪▪▪▪ ▪▪ ▪▪▪▪ ▪▪▪▪▪ ▪▪▪ ▪▪▪▪ ▪▪▪▪ ▪▪▪▪▪ ▪▪▪ ▪▪▪▪ ▪▪▪ ▪▪▪▪▪ ▪▪▪ ▪▪▪▪ ▪▪▪▪▪▪ ▪▪ ▪▪▪▪ ▪▪▪▪▪ ▪▪▪ ▪▪▪▪ ▪▪▪▪ ▪▪▪▪▪ ▪▪▪ ▪▪▪▪ ▪▪▪ ▪▪▪▪▪ ▪▪▪ ▪▪▪▪ ▪▪▪▪▪▪ ▪▪ ▪▪▪▪ ▪▪▪▪▪ ▪▪▪ ▪▪▪▪ ▪▪▪▪ ▪▪▪▪▪ ▪▪▪ ▪▪▪▪ ▪▪▪ ▪▪▪▪▪ ▪▪▪ ▪▪▪▪ ▪▪▪▪▪▪ ▪▪ ▪▪▪▪ ▪▪▪▪▪ ▪▪▪ ▪▪▪▪ ▪▪▪▪ ▪▪▪▪▪ ▪▪▪ ▪▪▪▪ ▪▪▪ ▪▪▪▪▪ ▪▪▪ ▪▪▪▪ ▪▪▪▪▪▪ ▪▪ ▪▪▪▪ ▪▪▪▪▪ ▪▪▪ ▪▪▪▪ ▪▪▪▪ ▪▪▪▪▪ ▪▪▪
▪▪▪▪ ▪▪▪ ▪▪▪▪▪ ▪▪▪ ▪▪▪▪ ▪▪▪▪▪▪ ▪▪ ▪▪▪▪ ▪▪▪▪▪ ▪▪▪ ▪▪▪▪ ▪▪▪▪ ▪▪▪▪▪ ▪▪▪ ▪▪▪▪ ▪▪▪ ▪▪▪▪▪ ▪▪▪ ▪▪▪▪ ▪▪▪▪▪▪ ▪▪ ▪▪▪▪ ▪▪▪▪▪ ▪▪▪ ▪▪▪▪ ▪▪▪▪ ▪▪▪▪▪ ▪▪▪ ▪▪▪▪ ▪▪▪ ▪▪▪▪▪ ▪▪▪ ▪▪▪▪ ▪▪▪▪▪▪ ▪▪ ▪▪▪▪ ▪▪▪▪▪ ▪▪▪ ▪▪▪▪ ▪▪▪▪ ▪▪▪▪▪ ▪▪▪ ▪▪▪▪ ▪▪▪ ▪▪▪▪▪ ▪▪▪ ▪▪▪▪ ▪▪▪▪▪▪ ▪▪ ▪▪▪▪ ▪▪▪▪▪ ▪▪▪ ▪▪▪▪ ▪▪▪▪ ▪▪▪▪▪ ▪▪▪
▪▪▪▪ ▪▪▪ ▪▪▪▪▪ ▪▪▪ ▪▪▪▪ ▪▪▪▪▪▪ ▪▪ ▪▪▪▪ ▪▪▪▪▪ ▪▪▪ ▪▪▪▪ ▪▪▪▪ ▪▪▪▪▪ ▪▪▪ ▪▪▪▪ ▪▪▪ ▪▪▪▪▪ ▪▪▪ ▪▪▪▪ ▪▪▪▪▪▪ ▪▪ ▪▪▪▪ ▪▪▪▪▪ ▪▪▪ ▪▪▪▪ ▪▪▪▪ ▪▪▪▪▪ ▪▪▪ ▪▪▪▪ ▪▪▪ ▪▪▪▪▪ ▪▪▪ ▪▪▪▪ ▪▪▪▪▪▪ ▪▪ ▪▪▪▪ ▪▪▪▪▪ ▪▪▪ ▪▪▪▪ ▪▪▪▪ ▪▪▪▪▪ ▪▪▪ ▪▪▪▪ ▪▪▪ ▪▪▪▪▪ ▪▪▪ ▪▪▪▪ ▪▪▪▪▪▪ ▪▪ ▪▪▪▪ ▪▪▪▪▪ ▪▪▪ ▪▪▪▪ ▪▪▪▪ ▪▪▪▪▪ ▪▪▪ ▪▪▪▪ ▪▪▪ ▪▪▪▪▪ ▪▪▪ ▪▪▪▪ ▪▪▪▪▪▪ ▪▪ ▪▪▪▪ ▪▪▪▪▪ ▪▪▪ ▪▪▪▪ ▪▪▪▪ ▪▪▪▪▪ ▪▪▪
▪▪▪▪ ▪▪▪ ▪▪▪▪▪ ▪▪▪ ▪▪▪▪ ▪▪▪▪▪▪ ▪▪ ▪▪▪▪ ▪▪▪▪▪ ▪▪▪ ▪▪▪▪ ▪▪▪▪ ▪▪▪▪▪ ▪▪▪ ▪▪▪▪ ▪▪▪ ▪▪▪▪▪ ▪▪▪ ▪▪▪▪ ▪▪▪▪▪▪ ▪▪ ▪▪▪▪ ▪▪▪▪▪ ▪▪▪ ▪▪▪▪ ▪▪▪▪ ▪▪▪▪▪ ▪▪▪ ▪▪▪▪ ▪▪▪ ▪▪▪▪▪ ▪▪▪ ▪▪▪▪ ▪▪▪▪▪▪ ▪▪ ▪▪▪▪ ▪▪▪▪▪ ▪▪▪ ▪▪▪▪ ▪▪▪▪ ▪▪▪▪▪ ▪▪▪ ▪▪▪▪ ▪▪▪ ▪▪▪▪▪ ▪▪▪ ▪▪▪▪ ▪▪▪▪▪▪ ▪▪ ▪▪▪▪ ▪▪▪▪▪ ▪▪▪ ▪▪▪▪ ▪▪▪▪ ▪▪▪▪▪ ▪▪▪ ▪▪▪▪ ▪▪▪ ▪▪▪▪▪ ▪▪▪ ▪▪▪▪ ▪▪▪▪▪▪ ▪▪ ▪▪▪▪ ▪▪▪▪▪ ▪▪▪ ▪▪▪▪ ▪▪▪▪ ▪▪▪▪▪ ▪▪▪ ▪▪▪▪ ▪▪▪ ▪▪▪▪▪ ▪▪▪ ▪▪▪▪ ▪▪▪▪▪▪ ▪▪ ▪▪▪▪ ▪▪▪▪▪ ▪▪▪ ▪▪▪▪ ▪▪▪▪ ▪▪▪▪▪ ▪▪▪
▪▪▪▪ ▪▪▪ ▪▪▪▪▪ ▪▪▪ ▪▪▪▪ ▪▪▪▪▪▪ ▪▪ ▪▪▪▪ ▪▪▪▪▪ ▪▪▪ ▪▪▪▪ ▪▪▪▪ ▪▪▪▪▪ ▪▪▪ ▪▪▪▪ ▪▪▪ ▪▪▪▪▪ ▪▪▪ ▪▪▪▪ ▪▪▪▪▪▪ ▪▪ ▪▪▪▪ ▪▪▪▪▪ ▪▪▪ ▪▪▪▪ ▪▪▪▪ ▪▪▪▪▪ ▪▪▪ ▪▪▪▪ ▪▪▪ ▪▪▪▪▪ ▪▪▪ ▪▪▪▪ ▪▪▪▪▪▪ ▪▪ ▪▪▪▪ ▪▪▪▪▪ ▪▪▪ ▪▪▪▪ ▪▪▪▪ ▪▪▪▪▪ ▪▪▪ ▪▪▪▪ ▪▪▪ ▪▪▪▪▪ ▪▪▪ ▪▪▪▪ ▪▪▪▪▪▪ ▪▪ ▪▪▪▪ ▪▪▪▪▪ ▪▪▪ ▪▪▪▪ ▪▪▪▪ ▪▪▪▪▪ ▪▪▪
▪▪▪▪ ▪▪▪ ▪▪▪▪▪ ▪▪▪ ▪▪▪▪ ▪▪▪▪▪▪ ▪▪ ▪▪▪▪ ▪▪▪▪▪ ▪▪▪ ▪▪▪▪ ▪▪▪▪ ▪▪▪▪▪ ▪▪▪ ▪▪▪▪ ▪▪▪ ▪▪▪▪▪ ▪▪▪ ▪▪▪▪ ▪▪▪▪▪▪ ▪▪ ▪▪▪▪ ▪▪▪▪▪ ▪▪▪ ▪▪▪▪ ▪▪▪▪ ▪▪▪▪▪ ▪▪▪ ▪▪▪▪ ▪▪▪ ▪▪▪▪▪ ▪▪▪ ▪▪▪▪ ▪▪▪▪▪▪ ▪▪ ▪▪▪▪ ▪▪▪▪▪ ▪▪▪ ▪▪▪▪ ▪▪▪▪ ▪▪▪▪▪ ▪▪▪ ▪▪▪▪ ▪▪▪ ▪▪▪▪▪ ▪▪▪ ▪▪▪▪ ▪▪▪▪▪▪ ▪▪ ▪▪▪▪ ▪▪▪▪▪ ▪▪▪ ▪▪▪▪ ▪▪▪▪ ▪▪▪▪▪ ▪▪▪ ▪▪▪▪ ▪▪▪ ▪▪▪▪▪ ▪▪▪ ▪▪▪▪ ▪▪▪▪▪▪ ▪▪ ▪▪▪▪ ▪▪▪▪▪ ▪▪▪ ▪▪▪▪ ▪▪▪▪ ▪▪▪▪▪ ▪▪▪
▪▪▪▪ ▪▪▪ ▪▪▪▪▪ ▪▪▪ ▪▪▪▪ ▪▪▪▪▪▪ ▪▪ ▪▪▪▪ ▪▪▪▪▪ ▪▪▪ ▪▪▪▪ ▪▪▪▪ ▪▪▪▪▪ ▪▪▪ ▪▪▪▪ ▪▪▪ ▪▪▪▪▪ ▪▪▪ ▪▪▪▪ ▪▪▪▪▪▪ ▪▪ ▪▪▪▪ ▪▪▪▪▪ ▪▪▪ ▪▪▪▪ ▪▪▪▪ ▪▪▪▪▪ ▪▪▪ ▪▪▪▪ ▪▪▪ ▪▪▪▪▪ ▪▪▪ ▪▪▪▪ ▪▪▪▪▪▪ ▪▪ ▪▪▪▪ ▪▪▪▪▪ ▪▪▪ ▪▪▪▪ ▪▪▪▪ ▪▪▪▪▪ ▪▪▪ ▪▪▪▪ ▪▪▪ ▪▪▪▪▪ ▪▪▪ ▪▪▪▪ ▪▪▪▪▪▪ ▪▪ ▪▪▪▪ ▪▪▪▪▪ ▪▪▪ ▪▪▪▪ ▪▪▪▪ ▪▪▪▪▪ ▪▪▪ ▪▪▪▪ ▪▪▪ ▪▪▪▪▪ ▪▪▪ ▪▪▪▪ ▪▪▪▪▪▪ ▪▪ ▪▪▪▪ ▪▪▪▪▪ ▪▪▪ ▪▪▪▪ ▪▪▪▪ ▪▪▪▪▪ ▪▪▪ ▪▪▪▪ ▪▪▪ ▪▪▪▪▪ ▪▪▪ ▪▪▪▪ ▪▪▪▪▪▪ ▪▪ ▪▪▪▪ ▪▪▪▪▪ ▪▪▪ ▪▪▪▪ ▪▪▪▪ ▪▪▪▪▪ ▪▪▪
▪▪▪▪ ▪▪▪ ▪▪▪▪▪ ▪▪▪ ▪▪▪▪ ▪▪▪▪▪▪ ▪▪ ▪▪▪▪ ▪▪▪▪▪ ▪▪▪ ▪▪▪▪ ▪▪▪▪ ▪▪▪▪▪ ▪▪▪ ▪▪▪▪ ▪▪▪ ▪▪▪▪▪ ▪▪▪ ▪▪▪▪ ▪▪▪▪▪▪ ▪▪ ▪▪▪▪ ▪▪▪▪▪ ▪▪▪ ▪▪▪▪ ▪▪▪▪ ▪▪▪▪▪ ▪▪▪ ▪▪▪▪ ▪▪▪ ▪▪▪▪▪ ▪▪▪ ▪▪▪▪ ▪▪▪▪▪▪ ▪▪ ▪▪▪▪ ▪▪▪▪▪ ▪▪▪ ▪▪▪▪ ▪▪▪▪ ▪▪▪▪▪ ▪▪▪ ▪▪▪▪ ▪▪▪ ▪▪▪▪▪ ▪▪▪ ▪▪▪▪ ▪▪▪▪▪▪ ▪▪ ▪▪▪▪ ▪▪▪▪▪ ▪▪▪ ▪▪▪▪ ▪▪▪▪ ▪▪▪▪▪ ▪▪▪
▪▪▪▪ ▪▪▪ ▪▪▪▪▪ ▪▪▪ ▪▪▪▪ ▪▪▪▪▪▪ ▪▪ ▪▪▪▪ ▪▪▪▪▪ ▪▪▪ ▪▪▪▪ ▪▪▪▪ ▪▪▪▪▪ ▪▪▪ ▪▪▪▪ ▪▪▪ ▪▪▪▪▪ ▪▪▪ ▪▪▪▪ ▪▪▪▪▪▪ ▪▪ ▪▪▪▪ ▪▪▪▪▪ ▪▪▪ ▪▪▪▪ ▪▪▪▪ ▪▪▪▪▪ ▪▪▪ ▪▪▪▪ ▪▪▪ ▪▪▪▪▪ ▪▪▪ ▪▪▪▪ ▪▪▪▪▪▪ ▪▪ ▪▪▪▪ ▪▪▪▪▪ ▪▪▪ ▪▪▪▪ ▪▪▪▪ ▪▪▪▪▪ ▪▪▪ ▪▪▪▪ ▪▪▪ ▪▪▪▪▪ ▪▪▪ ▪▪▪▪ ▪▪▪▪▪▪ ▪▪ ▪▪▪▪ ▪▪▪▪▪ ▪▪▪ ▪▪▪▪ ▪▪▪▪ ▪▪▪▪▪ ▪▪▪ ▪▪▪▪ ▪▪▪ ▪▪▪▪▪ ▪▪▪ ▪▪▪▪ ▪▪▪▪▪▪ ▪▪ ▪▪▪▪ ▪▪▪▪▪ ▪▪▪ ▪▪▪▪ ▪▪▪▪ ▪▪▪▪▪ ▪▪▪
▪▪▪▪ ▪▪▪ ▪▪▪▪▪ ▪▪▪ ▪▪▪▪ ▪▪▪▪▪▪ ▪▪ ▪▪▪▪ ▪▪▪▪▪ ▪▪▪ ▪▪▪▪ ▪▪▪▪ ▪▪▪▪▪ ▪▪▪ ▪▪▪▪ ▪▪▪ ▪▪▪▪▪ ▪▪▪ ▪▪▪▪ ▪▪▪▪▪▪ ▪▪ ▪▪▪▪ ▪▪▪▪▪ ▪▪▪ ▪▪▪▪ ▪▪▪▪ ▪▪▪▪▪ ▪▪▪ ▪▪▪▪ ▪▪▪ ▪▪▪▪▪ ▪
